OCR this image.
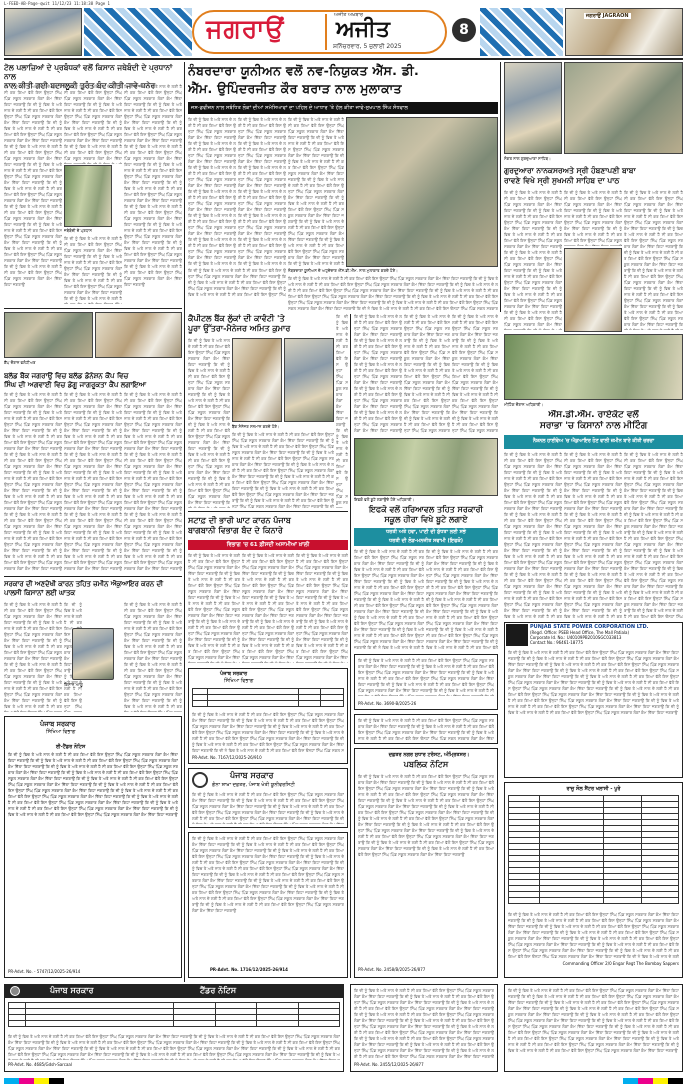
L-FEED-AB-Page-qwit 11/12/23 11:18:38 Page 1
ਜਗਰਾਉਂ	ਅਜੀਤ ਅਖ਼ਬਾਰ
ਅਜੀਤ
ਸ਼ਨਿੱਚਰਵਾਰ, 5 ਜੁਲਾਈ 2025
8
ਜਗਰਾਉਂ JAGRAON
ਟੋਲ ਪਲਾਜ਼ਿਆਂ ਦੇ ਪ੍ਰਬੰਧਕਾਂ ਵਲੋਂ ਕਿਸਾਨ ਜਥੇਬੰਦੀ ਦੇ ਪ੍ਰਧਾਨਾਂ ਨਾਲ
ਨਾਲ ਕੀਤੀ ਗਈ ਬਦਸਲੂਕੀ ਤੁਰੰਤ ਬੰਦ ਕੀਤੀ ਜਾਵੇ-ਧਨੇਰ
ਕਿ ਦੀ ਨੂੰ ਵਿਚ ਤੇ ਅਤੇ ਨਾਲ ਦੇ ਲਈ ਹੈ ਸੀ ਕਰ ਗਿਆ ਵੱਲੋਂ ਇਸ ਉਨ੍ਹਾਂ ਸਿੰਘ ਪਿੰਡ ਸਕੂਲ ਸਰਕਾਰ ਲੋਕਾਂ ਕੰਮ ਦਿੱਤਾ ਕਿਹਾ ਜਗਰਾਉਂ ਕਿ ਦੀ ਨੂੰ ਵਿਚ ਤੇ ਅਤੇ ਨਾਲ ਦੇ ਲਈ ਹੈ ਸੀ ਕਰ ਗਿਆ ਵੱਲੋਂ ਇਸ ਉਨ੍ਹਾਂ ਸਿੰਘ ਪਿੰਡ ਸਕੂਲ ਸਰਕਾਰ ਲੋਕਾਂ ਕੰਮ ਦਿੱਤਾ ਕਿਹਾ ਜਗਰਾਉਂ ਕਿ ਦੀ ਨੂੰ ਵਿਚ ਤੇ ਅਤੇ ਨਾਲ ਦੇ ਲਈ ਹੈ ਸੀ ਕਰ ਗਿਆ ਵੱਲੋਂ ਇਸ ਉਨ੍ਹਾਂ ਸਿੰਘ ਪਿੰਡ ਸਕੂਲ ਸਰਕਾਰ ਲੋਕਾਂ ਕੰਮ ਦਿੱਤਾ ਕਿਹਾ ਜਗਰਾਉਂ ਕਿ ਦੀ ਨੂੰ ਵਿਚ ਤੇ ਅਤੇ ਨਾਲ ਦੇ ਲਈ ਹੈ ਸੀ ਕਰ ਗਿਆ ਵੱਲੋਂ ਇਸ ਉਨ੍ਹਾਂ ਸਿੰਘ ਪਿੰਡ ਸਕੂਲ ਸਰਕਾਰ ਲੋਕਾਂ ਕੰਮ ਦਿੱਤਾ ਕਿਹਾ ਜਗਰਾਉਂ ਕਿ ਦੀ ਨੂੰ ਵਿਚ ਤੇ ਅਤੇ ਨਾਲ ਦੇ ਲਈ ਹੈ ਸੀ ਕਰ ਗਿਆ ਵੱਲੋਂ ਇਸ ਉਨ੍ਹਾਂ ਸਿੰਘ ਪਿੰਡ ਸਕੂਲ ਸਰਕਾਰ ਲੋਕਾਂ ਕੰਮ ਦਿੱਤਾ ਕਿਹਾ ਜਗਰਾਉਂ ਕਿ ਦੀ ਨੂੰ ਵਿਚ ਤੇ ਅਤੇ ਨਾਲ ਦੇ ਲਈ ਹੈ ਸੀ ਕਰ ਗਿਆ ਵੱਲੋਂ ਇਸ ਉਨ੍ਹਾਂ ਸਿੰਘ ਪਿੰਡ ਸਕੂਲ ਸਰਕਾਰ ਲੋਕਾਂ ਕੰਮ ਦਿੱਤਾ ਕਿਹਾ ਜਗਰਾਉਂ ਕਿ ਦੀ ਨੂੰ ਵਿਚ ਤੇ ਅਤੇ ਨਾਲ ਦੇ ਲਈ ਹੈ ਸੀ ਕਰ ਗਿਆ ਵੱਲੋਂ ਇਸ ਉਨ੍ਹਾਂ ਸਿੰਘ ਪਿੰਡ ਸਕੂਲ ਸਰਕਾਰ ਲੋਕਾਂ ਕੰਮ ਦਿੱਤਾ ਕਿਹਾ ਜਗਰਾਉਂ ਕਿ ਦੀ ਨੂੰ ਵਿਚ ਤੇ ਅਤੇ ਨਾਲ ਦੇ ਲਈ ਹੈ ਸੀ ਕਰ ਗਿਆ ਵੱਲੋਂ ਇਸ ਉਨ੍ਹਾਂ ਸਿੰਘ ਪਿੰਡ ਸਕੂਲ ਸਰਕਾਰ ਲੋਕਾਂ ਕੰਮ ਦਿੱਤਾ ਕਿਹਾ ਜਗਰਾਉਂ ਕਿ ਦੀ ਨੂੰ ਵਿਚ ਤੇ ਅਤੇ ਨਾਲ ਦੇ ਲਈ ਹੈ ਸੀ ਕਰ ਗਿਆ ਵੱਲੋਂ ਇਸ ਉਨ੍ਹਾਂ ਸਿੰਘ ਪਿੰਡ ਸਕੂਲ ਸਰਕਾਰ ਲੋਕਾਂ ਕੰਮ ਦਿੱਤਾ ਕਿਹਾ ਜਗਰਾਉਂ ਕਿ ਦੀ ਨੂੰ ਵਿਚ ਤੇ ਅਤੇ ਨਾਲ ਦੇ ਲਈ ਹੈ ਸੀ ਕਰ ਗਿਆ ਵੱਲੋਂ ਇਸ ਉਨ੍ਹਾਂ ਸਿੰਘ ਪਿੰਡ ਸਕੂਲ ਸਰਕਾਰ ਲੋਕਾਂ ਕੰਮ ਦਿੱਤਾ ਕਿਹਾ ਜਗਰਾਉਂ
ਕਿ ਦੀ ਨੂੰ ਵਿਚ ਤੇ ਅਤੇ ਨਾਲ ਦੇ ਲਈ ਹੈ ਸੀ ਕਰ ਗਿਆ ਵੱਲੋਂ ਇਸ ਉਨ੍ਹਾਂ ਸਿੰਘ ਪਿੰਡ ਸਕੂਲ ਸਰਕਾਰ ਲੋਕਾਂ ਕੰਮ ਦਿੱਤਾ ਕਿਹਾ ਜਗਰਾਉਂ ਕਿ ਦੀ ਨੂੰ ਵਿਚ ਤੇ ਅਤੇ ਨਾਲ ਦੇ ਲਈ ਹੈ ਸੀ ਕਰ ਗਿਆ ਵੱਲੋਂ ਇਸ ਉਨ੍ਹਾਂ ਸਿੰਘ ਪਿੰਡ ਸਕੂਲ ਸਰਕਾਰ ਲੋਕਾਂ ਕੰਮ ਦਿੱਤਾ ਕਿਹਾ ਜਗਰਾਉਂ ਕਿ ਦੀ ਨੂੰ ਵਿਚ ਤੇ ਅਤੇ ਨਾਲ ਦੇ ਲਈ ਹੈ ਸੀ ਕਰ ਗਿਆ ਵੱਲੋਂ ਇਸ ਉਨ੍ਹਾਂ ਸਿੰਘ ਪਿੰਡ ਸਕੂਲ ਸਰਕਾਰ ਲੋਕਾਂ ਕੰਮ ਦਿੱਤਾ ਕਿਹਾ ਜਗਰਾਉਂ ਕਿ ਦੀ ਨੂੰ ਵਿਚ ਤੇ ਅਤੇ ਨਾਲ ਦੇ ਲਈ ਹੈ ਸੀ ਕਰ ਗਿਆ ਵੱਲੋਂ ਇਸ ਉਨ੍ਹਾਂ ਸਿੰਘ ਪਿੰਡ ਸਕੂਲ ਸਰਕਾਰ ਲੋਕਾਂ ਕੰਮ ਦਿੱਤਾ ਕਿਹਾ ਜਗਰਾਉਂ ਕਿ ਦੀ ਨੂੰ ਵਿਚ ਤੇ ਅਤੇ ਨਾਲ ਦੇ ਲਈ ਹੈ ਸੀ ਕਰ ਗਿਆ ਵੱਲੋਂ ਇਸ ਉਨ੍ਹਾਂ ਸਿੰਘ ਪਿੰਡ ਸਕੂਲ ਸਰਕਾਰ ਲੋਕਾਂ ਕੰਮ ਦਿੱਤਾ ਕਿਹਾ ਜਗਰਾਉਂ ਕਿ ਦੀ ਨੂੰ ਵਿਚ ਤੇ ਅਤੇ ਨਾਲ ਦੇ ਲਈ ਹੈ ਸੀ ਕਰ ਗਿਆ ਵੱਲੋਂ ਇਸ ਉਨ੍ਹਾਂ ਸਿੰਘ ਪਿੰਡ ਸਕੂਲ ਸਰਕਾਰ ਲੋਕਾਂ ਕੰਮ ਦਿੱਤਾ ਕਿਹਾ ਜਗਰਾਉਂ ਕਿ ਦੀ ਨੂੰ ਵਿਚ ਤੇ ਅਤੇ ਨਾਲ ਦੇ ਲਈ ਹੈ ਸੀ ਕਰ ਗਿਆ ਵੱਲੋਂ ਇਸ ਉਨ੍ਹਾਂ ਸਿੰਘ ਪਿੰਡ ਸਕੂਲ ਸਰਕਾਰ ਲੋਕਾਂ ਕੰਮ ਦਿੱਤਾ ਕਿਹਾ ਜਗਰਾਉਂ ਕਿ ਦੀ ਨੂੰ ਵਿਚ ਤੇ ਅਤੇ ਨਾਲ ਦੇ ਲਈ ਹੈ ਸੀ ਕਰ ਗਿਆ ਵੱਲੋਂ ਇਸ ਉਨ੍ਹਾਂ ਸਿੰਘ ਪਿੰਡ ਸਕੂਲ ਸਰਕਾਰ ਲੋਕਾਂ ਕੰਮ ਦਿੱਤਾ ਕਿਹਾ ਜਗਰਾਉਂ ਕਿ ਦੀ ਨੂੰ ਵਿਚ ਤੇ ਅਤੇ ਨਾਲ ਦੇ ਲਈ ਹੈ ਸੀ ਕਰ ਗਿਆ ਵੱਲੋਂ ਇਸ ਉਨ੍ਹਾਂ ਸਿੰਘ ਪਿੰਡ ਸਕੂਲ ਸਰਕਾਰ ਲੋਕਾਂ ਕੰਮ ਦਿੱਤਾ ਕਿਹਾ ਜਗਰਾਉਂ ਕਿ ਦੀ ਨੂੰ ਵਿਚ ਤੇ ਅਤੇ ਨਾਲ ਦੇ ਲਈ ਹੈ ਸੀ ਕਰ ਗਿਆ ਵੱਲੋਂ ਇਸ ਉਨ੍ਹਾਂ ਸਿੰਘ ਪਿੰਡ ਸਕੂਲ ਸਰਕਾਰ ਲੋਕਾਂ ਕੰਮ ਦਿੱਤਾ ਕਿਹਾ ਜਗਰਾਉਂ
ਜਥੇਬੰਦੀ ਦੇ ਪ੍ਰਧਾਨ
ਕਿ ਦੀ ਨੂੰ ਵਿਚ ਤੇ ਅਤੇ ਨਾਲ ਦੇ ਲਈ ਹੈ ਸੀ ਕਰ ਗਿਆ ਵੱਲੋਂ ਇਸ ਉਨ੍ਹਾਂ ਸਿੰਘ ਪਿੰਡ ਸਕੂਲ ਸਰਕਾਰ ਲੋਕਾਂ ਕੰਮ ਦਿੱਤਾ ਕਿਹਾ ਜਗਰਾਉਂ ਕਿ ਦੀ ਨੂੰ ਵਿਚ ਤੇ ਅਤੇ ਨਾਲ ਦੇ ਲਈ ਹੈ ਸੀ ਕਰ ਗਿਆ ਵੱਲੋਂ ਇਸ ਉਨ੍ਹਾਂ ਸਿੰਘ ਪਿੰਡ ਸਕੂਲ ਸਰਕਾਰ ਲੋਕਾਂ ਕੰਮ ਦਿੱਤਾ ਕਿਹਾ ਜਗਰਾਉਂ ਕਿ ਦੀ ਨੂੰ ਵਿਚ ਤੇ ਅਤੇ ਨਾਲ ਦੇ ਲਈ ਹੈ ਸੀ ਕਰ ਗਿਆ ਵੱਲੋਂ ਇਸ ਉਨ੍ਹਾਂ ਸਿੰਘ ਪਿੰਡ ਸਕੂਲ ਸਰਕਾਰ ਲੋਕਾਂ ਕੰਮ ਦਿੱਤਾ ਕਿਹਾ ਜਗਰਾਉਂ ਕਿ ਦੀ ਨੂੰ ਵਿਚ ਤੇ ਅਤੇ ਨਾਲ ਦੇ ਲਈ ਹੈ ਸੀ ਕਰ ਗਿਆ ਵੱਲੋਂ ਇਸ ਉਨ੍ਹਾਂ ਸਿੰਘ ਪਿੰਡ ਸਕੂਲ ਸਰਕਾਰ ਲੋਕਾਂ ਕੰਮ ਦਿੱਤਾ ਕਿਹਾ ਜਗਰਾਉਂ ਕਿ ਦੀ ਨੂੰ ਵਿਚ ਤੇ ਅਤੇ ਨਾਲ ਦੇ ਲਈ ਹੈ ਸੀ ਕਰ ਗਿਆ ਵੱਲੋਂ ਇਸ ਉਨ੍ਹਾਂ ਸਿੰਘ ਪਿੰਡ ਸਕੂਲ ਸਰਕਾਰ ਲੋਕਾਂ ਕੰਮ ਦਿੱਤਾ ਕਿਹਾ ਜਗਰਾਉਂ ਕਿ ਦੀ ਨੂੰ ਵਿਚ ਤੇ ਅਤੇ ਨਾਲ ਦੇ ਲਈ ਹੈ ਸੀ ਕਰ ਗਿਆ ਵੱਲੋਂ ਇਸ ਉਨ੍ਹਾਂ ਸਿੰਘ ਪਿੰਡ ਸਕੂਲ ਸਰਕਾਰ ਲੋਕਾਂ ਕੰਮ ਦਿੱਤਾ ਕਿਹਾ ਜਗਰਾਉਂ ਕਿ ਦੀ ਨੂੰ ਵਿਚ ਤੇ ਅਤੇ ਨਾਲ ਦੇ ਲਈ ਹੈ ਸੀ ਕਰ ਗਿਆ ਵੱਲੋਂ ਇਸ ਉਨ੍ਹਾਂ ਸਿੰਘ ਪਿੰਡ ਸਕੂਲ ਸਰਕਾਰ ਲੋਕਾਂ ਕੰਮ ਦਿੱਤਾ ਕਿਹਾ ਜਗਰਾਉਂ ਕਿ ਦੀ ਨੂੰ ਵਿਚ ਤੇ ਅਤੇ ਨਾਲ ਦੇ ਲਈ ਹੈ ਸੀ ਕਰ ਗਿਆ ਵੱਲੋਂ ਇਸ ਉਨ੍ਹਾਂ ਸਿੰਘ ਪਿੰਡ ਸਕੂਲ ਸਰਕਾਰ ਲੋਕਾਂ ਕੰਮ ਦਿੱਤਾ ਕਿਹਾ ਜਗਰਾਉਂ ਕਿ ਦੀ ਨੂੰ ਵਿਚ ਤੇ ਅਤੇ ਨਾਲ ਦੇ ਲਈ ਹੈ ਸੀ ਕਰ ਗਿਆ ਵੱਲੋਂ ਇਸ ਉਨ੍ਹਾਂ ਸਿੰਘ ਪਿੰਡ ਸਕੂਲ ਸਰਕਾਰ ਲੋਕਾਂ ਕੰਮ ਦਿੱਤਾ ਕਿਹਾ ਜਗਰਾਉਂ ਕਿ ਦੀ ਨੂੰ ਵਿਚ ਤੇ ਅਤੇ ਨਾਲ ਦੇ ਲਈ ਹੈ ਸੀ ਕਰ ਗਿਆ ਵੱਲੋਂ ਇਸ ਉਨ੍ਹਾਂ ਸਿੰਘ ਪਿੰਡ ਸਕੂਲ ਸਰਕਾਰ ਲੋਕਾਂ ਕੰਮ ਦਿੱਤਾ ਕਿਹਾ ਜਗਰਾਉਂ
ਕਿ ਦੀ ਨੂੰ ਵਿਚ ਤੇ ਅਤੇ ਨਾਲ ਦੇ ਲਈ ਹੈ ਸੀ ਕਰ ਗਿਆ ਵੱਲੋਂ ਇਸ ਉਨ੍ਹਾਂ ਸਿੰਘ ਪਿੰਡ ਸਕੂਲ ਸਰਕਾਰ ਲੋਕਾਂ ਕੰਮ ਦਿੱਤਾ ਕਿਹਾ ਜਗਰਾਉਂ ਕਿ ਦੀ ਨੂੰ ਵਿਚ ਤੇ ਅਤੇ ਨਾਲ ਦੇ ਲਈ ਹੈ ਸੀ ਕਰ ਗਿਆ ਵੱਲੋਂ ਇਸ ਉਨ੍ਹਾਂ ਸਿੰਘ ਪਿੰਡ ਸਕੂਲ ਸਰਕਾਰ ਲੋਕਾਂ ਕੰਮ ਦਿੱਤਾ ਕਿਹਾ ਜਗਰਾਉਂ ਕਿ ਦੀ ਨੂੰ ਵਿਚ ਤੇ ਅਤੇ ਨਾਲ ਦੇ ਲਈ ਹੈ ਸੀ ਕਰ ਗਿਆ ਵੱਲੋਂ ਇਸ ਉਨ੍ਹਾਂ ਸਿੰਘ ਪਿੰਡ ਸਕੂਲ ਸਰਕਾਰ ਲੋਕਾਂ ਕੰਮ ਦਿੱਤਾ ਕਿਹਾ ਜਗਰਾਉਂ ਕਿ ਦੀ ਨੂੰ ਵਿਚ ਤੇ ਅਤੇ ਨਾਲ ਦੇ ਲਈ ਹੈ ਸੀ ਕਰ ਗਿਆ ਵੱਲੋਂ ਇਸ ਉਨ੍ਹਾਂ ਸਿੰਘ ਪਿੰਡ ਸਕੂਲ ਸਰਕਾਰ ਲੋਕਾਂ ਕੰਮ ਦਿੱਤਾ ਕਿਹਾ ਜਗਰਾਉਂ ਕਿ ਦੀ ਨੂੰ ਵਿਚ ਤੇ ਅਤੇ ਨਾਲ ਦੇ ਲਈ ਹੈ ਸੀ ਕਰ ਗਿਆ ਵੱਲੋਂ ਇਸ ਉਨ੍ਹਾਂ ਸਿੰਘ ਪਿੰਡ ਸਕੂਲ ਸਰਕਾਰ ਲੋਕਾਂ ਕੰਮ ਦਿੱਤਾ ਕਿਹਾ ਜਗਰਾਉਂ ਕਿ ਦੀ ਨੂੰ ਵਿਚ ਤੇ ਅਤੇ ਨਾਲ ਦੇ ਲਈ ਹੈ ਸੀ ਕਰ ਗਿਆ ਵੱਲੋਂ ਇਸ ਉਨ੍ਹਾਂ ਸਿੰਘ ਪਿੰਡ ਸਕੂਲ ਸਰਕਾਰ ਲੋਕਾਂ ਕੰਮ ਦਿੱਤਾ ਕਿਹਾ ਜਗਰਾਉਂ ਕਿ ਦੀ ਨੂੰ ਵਿਚ ਤੇ ਅਤੇ ਨਾਲ ਦੇ ਲਈ ਹੈ ਸੀ ਕਰ ਗਿਆ ਵੱਲੋਂ ਇਸ ਉਨ੍ਹਾਂ ਸਿੰਘ ਪਿੰਡ ਸਕੂਲ ਸਰਕਾਰ ਲੋਕਾਂ ਕੰਮ ਦਿੱਤਾ ਕਿਹਾ ਜਗਰਾਉਂ ਕਿ ਦੀ ਨੂੰ ਵਿਚ ਤੇ ਅਤੇ ਨਾਲ ਦੇ ਲਈ ਹੈ ਸੀ ਕਰ ਗਿਆ ਵੱਲੋਂ ਇਸ ਉਨ੍ਹਾਂ ਸਿੰਘ ਪਿੰਡ ਸਕੂਲ ਸਰਕਾਰ ਲੋਕਾਂ ਕੰਮ ਦਿੱਤਾ ਕਿਹਾ ਜਗਰਾਉਂ ਕਿ ਦੀ ਨੂੰ ਵਿਚ ਤੇ ਅਤੇ ਨਾਲ ਦੇ ਲਈ ਹੈ ਸੀ ਕਰ ਗਿਆ ਵੱਲੋਂ ਇਸ ਉਨ੍ਹਾਂ ਸਿੰਘ ਪਿੰਡ ਸਕੂਲ ਸਰਕਾਰ ਲੋਕਾਂ ਕੰਮ ਦਿੱਤਾ ਕਿਹਾ ਜਗਰਾਉਂ ਕਿ ਦੀ ਨੂੰ ਵਿਚ ਤੇ ਅਤੇ ਨਾਲ ਦੇ ਲਈ ਹੈ ਸੀ ਕਰ ਗਿਆ ਵੱਲੋਂ ਇਸ ਉਨ੍ਹਾਂ ਸਿੰਘ ਪਿੰਡ ਸਕੂਲ ਸਰਕਾਰ ਲੋਕਾਂ ਕੰਮ ਦਿੱਤਾ ਕਿਹਾ ਜਗਰਾਉਂ
ਕੈਂਪ ਦੌਰਾਨ ਵਲੰਟੀਅਰ
ਬਲੱਡ ਬੈਂਕ ਜਗਰਾਉਂ ਵਿਚ ਬਲੱਡ ਡੋਨੇਸ਼ਨ ਕੈਂਪ ਵਿਚ
ਸਿੰਘ ਦੀ ਅਗਵਾਈ ਵਿਚ ਡੇਂਗੂ ਜਾਗਰੂਕਤਾ ਕੈਂਪ ਲਗਾਇਆ
ਕਿ ਦੀ ਨੂੰ ਵਿਚ ਤੇ ਅਤੇ ਨਾਲ ਦੇ ਲਈ ਹੈ ਸੀ ਕਰ ਗਿਆ ਵੱਲੋਂ ਇਸ ਉਨ੍ਹਾਂ ਸਿੰਘ ਪਿੰਡ ਸਕੂਲ ਸਰਕਾਰ ਲੋਕਾਂ ਕੰਮ ਦਿੱਤਾ ਕਿਹਾ ਜਗਰਾਉਂ ਕਿ ਦੀ ਨੂੰ ਵਿਚ ਤੇ ਅਤੇ ਨਾਲ ਦੇ ਲਈ ਹੈ ਸੀ ਕਰ ਗਿਆ ਵੱਲੋਂ ਇਸ ਉਨ੍ਹਾਂ ਸਿੰਘ ਪਿੰਡ ਸਕੂਲ ਸਰਕਾਰ ਲੋਕਾਂ ਕੰਮ ਦਿੱਤਾ ਕਿਹਾ ਜਗਰਾਉਂ ਕਿ ਦੀ ਨੂੰ ਵਿਚ ਤੇ ਅਤੇ ਨਾਲ ਦੇ ਲਈ ਹੈ ਸੀ ਕਰ ਗਿਆ ਵੱਲੋਂ ਇਸ ਉਨ੍ਹਾਂ ਸਿੰਘ ਪਿੰਡ ਸਕੂਲ ਸਰਕਾਰ ਲੋਕਾਂ ਕੰਮ ਦਿੱਤਾ ਕਿਹਾ ਜਗਰਾਉਂ ਕਿ ਦੀ ਨੂੰ ਵਿਚ ਤੇ ਅਤੇ ਨਾਲ ਦੇ ਲਈ ਹੈ ਸੀ ਕਰ ਗਿਆ ਵੱਲੋਂ ਇਸ ਉਨ੍ਹਾਂ ਸਿੰਘ ਪਿੰਡ ਸਕੂਲ ਸਰਕਾਰ ਲੋਕਾਂ ਕੰਮ ਦਿੱਤਾ ਕਿਹਾ ਜਗਰਾਉਂ ਕਿ ਦੀ ਨੂੰ ਵਿਚ ਤੇ ਅਤੇ ਨਾਲ ਦੇ ਲਈ ਹੈ ਸੀ ਕਰ ਗਿਆ ਵੱਲੋਂ ਇਸ ਉਨ੍ਹਾਂ ਸਿੰਘ ਪਿੰਡ ਸਕੂਲ ਸਰਕਾਰ ਲੋਕਾਂ ਕੰਮ ਦਿੱਤਾ ਕਿਹਾ ਜਗਰਾਉਂ ਕਿ ਦੀ ਨੂੰ ਵਿਚ ਤੇ ਅਤੇ ਨਾਲ ਦੇ ਲਈ ਹੈ ਸੀ ਕਰ ਗਿਆ ਵੱਲੋਂ ਇਸ ਉਨ੍ਹਾਂ ਸਿੰਘ ਪਿੰਡ ਸਕੂਲ ਸਰਕਾਰ ਲੋਕਾਂ ਕੰਮ ਦਿੱਤਾ ਕਿਹਾ ਜਗਰਾਉਂ ਕਿ ਦੀ ਨੂੰ ਵਿਚ ਤੇ ਅਤੇ ਨਾਲ ਦੇ ਲਈ ਹੈ ਸੀ ਕਰ ਗਿਆ ਵੱਲੋਂ ਇਸ ਉਨ੍ਹਾਂ ਸਿੰਘ ਪਿੰਡ ਸਕੂਲ ਸਰਕਾਰ ਲੋਕਾਂ ਕੰਮ ਦਿੱਤਾ ਕਿਹਾ ਜਗਰਾਉਂ ਕਿ ਦੀ ਨੂੰ ਵਿਚ ਤੇ ਅਤੇ ਨਾਲ ਦੇ ਲਈ ਹੈ ਸੀ ਕਰ ਗਿਆ ਵੱਲੋਂ ਇਸ ਉਨ੍ਹਾਂ ਸਿੰਘ ਪਿੰਡ ਸਕੂਲ ਸਰਕਾਰ ਲੋਕਾਂ ਕੰਮ ਦਿੱਤਾ ਕਿਹਾ ਜਗਰਾਉਂ ਕਿ ਦੀ ਨੂੰ ਵਿਚ ਤੇ ਅਤੇ ਨਾਲ ਦੇ ਲਈ ਹੈ ਸੀ ਕਰ ਗਿਆ ਵੱਲੋਂ ਇਸ ਉਨ੍ਹਾਂ ਸਿੰਘ ਪਿੰਡ ਸਕੂਲ ਸਰਕਾਰ ਲੋਕਾਂ ਕੰਮ ਦਿੱਤਾ ਕਿਹਾ ਜਗਰਾਉਂ ਕਿ ਦੀ ਨੂੰ ਵਿਚ ਤੇ ਅਤੇ ਨਾਲ ਦੇ ਲਈ ਹੈ ਸੀ ਕਰ ਗਿਆ ਵੱਲੋਂ ਇਸ ਉਨ੍ਹਾਂ ਸਿੰਘ ਪਿੰਡ ਸਕੂਲ ਸਰਕਾਰ ਲੋਕਾਂ ਕੰਮ ਦਿੱਤਾ ਕਿਹਾ ਜਗਰਾਉਂ
ਕਿ ਦੀ ਨੂੰ ਵਿਚ ਤੇ ਅਤੇ ਨਾਲ ਦੇ ਲਈ ਹੈ ਸੀ ਕਰ ਗਿਆ ਵੱਲੋਂ ਇਸ ਉਨ੍ਹਾਂ ਸਿੰਘ ਪਿੰਡ ਸਕੂਲ ਸਰਕਾਰ ਲੋਕਾਂ ਕੰਮ ਦਿੱਤਾ ਕਿਹਾ ਜਗਰਾਉਂ ਕਿ ਦੀ ਨੂੰ ਵਿਚ ਤੇ ਅਤੇ ਨਾਲ ਦੇ ਲਈ ਹੈ ਸੀ ਕਰ ਗਿਆ ਵੱਲੋਂ ਇਸ ਉਨ੍ਹਾਂ ਸਿੰਘ ਪਿੰਡ ਸਕੂਲ ਸਰਕਾਰ ਲੋਕਾਂ ਕੰਮ ਦਿੱਤਾ ਕਿਹਾ ਜਗਰਾਉਂ ਕਿ ਦੀ ਨੂੰ ਵਿਚ ਤੇ ਅਤੇ ਨਾਲ ਦੇ ਲਈ ਹੈ ਸੀ ਕਰ ਗਿਆ ਵੱਲੋਂ ਇਸ ਉਨ੍ਹਾਂ ਸਿੰਘ ਪਿੰਡ ਸਕੂਲ ਸਰਕਾਰ ਲੋਕਾਂ ਕੰਮ ਦਿੱਤਾ ਕਿਹਾ ਜਗਰਾਉਂ ਕਿ ਦੀ ਨੂੰ ਵਿਚ ਤੇ ਅਤੇ ਨਾਲ ਦੇ ਲਈ ਹੈ ਸੀ ਕਰ ਗਿਆ ਵੱਲੋਂ ਇਸ ਉਨ੍ਹਾਂ ਸਿੰਘ ਪਿੰਡ ਸਕੂਲ ਸਰਕਾਰ ਲੋਕਾਂ ਕੰਮ ਦਿੱਤਾ ਕਿਹਾ ਜਗਰਾਉਂ ਕਿ ਦੀ ਨੂੰ ਵਿਚ ਤੇ ਅਤੇ ਨਾਲ ਦੇ ਲਈ ਹੈ ਸੀ ਕਰ ਗਿਆ ਵੱਲੋਂ ਇਸ ਉਨ੍ਹਾਂ ਸਿੰਘ ਪਿੰਡ ਸਕੂਲ ਸਰਕਾਰ ਲੋਕਾਂ ਕੰਮ ਦਿੱਤਾ ਕਿਹਾ ਜਗਰਾਉਂ ਕਿ ਦੀ ਨੂੰ ਵਿਚ ਤੇ ਅਤੇ ਨਾਲ ਦੇ ਲਈ ਹੈ ਸੀ ਕਰ ਗਿਆ ਵੱਲੋਂ ਇਸ ਉਨ੍ਹਾਂ ਸਿੰਘ ਪਿੰਡ ਸਕੂਲ ਸਰਕਾਰ ਲੋਕਾਂ ਕੰਮ ਦਿੱਤਾ ਕਿਹਾ ਜਗਰਾਉਂ ਕਿ ਦੀ ਨੂੰ ਵਿਚ ਤੇ ਅਤੇ ਨਾਲ ਦੇ ਲਈ ਹੈ ਸੀ ਕਰ ਗਿਆ ਵੱਲੋਂ ਇਸ ਉਨ੍ਹਾਂ ਸਿੰਘ ਪਿੰਡ ਸਕੂਲ ਸਰਕਾਰ ਲੋਕਾਂ ਕੰਮ ਦਿੱਤਾ ਕਿਹਾ ਜਗਰਾਉਂ ਕਿ ਦੀ ਨੂੰ ਵਿਚ ਤੇ ਅਤੇ ਨਾਲ ਦੇ ਲਈ ਹੈ ਸੀ ਕਰ ਗਿਆ ਵੱਲੋਂ ਇਸ ਉਨ੍ਹਾਂ ਸਿੰਘ ਪਿੰਡ ਸਕੂਲ ਸਰਕਾਰ ਲੋਕਾਂ ਕੰਮ ਦਿੱਤਾ ਕਿਹਾ ਜਗਰਾਉਂ ਕਿ ਦੀ ਨੂੰ ਵਿਚ ਤੇ ਅਤੇ ਨਾਲ ਦੇ ਲਈ ਹੈ ਸੀ ਕਰ ਗਿਆ ਵੱਲੋਂ ਇਸ ਉਨ੍ਹਾਂ ਸਿੰਘ ਪਿੰਡ ਸਕੂਲ ਸਰਕਾਰ ਲੋਕਾਂ ਕੰਮ ਦਿੱਤਾ ਕਿਹਾ ਜਗਰਾਉਂ ਕਿ ਦੀ ਨੂੰ ਵਿਚ ਤੇ ਅਤੇ ਨਾਲ ਦੇ ਲਈ ਹੈ ਸੀ ਕਰ ਗਿਆ ਵੱਲੋਂ ਇਸ ਉਨ੍ਹਾਂ ਸਿੰਘ ਪਿੰਡ ਸਕੂਲ ਸਰਕਾਰ ਲੋਕਾਂ ਕੰਮ ਦਿੱਤਾ ਕਿਹਾ ਜਗਰਾਉਂ
ਕਿ ਦੀ ਨੂੰ ਵਿਚ ਤੇ ਅਤੇ ਨਾਲ ਦੇ ਲਈ ਹੈ ਸੀ ਕਰ ਗਿਆ ਵੱਲੋਂ ਇਸ ਉਨ੍ਹਾਂ ਸਿੰਘ ਪਿੰਡ ਸਕੂਲ ਸਰਕਾਰ ਲੋਕਾਂ ਕੰਮ ਦਿੱਤਾ ਕਿਹਾ ਜਗਰਾਉਂ ਕਿ ਦੀ ਨੂੰ ਵਿਚ ਤੇ ਅਤੇ ਨਾਲ ਦੇ ਲਈ ਹੈ ਸੀ ਕਰ ਗਿਆ ਵੱਲੋਂ ਇਸ ਉਨ੍ਹਾਂ ਸਿੰਘ ਪਿੰਡ ਸਕੂਲ ਸਰਕਾਰ ਲੋਕਾਂ ਕੰਮ ਦਿੱਤਾ ਕਿਹਾ ਜਗਰਾਉਂ ਕਿ ਦੀ ਨੂੰ ਵਿਚ ਤੇ ਅਤੇ ਨਾਲ ਦੇ ਲਈ ਹੈ ਸੀ ਕਰ ਗਿਆ ਵੱਲੋਂ ਇਸ ਉਨ੍ਹਾਂ ਸਿੰਘ ਪਿੰਡ ਸਕੂਲ ਸਰਕਾਰ ਲੋਕਾਂ ਕੰਮ ਦਿੱਤਾ ਕਿਹਾ ਜਗਰਾਉਂ ਕਿ ਦੀ ਨੂੰ ਵਿਚ ਤੇ ਅਤੇ ਨਾਲ ਦੇ ਲਈ ਹੈ ਸੀ ਕਰ ਗਿਆ ਵੱਲੋਂ ਇਸ ਉਨ੍ਹਾਂ ਸਿੰਘ ਪਿੰਡ ਸਕੂਲ ਸਰਕਾਰ ਲੋਕਾਂ ਕੰਮ ਦਿੱਤਾ ਕਿਹਾ ਜਗਰਾਉਂ ਕਿ ਦੀ ਨੂੰ ਵਿਚ ਤੇ ਅਤੇ ਨਾਲ ਦੇ ਲਈ ਹੈ ਸੀ ਕਰ ਗਿਆ ਵੱਲੋਂ ਇਸ ਉਨ੍ਹਾਂ ਸਿੰਘ ਪਿੰਡ ਸਕੂਲ ਸਰਕਾਰ ਲੋਕਾਂ ਕੰਮ ਦਿੱਤਾ ਕਿਹਾ ਜਗਰਾਉਂ ਕਿ ਦੀ ਨੂੰ ਵਿਚ ਤੇ ਅਤੇ ਨਾਲ ਦੇ ਲਈ ਹੈ ਸੀ ਕਰ ਗਿਆ ਵੱਲੋਂ ਇਸ ਉਨ੍ਹਾਂ ਸਿੰਘ ਪਿੰਡ ਸਕੂਲ ਸਰਕਾਰ ਲੋਕਾਂ ਕੰਮ ਦਿੱਤਾ ਕਿਹਾ ਜਗਰਾਉਂ ਕਿ ਦੀ ਨੂੰ ਵਿਚ ਤੇ ਅਤੇ ਨਾਲ ਦੇ ਲਈ ਹੈ ਸੀ ਕਰ ਗਿਆ ਵੱਲੋਂ ਇਸ ਉਨ੍ਹਾਂ ਸਿੰਘ ਪਿੰਡ ਸਕੂਲ ਸਰਕਾਰ ਲੋਕਾਂ ਕੰਮ ਦਿੱਤਾ ਕਿਹਾ ਜਗਰਾਉਂ ਕਿ ਦੀ ਨੂੰ ਵਿਚ ਤੇ ਅਤੇ ਨਾਲ ਦੇ ਲਈ ਹੈ ਸੀ ਕਰ ਗਿਆ ਵੱਲੋਂ ਇਸ ਉਨ੍ਹਾਂ ਸਿੰਘ ਪਿੰਡ ਸਕੂਲ ਸਰਕਾਰ ਲੋਕਾਂ ਕੰਮ ਦਿੱਤਾ ਕਿਹਾ ਜਗਰਾਉਂ ਕਿ ਦੀ ਨੂੰ ਵਿਚ ਤੇ ਅਤੇ ਨਾਲ ਦੇ ਲਈ ਹੈ ਸੀ ਕਰ ਗਿਆ ਵੱਲੋਂ ਇਸ ਉਨ੍ਹਾਂ ਸਿੰਘ ਪਿੰਡ ਸਕੂਲ ਸਰਕਾਰ ਲੋਕਾਂ ਕੰਮ ਦਿੱਤਾ ਕਿਹਾ ਜਗਰਾਉਂ ਕਿ ਦੀ ਨੂੰ ਵਿਚ ਤੇ ਅਤੇ ਨਾਲ ਦੇ ਲਈ ਹੈ ਸੀ ਕਰ ਗਿਆ ਵੱਲੋਂ ਇਸ ਉਨ੍ਹਾਂ ਸਿੰਘ ਪਿੰਡ ਸਕੂਲ ਸਰਕਾਰ ਲੋਕਾਂ ਕੰਮ ਦਿੱਤਾ ਕਿਹਾ ਜਗਰਾਉਂ
ਸਰਕਾਰ ਦੀ ਅਣਦੇਖੀ ਕਾਰਨ ਤਹਿਤ ਜ਼ਮੀਨ ਐਕੁਆਇਰ ਕਰਨ ਦੀ ਪਾਲਸੀ ਕਿਸਾਨਾਂ ਲਈ ਘਾਤਕ
ਕਿ ਦੀ ਨੂੰ ਵਿਚ ਤੇ ਅਤੇ ਨਾਲ ਦੇ ਲਈ ਹੈ ਸੀ ਕਰ ਗਿਆ ਵੱਲੋਂ ਇਸ ਉਨ੍ਹਾਂ ਸਿੰਘ ਪਿੰਡ ਸਕੂਲ ਸਰਕਾਰ ਲੋਕਾਂ ਕੰਮ ਦਿੱਤਾ ਕਿਹਾ ਜਗਰਾਉਂ ਕਿ ਦੀ ਨੂੰ ਵਿਚ ਤੇ ਅਤੇ ਨਾਲ ਦੇ ਲਈ ਹੈ ਸੀ ਕਰ ਗਿਆ ਵੱਲੋਂ ਇਸ ਉਨ੍ਹਾਂ ਸਿੰਘ ਪਿੰਡ ਸਕੂਲ ਸਰਕਾਰ ਲੋਕਾਂ ਕੰਮ ਦਿੱਤਾ ਕਿਹਾ ਜਗਰਾਉਂ ਕਿ ਦੀ ਨੂੰ ਵਿਚ ਤੇ ਅਤੇ ਨਾਲ ਦੇ ਲਈ ਹੈ ਸੀ ਕਰ ਗਿਆ ਵੱਲੋਂ ਇਸ ਉਨ੍ਹਾਂ ਸਿੰਘ ਪਿੰਡ ਸਕੂਲ ਸਰਕਾਰ ਲੋਕਾਂ ਕੰਮ ਦਿੱਤਾ ਕਿਹਾ ਜਗਰਾਉਂ ਕਿ ਦੀ ਨੂੰ ਵਿਚ ਤੇ ਅਤੇ ਨਾਲ ਦੇ ਲਈ ਹੈ ਸੀ ਕਰ ਗਿਆ ਵੱਲੋਂ ਇਸ ਉਨ੍ਹਾਂ ਸਿੰਘ ਪਿੰਡ ਸਕੂਲ ਸਰਕਾਰ ਲੋਕਾਂ ਕੰਮ ਦਿੱਤਾ ਕਿਹਾ ਜਗਰਾਉਂ ਕਿ ਦੀ ਨੂੰ ਵਿਚ ਤੇ ਅਤੇ ਨਾਲ ਦੇ ਲਈ ਹੈ ਸੀ ਕਰ ਗਿਆ ਵੱਲੋਂ ਇਸ ਉਨ੍ਹਾਂ ਸਿੰਘ ਪਿੰਡ ਸਕੂਲ ਸਰਕਾਰ ਲੋਕਾਂ ਕੰਮ ਦਿੱਤਾ ਕਿਹਾ ਜਗਰਾਉਂ ਕਿ ਦੀ ਨੂੰ ਵਿਚ ਤੇ ਅਤੇ ਨਾਲ ਦੇ ਲਈ ਹੈ ਸੀ ਕਰ ਗਿਆ ਵੱਲੋਂ ਇਸ ਉਨ੍ਹਾਂ ਸਿੰਘ ਪਿੰਡ ਸਕੂਲ ਸਰਕਾਰ ਲੋਕਾਂ ਕੰਮ ਦਿੱਤਾ ਕਿਹਾ ਜਗਰਾਉਂ ਕਿ ਦੀ ਨੂੰ ਵਿਚ ਤੇ ਅਤੇ ਨਾਲ ਦੇ ਲਈ ਹੈ ਸੀ ਕਰ ਗਿਆ ਵੱਲੋਂ ਇਸ ਉਨ੍ਹਾਂ ਸਿੰਘ ਪਿੰਡ ਸਕੂਲ ਸਰਕਾਰ ਲੋਕਾਂ ਕੰਮ ਦਿੱਤਾ ਕਿਹਾ ਜਗਰਾਉਂ ਕਿ ਦੀ ਨੂੰ ਵਿਚ ਤੇ ਅਤੇ ਨਾਲ ਦੇ ਲਈ ਹੈ ਸੀ ਕਰ ਗਿਆ ਵੱਲੋਂ ਇਸ ਉਨ੍ਹਾਂ ਸਿੰਘ ਪਿੰਡ ਸਕੂਲ ਸਰਕਾਰ ਲੋਕਾਂ ਕੰਮ ਦਿੱਤਾ ਕਿਹਾ ਜਗਰਾਉਂ ਕਿ ਦੀ ਨੂੰ ਵਿਚ ਤੇ ਅਤੇ ਨਾਲ ਦੇ ਲਈ ਹੈ ਸੀ ਕਰ ਗਿਆ ਵੱਲੋਂ ਇਸ ਉਨ੍ਹਾਂ ਸਿੰਘ ਪਿੰਡ ਸਕੂਲ ਸਰਕਾਰ ਲੋਕਾਂ ਕੰਮ ਦਿੱਤਾ ਕਿਹਾ ਜਗਰਾਉਂ ਕਿ ਦੀ ਨੂੰ ਵਿਚ ਤੇ ਅਤੇ ਨਾਲ ਦੇ ਲਈ ਹੈ ਸੀ ਕਰ ਗਿਆ ਵੱਲੋਂ ਇਸ ਉਨ੍ਹਾਂ ਸਿੰਘ ਪਿੰਡ ਸਕੂਲ ਸਰਕਾਰ ਲੋਕਾਂ ਕੰਮ ਦਿੱਤਾ ਕਿਹਾ ਜਗਰਾਉਂ
ਕਿ ਦੀ ਨੂੰ ਵਿਚ ਤੇ ਅਤੇ ਨਾਲ ਦੇ ਲਈ ਹੈ ਸੀ ਕਰ ਗਿਆ ਵੱਲੋਂ ਇਸ ਉਨ੍ਹਾਂ ਸਿੰਘ ਪਿੰਡ ਸਕੂਲ ਸਰਕਾਰ ਲੋਕਾਂ ਕੰਮ ਦਿੱਤਾ ਕਿਹਾ ਜਗਰਾਉਂ ਕਿ ਦੀ ਨੂੰ ਵਿਚ ਤੇ ਅਤੇ ਨਾਲ ਦੇ ਲਈ ਹੈ ਸੀ ਕਰ ਗਿਆ ਵੱਲੋਂ ਇਸ ਉਨ੍ਹਾਂ ਸਿੰਘ ਪਿੰਡ ਸਕੂਲ ਸਰਕਾਰ ਲੋਕਾਂ ਕੰਮ ਦਿੱਤਾ ਕਿਹਾ ਜਗਰਾਉਂ ਕਿ ਦੀ ਨੂੰ ਵਿਚ ਤੇ ਅਤੇ ਨਾਲ ਦੇ ਲਈ ਹੈ ਸੀ ਕਰ ਗਿਆ ਵੱਲੋਂ ਇਸ ਉਨ੍ਹਾਂ ਸਿੰਘ ਪਿੰਡ ਸਕੂਲ ਸਰਕਾਰ ਲੋਕਾਂ ਕੰਮ ਦਿੱਤਾ ਕਿਹਾ ਜਗਰਾਉਂ ਕਿ ਦੀ ਨੂੰ ਵਿਚ ਤੇ ਅਤੇ ਨਾਲ ਦੇ ਲਈ ਹੈ ਸੀ ਕਰ ਗਿਆ ਵੱਲੋਂ ਇਸ ਉਨ੍ਹਾਂ ਸਿੰਘ ਪਿੰਡ ਸਕੂਲ ਸਰਕਾਰ ਲੋਕਾਂ ਕੰਮ ਦਿੱਤਾ ਕਿਹਾ ਜਗਰਾਉਂ ਕਿ ਦੀ ਨੂੰ ਵਿਚ ਤੇ ਅਤੇ ਨਾਲ ਦੇ ਲਈ ਹੈ ਸੀ ਕਰ ਗਿਆ ਵੱਲੋਂ ਇਸ ਉਨ੍ਹਾਂ ਸਿੰਘ ਪਿੰਡ ਸਕੂਲ ਸਰਕਾਰ ਲੋਕਾਂ ਕੰਮ ਦਿੱਤਾ ਕਿਹਾ ਜਗਰਾਉਂ ਕਿ ਦੀ ਨੂੰ ਵਿਚ ਤੇ ਅਤੇ ਨਾਲ ਦੇ ਲਈ ਹੈ ਸੀ ਕਰ ਗਿਆ ਵੱਲੋਂ ਇਸ ਉਨ੍ਹਾਂ ਸਿੰਘ ਪਿੰਡ ਸਕੂਲ ਸਰਕਾਰ ਲੋਕਾਂ ਕੰਮ ਦਿੱਤਾ ਕਿਹਾ ਜਗਰਾਉਂ ਕਿ ਦੀ ਨੂੰ ਵਿਚ ਤੇ ਅਤੇ ਨਾਲ ਦੇ ਲਈ ਹੈ ਸੀ ਕਰ ਗਿਆ ਵੱਲੋਂ ਇਸ ਉਨ੍ਹਾਂ ਸਿੰਘ ਪਿੰਡ ਸਕੂਲ ਸਰਕਾਰ ਲੋਕਾਂ ਕੰਮ ਦਿੱਤਾ ਕਿਹਾ ਜਗਰਾਉਂ ਕਿ ਦੀ ਨੂੰ ਵਿਚ ਤੇ ਅਤੇ ਨਾਲ ਦੇ ਲਈ ਹੈ ਸੀ ਕਰ ਗਿਆ ਵੱਲੋਂ ਇਸ ਉਨ੍ਹਾਂ ਸਿੰਘ ਪਿੰਡ ਸਕੂਲ ਸਰਕਾਰ ਲੋਕਾਂ ਕੰਮ ਦਿੱਤਾ ਕਿਹਾ ਜਗਰਾਉਂ ਕਿ ਦੀ ਨੂੰ ਵਿਚ ਤੇ ਅਤੇ ਨਾਲ ਦੇ ਲਈ ਹੈ ਸੀ ਕਰ ਗਿਆ ਵੱਲੋਂ ਇਸ ਉਨ੍ਹਾਂ ਸਿੰਘ ਪਿੰਡ ਸਕੂਲ ਸਰਕਾਰ ਲੋਕਾਂ ਕੰਮ ਦਿੱਤਾ ਕਿਹਾ ਜਗਰਾਉਂ ਕਿ ਦੀ ਨੂੰ ਵਿਚ ਤੇ ਅਤੇ ਨਾਲ ਦੇ ਲਈ ਹੈ ਸੀ ਕਰ ਗਿਆ ਵੱਲੋਂ ਇਸ ਉਨ੍ਹਾਂ ਸਿੰਘ ਪਿੰਡ ਸਕੂਲ ਸਰਕਾਰ ਲੋਕਾਂ ਕੰਮ ਦਿੱਤਾ ਕਿਹਾ ਜਗਰਾਉਂ
ਕਿਸਾਨ ਆਗੂ
ਕਿ ਦੀ ਨੂੰ ਵਿਚ ਤੇ ਅਤੇ ਨਾਲ ਦੇ ਲਈ ਹੈ ਸੀ ਕਰ ਗਿਆ ਵੱਲੋਂ ਇਸ ਉਨ੍ਹਾਂ ਸਿੰਘ ਪਿੰਡ ਸਕੂਲ ਸਰਕਾਰ ਲੋਕਾਂ ਕੰਮ ਦਿੱਤਾ ਕਿਹਾ ਜਗਰਾਉਂ ਕਿ ਦੀ ਨੂੰ ਵਿਚ ਤੇ ਅਤੇ ਨਾਲ ਦੇ ਲਈ ਹੈ ਸੀ ਕਰ ਗਿਆ ਵੱਲੋਂ ਇਸ ਉਨ੍ਹਾਂ ਸਿੰਘ ਪਿੰਡ ਸਕੂਲ ਸਰਕਾਰ ਲੋਕਾਂ ਕੰਮ ਦਿੱਤਾ ਕਿਹਾ ਜਗਰਾਉਂ ਕਿ ਦੀ ਨੂੰ ਵਿਚ ਤੇ ਅਤੇ ਨਾਲ ਦੇ ਲਈ ਹੈ ਸੀ ਕਰ ਗਿਆ ਵੱਲੋਂ ਇਸ ਉਨ੍ਹਾਂ ਸਿੰਘ ਪਿੰਡ ਸਕੂਲ ਸਰਕਾਰ ਲੋਕਾਂ ਕੰਮ ਦਿੱਤਾ ਕਿਹਾ ਜਗਰਾਉਂ ਕਿ ਦੀ ਨੂੰ ਵਿਚ ਤੇ ਅਤੇ ਨਾਲ ਦੇ ਲਈ ਹੈ ਸੀ ਕਰ ਗਿਆ ਵੱਲੋਂ ਇਸ ਉਨ੍ਹਾਂ ਸਿੰਘ ਪਿੰਡ ਸਕੂਲ ਸਰਕਾਰ ਲੋਕਾਂ ਕੰਮ ਦਿੱਤਾ ਕਿਹਾ ਜਗਰਾਉਂ ਕਿ ਦੀ ਨੂੰ ਵਿਚ ਤੇ ਅਤੇ ਨਾਲ ਦੇ ਲਈ ਹੈ ਸੀ ਕਰ ਗਿਆ ਵੱਲੋਂ ਇਸ ਉਨ੍ਹਾਂ ਸਿੰਘ ਪਿੰਡ ਸਕੂਲ ਸਰਕਾਰ ਲੋਕਾਂ ਕੰਮ ਦਿੱਤਾ ਕਿਹਾ ਜਗਰਾਉਂ ਕਿ ਦੀ ਨੂੰ ਵਿਚ ਤੇ ਅਤੇ ਨਾਲ ਦੇ ਲਈ ਹੈ ਸੀ ਕਰ ਗਿਆ ਵੱਲੋਂ ਇਸ ਉਨ੍ਹਾਂ ਸਿੰਘ ਪਿੰਡ ਸਕੂਲ ਸਰਕਾਰ ਲੋਕਾਂ ਕੰਮ ਦਿੱਤਾ ਕਿਹਾ ਜਗਰਾਉਂ ਕਿ ਦੀ ਨੂੰ ਵਿਚ ਤੇ ਅਤੇ ਨਾਲ ਦੇ ਲਈ ਹੈ ਸੀ ਕਰ ਗਿਆ ਵੱਲੋਂ ਇਸ ਉਨ੍ਹਾਂ ਸਿੰਘ ਪਿੰਡ ਸਕੂਲ ਸਰਕਾਰ ਲੋਕਾਂ ਕੰਮ ਦਿੱਤਾ ਕਿਹਾ ਜਗਰਾਉਂ ਕਿ ਦੀ ਨੂੰ ਵਿਚ ਤੇ ਅਤੇ ਨਾਲ ਦੇ ਲਈ ਹੈ ਸੀ ਕਰ ਗਿਆ ਵੱਲੋਂ ਇਸ ਉਨ੍ਹਾਂ ਸਿੰਘ ਪਿੰਡ ਸਕੂਲ ਸਰਕਾਰ ਲੋਕਾਂ ਕੰਮ ਦਿੱਤਾ ਕਿਹਾ ਜਗਰਾਉਂ ਕਿ ਦੀ ਨੂੰ ਵਿਚ ਤੇ ਅਤੇ ਨਾਲ ਦੇ ਲਈ ਹੈ ਸੀ ਕਰ ਗਿਆ ਵੱਲੋਂ ਇਸ ਉਨ੍ਹਾਂ ਸਿੰਘ ਪਿੰਡ ਸਕੂਲ ਸਰਕਾਰ ਲੋਕਾਂ ਕੰਮ ਦਿੱਤਾ ਕਿਹਾ ਜਗਰਾਉਂ ਕਿ ਦੀ ਨੂੰ ਵਿਚ ਤੇ ਅਤੇ ਨਾਲ ਦੇ ਲਈ ਹੈ ਸੀ ਕਰ ਗਿਆ ਵੱਲੋਂ ਇਸ ਉਨ੍ਹਾਂ ਸਿੰਘ ਪਿੰਡ ਸਕੂਲ ਸਰਕਾਰ ਲੋਕਾਂ ਕੰਮ ਦਿੱਤਾ ਕਿਹਾ ਜਗਰਾਉਂ
ਪੰਜਾਬ ਸਰਕਾਰ
ਸਿੱਖਿਆ ਵਿਭਾਗ
ਈ-ਟੈਂਡਰ ਨੋਟਿਸ
ਕਿ ਦੀ ਨੂੰ ਵਿਚ ਤੇ ਅਤੇ ਨਾਲ ਦੇ ਲਈ ਹੈ ਸੀ ਕਰ ਗਿਆ ਵੱਲੋਂ ਇਸ ਉਨ੍ਹਾਂ ਸਿੰਘ ਪਿੰਡ ਸਕੂਲ ਸਰਕਾਰ ਲੋਕਾਂ ਕੰਮ ਦਿੱਤਾ ਕਿਹਾ ਜਗਰਾਉਂ ਕਿ ਦੀ ਨੂੰ ਵਿਚ ਤੇ ਅਤੇ ਨਾਲ ਦੇ ਲਈ ਹੈ ਸੀ ਕਰ ਗਿਆ ਵੱਲੋਂ ਇਸ ਉਨ੍ਹਾਂ ਸਿੰਘ ਪਿੰਡ ਸਕੂਲ ਸਰਕਾਰ ਲੋਕਾਂ ਕੰਮ ਦਿੱਤਾ ਕਿਹਾ ਜਗਰਾਉਂ ਕਿ ਦੀ ਨੂੰ ਵਿਚ ਤੇ ਅਤੇ ਨਾਲ ਦੇ ਲਈ ਹੈ ਸੀ ਕਰ ਗਿਆ ਵੱਲੋਂ ਇਸ ਉਨ੍ਹਾਂ ਸਿੰਘ ਪਿੰਡ ਸਕੂਲ ਸਰਕਾਰ ਲੋਕਾਂ ਕੰਮ ਦਿੱਤਾ ਕਿਹਾ ਜਗਰਾਉਂ ਕਿ ਦੀ ਨੂੰ ਵਿਚ ਤੇ ਅਤੇ ਨਾਲ ਦੇ ਲਈ ਹੈ ਸੀ ਕਰ ਗਿਆ ਵੱਲੋਂ ਇਸ ਉਨ੍ਹਾਂ ਸਿੰਘ ਪਿੰਡ ਸਕੂਲ ਸਰਕਾਰ ਲੋਕਾਂ ਕੰਮ ਦਿੱਤਾ ਕਿਹਾ ਜਗਰਾਉਂ ਕਿ ਦੀ ਨੂੰ ਵਿਚ ਤੇ ਅਤੇ ਨਾਲ ਦੇ ਲਈ ਹੈ ਸੀ ਕਰ ਗਿਆ ਵੱਲੋਂ ਇਸ ਉਨ੍ਹਾਂ ਸਿੰਘ ਪਿੰਡ ਸਕੂਲ ਸਰਕਾਰ ਲੋਕਾਂ ਕੰਮ ਦਿੱਤਾ ਕਿਹਾ ਜਗਰਾਉਂ ਕਿ ਦੀ ਨੂੰ ਵਿਚ ਤੇ ਅਤੇ ਨਾਲ ਦੇ ਲਈ ਹੈ ਸੀ ਕਰ ਗਿਆ ਵੱਲੋਂ ਇਸ ਉਨ੍ਹਾਂ ਸਿੰਘ ਪਿੰਡ ਸਕੂਲ ਸਰਕਾਰ ਲੋਕਾਂ ਕੰਮ ਦਿੱਤਾ ਕਿਹਾ ਜਗਰਾਉਂ ਕਿ ਦੀ ਨੂੰ ਵਿਚ ਤੇ ਅਤੇ ਨਾਲ ਦੇ ਲਈ ਹੈ ਸੀ ਕਰ ਗਿਆ ਵੱਲੋਂ ਇਸ ਉਨ੍ਹਾਂ ਸਿੰਘ ਪਿੰਡ ਸਕੂਲ ਸਰਕਾਰ ਲੋਕਾਂ ਕੰਮ ਦਿੱਤਾ ਕਿਹਾ ਜਗਰਾਉਂ ਕਿ ਦੀ ਨੂੰ ਵਿਚ ਤੇ ਅਤੇ ਨਾਲ ਦੇ ਲਈ ਹੈ ਸੀ ਕਰ ਗਿਆ ਵੱਲੋਂ ਇਸ ਉਨ੍ਹਾਂ ਸਿੰਘ ਪਿੰਡ ਸਕੂਲ ਸਰਕਾਰ ਲੋਕਾਂ ਕੰਮ ਦਿੱਤਾ ਕਿਹਾ ਜਗਰਾਉਂ ਕਿ ਦੀ ਨੂੰ ਵਿਚ ਤੇ ਅਤੇ ਨਾਲ ਦੇ ਲਈ ਹੈ ਸੀ ਕਰ ਗਿਆ ਵੱਲੋਂ ਇਸ ਉਨ੍ਹਾਂ ਸਿੰਘ ਪਿੰਡ ਸਕੂਲ ਸਰਕਾਰ ਲੋਕਾਂ ਕੰਮ ਦਿੱਤਾ ਕਿਹਾ ਜਗਰਾਉਂ ਕਿ ਦੀ ਨੂੰ ਵਿਚ ਤੇ ਅਤੇ ਨਾਲ ਦੇ ਲਈ ਹੈ ਸੀ ਕਰ ਗਿਆ ਵੱਲੋਂ ਇਸ ਉਨ੍ਹਾਂ ਸਿੰਘ ਪਿੰਡ ਸਕੂਲ ਸਰਕਾਰ ਲੋਕਾਂ ਕੰਮ ਦਿੱਤਾ ਕਿਹਾ ਜਗਰਾਉਂ
PR-Advt. No. - 5747/12/2025-26/914
ਨੰਬਰਦਾਰਾ ਯੂਨੀਅਨ ਵਲੋਂ ਨਵ-ਨਿਯੁਕਤ ਐੱਸ. ਡੀ.
ਐੱਮ. ਉਪਿੰਦਰਜੀਤ ਕੌਰ ਬਰਾੜ ਨਾਲ ਮੁਲਾਕਾਤ
ਜਸ-ਡਵੀਜ਼ਨ ਨਾਲ ਸਬੰਧਿਤ ਲੋਕਾਂ ਦੀਆਂ ਸਮੱਸਿਆਵਾਂ ਦਾ ਪਹਿਲ ਦੇ ਆਧਾਰ 'ਤੇ ਹੱਲ ਕੀਤਾ ਜਾਵੇ-ਸੁਖਪਾਲ ਸਿੰਘ ਸੰਧਵਾਲ
ਕਿ ਦੀ ਨੂੰ ਵਿਚ ਤੇ ਅਤੇ ਨਾਲ ਦੇ ਲਈ ਹੈ ਸੀ ਕਰ ਗਿਆ ਵੱਲੋਂ ਇਸ ਉਨ੍ਹਾਂ ਸਿੰਘ ਪਿੰਡ ਸਕੂਲ ਸਰਕਾਰ ਲੋਕਾਂ ਕੰਮ ਦਿੱਤਾ ਕਿਹਾ ਜਗਰਾਉਂ ਕਿ ਦੀ ਨੂੰ ਵਿਚ ਤੇ ਅਤੇ ਨਾਲ ਦੇ ਲਈ ਹੈ ਸੀ ਕਰ ਗਿਆ ਵੱਲੋਂ ਇਸ ਉਨ੍ਹਾਂ ਸਿੰਘ ਪਿੰਡ ਸਕੂਲ ਸਰਕਾਰ ਲੋਕਾਂ ਕੰਮ ਦਿੱਤਾ ਕਿਹਾ ਜਗਰਾਉਂ ਕਿ ਦੀ ਨੂੰ ਵਿਚ ਤੇ ਅਤੇ ਨਾਲ ਦੇ ਲਈ ਹੈ ਸੀ ਕਰ ਗਿਆ ਵੱਲੋਂ ਇਸ ਉਨ੍ਹਾਂ ਸਿੰਘ ਪਿੰਡ ਸਕੂਲ ਸਰਕਾਰ ਲੋਕਾਂ ਕੰਮ ਦਿੱਤਾ ਕਿਹਾ ਜਗਰਾਉਂ ਕਿ ਦੀ ਨੂੰ ਵਿਚ ਤੇ ਅਤੇ ਨਾਲ ਦੇ ਲਈ ਹੈ ਸੀ ਕਰ ਗਿਆ ਵੱਲੋਂ ਇਸ ਉਨ੍ਹਾਂ ਸਿੰਘ ਪਿੰਡ ਸਕੂਲ ਸਰਕਾਰ ਲੋਕਾਂ ਕੰਮ ਦਿੱਤਾ ਕਿਹਾ ਜਗਰਾਉਂ ਕਿ ਦੀ ਨੂੰ ਵਿਚ ਤੇ ਅਤੇ ਨਾਲ ਦੇ ਲਈ ਹੈ ਸੀ ਕਰ ਗਿਆ ਵੱਲੋਂ ਇਸ ਉਨ੍ਹਾਂ ਸਿੰਘ ਪਿੰਡ ਸਕੂਲ ਸਰਕਾਰ ਲੋਕਾਂ ਕੰਮ ਦਿੱਤਾ ਕਿਹਾ ਜਗਰਾਉਂ ਕਿ ਦੀ ਨੂੰ ਵਿਚ ਤੇ ਅਤੇ ਨਾਲ ਦੇ ਲਈ ਹੈ ਸੀ ਕਰ ਗਿਆ ਵੱਲੋਂ ਇਸ ਉਨ੍ਹਾਂ ਸਿੰਘ ਪਿੰਡ ਸਕੂਲ ਸਰਕਾਰ ਲੋਕਾਂ ਕੰਮ ਦਿੱਤਾ ਕਿਹਾ ਜਗਰਾਉਂ ਕਿ ਦੀ ਨੂੰ ਵਿਚ ਤੇ ਅਤੇ ਨਾਲ ਦੇ ਲਈ ਹੈ ਸੀ ਕਰ ਗਿਆ ਵੱਲੋਂ ਇਸ ਉਨ੍ਹਾਂ ਸਿੰਘ ਪਿੰਡ ਸਕੂਲ ਸਰਕਾਰ ਲੋਕਾਂ ਕੰਮ ਦਿੱਤਾ ਕਿਹਾ ਜਗਰਾਉਂ ਕਿ ਦੀ ਨੂੰ ਵਿਚ ਤੇ ਅਤੇ ਨਾਲ ਦੇ ਲਈ ਹੈ ਸੀ ਕਰ ਗਿਆ ਵੱਲੋਂ ਇਸ ਉਨ੍ਹਾਂ ਸਿੰਘ ਪਿੰਡ ਸਕੂਲ ਸਰਕਾਰ ਲੋਕਾਂ ਕੰਮ ਦਿੱਤਾ ਕਿਹਾ ਜਗਰਾਉਂ ਕਿ ਦੀ ਨੂੰ ਵਿਚ ਤੇ ਅਤੇ ਨਾਲ ਦੇ ਲਈ ਹੈ ਸੀ ਕਰ ਗਿਆ ਵੱਲੋਂ ਇਸ ਉਨ੍ਹਾਂ ਸਿੰਘ ਪਿੰਡ ਸਕੂਲ ਸਰਕਾਰ ਲੋਕਾਂ ਕੰਮ ਦਿੱਤਾ ਕਿਹਾ ਜਗਰਾਉਂ ਕਿ ਦੀ ਨੂੰ ਵਿਚ ਤੇ ਅਤੇ ਨਾਲ ਦੇ ਲਈ ਹੈ ਸੀ ਕਰ ਗਿਆ ਵੱਲੋਂ ਇਸ ਉਨ੍ਹਾਂ ਸਿੰਘ ਪਿੰਡ ਸਕੂਲ ਸਰਕਾਰ ਲੋਕਾਂ ਕੰਮ ਦਿੱਤਾ ਕਿਹਾ ਜਗਰਾਉਂ
ਕਿ ਦੀ ਨੂੰ ਵਿਚ ਤੇ ਅਤੇ ਨਾਲ ਦੇ ਲਈ ਹੈ ਸੀ ਕਰ ਗਿਆ ਵੱਲੋਂ ਇਸ ਉਨ੍ਹਾਂ ਸਿੰਘ ਪਿੰਡ ਸਕੂਲ ਸਰਕਾਰ ਲੋਕਾਂ ਕੰਮ ਦਿੱਤਾ ਕਿਹਾ ਜਗਰਾਉਂ ਕਿ ਦੀ ਨੂੰ ਵਿਚ ਤੇ ਅਤੇ ਨਾਲ ਦੇ ਲਈ ਹੈ ਸੀ ਕਰ ਗਿਆ ਵੱਲੋਂ ਇਸ ਉਨ੍ਹਾਂ ਸਿੰਘ ਪਿੰਡ ਸਕੂਲ ਸਰਕਾਰ ਲੋਕਾਂ ਕੰਮ ਦਿੱਤਾ ਕਿਹਾ ਜਗਰਾਉਂ ਕਿ ਦੀ ਨੂੰ ਵਿਚ ਤੇ ਅਤੇ ਨਾਲ ਦੇ ਲਈ ਹੈ ਸੀ ਕਰ ਗਿਆ ਵੱਲੋਂ ਇਸ ਉਨ੍ਹਾਂ ਸਿੰਘ ਪਿੰਡ ਸਕੂਲ ਸਰਕਾਰ ਲੋਕਾਂ ਕੰਮ ਦਿੱਤਾ ਕਿਹਾ ਜਗਰਾਉਂ ਕਿ ਦੀ ਨੂੰ ਵਿਚ ਤੇ ਅਤੇ ਨਾਲ ਦੇ ਲਈ ਹੈ ਸੀ ਕਰ ਗਿਆ ਵੱਲੋਂ ਇਸ ਉਨ੍ਹਾਂ ਸਿੰਘ ਪਿੰਡ ਸਕੂਲ ਸਰਕਾਰ ਲੋਕਾਂ ਕੰਮ ਦਿੱਤਾ ਕਿਹਾ ਜਗਰਾਉਂ ਕਿ ਦੀ ਨੂੰ ਵਿਚ ਤੇ ਅਤੇ ਨਾਲ ਦੇ ਲਈ ਹੈ ਸੀ ਕਰ ਗਿਆ ਵੱਲੋਂ ਇਸ ਉਨ੍ਹਾਂ ਸਿੰਘ ਪਿੰਡ ਸਕੂਲ ਸਰਕਾਰ ਲੋਕਾਂ ਕੰਮ ਦਿੱਤਾ ਕਿਹਾ ਜਗਰਾਉਂ ਕਿ ਦੀ ਨੂੰ ਵਿਚ ਤੇ ਅਤੇ ਨਾਲ ਦੇ ਲਈ ਹੈ ਸੀ ਕਰ ਗਿਆ ਵੱਲੋਂ ਇਸ ਉਨ੍ਹਾਂ ਸਿੰਘ ਪਿੰਡ ਸਕੂਲ ਸਰਕਾਰ ਲੋਕਾਂ ਕੰਮ ਦਿੱਤਾ ਕਿਹਾ ਜਗਰਾਉਂ ਕਿ ਦੀ ਨੂੰ ਵਿਚ ਤੇ ਅਤੇ ਨਾਲ ਦੇ ਲਈ ਹੈ ਸੀ ਕਰ ਗਿਆ ਵੱਲੋਂ ਇਸ ਉਨ੍ਹਾਂ ਸਿੰਘ ਪਿੰਡ ਸਕੂਲ ਸਰਕਾਰ ਲੋਕਾਂ ਕੰਮ ਦਿੱਤਾ ਕਿਹਾ ਜਗਰਾਉਂ ਕਿ ਦੀ ਨੂੰ ਵਿਚ ਤੇ ਅਤੇ ਨਾਲ ਦੇ ਲਈ ਹੈ ਸੀ ਕਰ ਗਿਆ ਵੱਲੋਂ ਇਸ ਉਨ੍ਹਾਂ ਸਿੰਘ ਪਿੰਡ ਸਕੂਲ ਸਰਕਾਰ ਲੋਕਾਂ ਕੰਮ ਦਿੱਤਾ ਕਿਹਾ ਜਗਰਾਉਂ ਕਿ ਦੀ ਨੂੰ ਵਿਚ ਤੇ ਅਤੇ ਨਾਲ ਦੇ ਲਈ ਹੈ ਸੀ ਕਰ ਗਿਆ ਵੱਲੋਂ ਇਸ ਉਨ੍ਹਾਂ ਸਿੰਘ ਪਿੰਡ ਸਕੂਲ ਸਰਕਾਰ ਲੋਕਾਂ ਕੰਮ ਦਿੱਤਾ ਕਿਹਾ ਜਗਰਾਉਂ ਕਿ ਦੀ ਨੂੰ ਵਿਚ ਤੇ ਅਤੇ ਨਾਲ ਦੇ ਲਈ ਹੈ ਸੀ ਕਰ ਗਿਆ ਵੱਲੋਂ ਇਸ ਉਨ੍ਹਾਂ ਸਿੰਘ ਪਿੰਡ ਸਕੂਲ ਸਰਕਾਰ ਲੋਕਾਂ ਕੰਮ ਦਿੱਤਾ ਕਿਹਾ ਜਗਰਾਉਂ
ਕਿ ਦੀ ਨੂੰ ਵਿਚ ਤੇ ਅਤੇ ਨਾਲ ਦੇ ਲਈ ਹੈ ਸੀ ਕਰ ਗਿਆ ਵੱਲੋਂ ਇਸ ਉਨ੍ਹਾਂ ਸਿੰਘ ਪਿੰਡ ਸਕੂਲ ਸਰਕਾਰ ਲੋਕਾਂ ਕੰਮ ਦਿੱਤਾ ਕਿਹਾ ਜਗਰਾਉਂ ਕਿ ਦੀ ਨੂੰ ਵਿਚ ਤੇ ਅਤੇ ਨਾਲ ਦੇ ਲਈ ਹੈ ਸੀ ਕਰ ਗਿਆ ਵੱਲੋਂ ਇਸ ਉਨ੍ਹਾਂ ਸਿੰਘ ਪਿੰਡ ਸਕੂਲ ਸਰਕਾਰ ਲੋਕਾਂ ਕੰਮ ਦਿੱਤਾ ਕਿਹਾ ਜਗਰਾਉਂ ਕਿ ਦੀ ਨੂੰ ਵਿਚ ਤੇ ਅਤੇ ਨਾਲ ਦੇ ਲਈ ਹੈ ਸੀ ਕਰ ਗਿਆ ਵੱਲੋਂ ਇਸ ਉਨ੍ਹਾਂ ਸਿੰਘ ਪਿੰਡ ਸਕੂਲ ਸਰਕਾਰ ਲੋਕਾਂ ਕੰਮ ਦਿੱਤਾ ਕਿਹਾ ਜਗਰਾਉਂ ਕਿ ਦੀ ਨੂੰ ਵਿਚ ਤੇ ਅਤੇ ਨਾਲ ਦੇ ਲਈ ਹੈ ਸੀ ਕਰ ਗਿਆ ਵੱਲੋਂ ਇਸ ਉਨ੍ਹਾਂ ਸਿੰਘ ਪਿੰਡ ਸਕੂਲ ਸਰਕਾਰ ਲੋਕਾਂ ਕੰਮ ਦਿੱਤਾ ਕਿਹਾ ਜਗਰਾਉਂ ਕਿ ਦੀ ਨੂੰ ਵਿਚ ਤੇ ਅਤੇ ਨਾਲ ਦੇ ਲਈ ਹੈ ਸੀ ਕਰ ਗਿਆ ਵੱਲੋਂ ਇਸ ਉਨ੍ਹਾਂ ਸਿੰਘ ਪਿੰਡ ਸਕੂਲ ਸਰਕਾਰ ਲੋਕਾਂ ਕੰਮ ਦਿੱਤਾ ਕਿਹਾ ਜਗਰਾਉਂ ਕਿ ਦੀ ਨੂੰ ਵਿਚ ਤੇ ਅਤੇ ਨਾਲ ਦੇ ਲਈ ਹੈ ਸੀ ਕਰ ਗਿਆ ਵੱਲੋਂ ਇਸ ਉਨ੍ਹਾਂ ਸਿੰਘ ਪਿੰਡ ਸਕੂਲ ਸਰਕਾਰ ਲੋਕਾਂ ਕੰਮ ਦਿੱਤਾ ਕਿਹਾ ਜਗਰਾਉਂ ਕਿ ਦੀ ਨੂੰ ਵਿਚ ਤੇ ਅਤੇ ਨਾਲ ਦੇ ਲਈ ਹੈ ਸੀ ਕਰ ਗਿਆ ਵੱਲੋਂ ਇਸ ਉਨ੍ਹਾਂ ਸਿੰਘ ਪਿੰਡ ਸਕੂਲ ਸਰਕਾਰ ਲੋਕਾਂ ਕੰਮ ਦਿੱਤਾ ਕਿਹਾ ਜਗਰਾਉਂ ਕਿ ਦੀ ਨੂੰ ਵਿਚ ਤੇ ਅਤੇ ਨਾਲ ਦੇ ਲਈ ਹੈ ਸੀ ਕਰ ਗਿਆ ਵੱਲੋਂ ਇਸ ਉਨ੍ਹਾਂ ਸਿੰਘ ਪਿੰਡ ਸਕੂਲ ਸਰਕਾਰ ਲੋਕਾਂ ਕੰਮ ਦਿੱਤਾ ਕਿਹਾ ਜਗਰਾਉਂ ਕਿ ਦੀ ਨੂੰ ਵਿਚ ਤੇ ਅਤੇ ਨਾਲ ਦੇ ਲਈ ਹੈ ਸੀ ਕਰ ਗਿਆ ਵੱਲੋਂ ਇਸ ਉਨ੍ਹਾਂ ਸਿੰਘ ਪਿੰਡ ਸਕੂਲ ਸਰਕਾਰ ਲੋਕਾਂ ਕੰਮ ਦਿੱਤਾ ਕਿਹਾ ਜਗਰਾਉਂ ਕਿ ਦੀ ਨੂੰ ਵਿਚ ਤੇ ਅਤੇ ਨਾਲ ਦੇ ਲਈ ਹੈ ਸੀ ਕਰ ਗਿਆ ਵੱਲੋਂ ਇਸ ਉਨ੍ਹਾਂ ਸਿੰਘ ਪਿੰਡ ਸਕੂਲ ਸਰਕਾਰ ਲੋਕਾਂ ਕੰਮ ਦਿੱਤਾ ਕਿਹਾ ਜਗਰਾਉਂ
ਨੰਬਰਦਾਰਾ ਯੂਨੀਅਨ ਦੇ ਅਹੁਦੇਦਾਰ ਐੱਸ.ਡੀ.ਐੱਮ. ਨਾਲ ਮੁਲਾਕਾਤ ਕਰਦੇ ਹੋਏ।
ਕਿ ਦੀ ਨੂੰ ਵਿਚ ਤੇ ਅਤੇ ਨਾਲ ਦੇ ਲਈ ਹੈ ਸੀ ਕਰ ਗਿਆ ਵੱਲੋਂ ਇਸ ਉਨ੍ਹਾਂ ਸਿੰਘ ਪਿੰਡ ਸਕੂਲ ਸਰਕਾਰ ਲੋਕਾਂ ਕੰਮ ਦਿੱਤਾ ਕਿਹਾ ਜਗਰਾਉਂ ਕਿ ਦੀ ਨੂੰ ਵਿਚ ਤੇ ਅਤੇ ਨਾਲ ਦੇ ਲਈ ਹੈ ਸੀ ਕਰ ਗਿਆ ਵੱਲੋਂ ਇਸ ਉਨ੍ਹਾਂ ਸਿੰਘ ਪਿੰਡ ਸਕੂਲ ਸਰਕਾਰ ਲੋਕਾਂ ਕੰਮ ਦਿੱਤਾ ਕਿਹਾ ਜਗਰਾਉਂ ਕਿ ਦੀ ਨੂੰ ਵਿਚ ਤੇ ਅਤੇ ਨਾਲ ਦੇ ਲਈ ਹੈ ਸੀ ਕਰ ਗਿਆ ਵੱਲੋਂ ਇਸ ਉਨ੍ਹਾਂ ਸਿੰਘ ਪਿੰਡ ਸਕੂਲ ਸਰਕਾਰ ਲੋਕਾਂ ਕੰਮ ਦਿੱਤਾ ਕਿਹਾ ਜਗਰਾਉਂ ਕਿ ਦੀ ਨੂੰ ਵਿਚ ਤੇ ਅਤੇ ਨਾਲ ਦੇ ਲਈ ਹੈ ਸੀ ਕਰ ਗਿਆ ਵੱਲੋਂ ਇਸ ਉਨ੍ਹਾਂ ਸਿੰਘ ਪਿੰਡ ਸਕੂਲ ਸਰਕਾਰ ਲੋਕਾਂ ਕੰਮ ਦਿੱਤਾ ਕਿਹਾ ਜਗਰਾਉਂ ਕਿ ਦੀ ਨੂੰ ਵਿਚ ਤੇ ਅਤੇ ਨਾਲ ਦੇ ਲਈ ਹੈ ਸੀ ਕਰ ਗਿਆ ਵੱਲੋਂ ਇਸ ਉਨ੍ਹਾਂ ਸਿੰਘ ਪਿੰਡ ਸਕੂਲ ਸਰਕਾਰ ਲੋਕਾਂ ਕੰਮ ਦਿੱਤਾ ਕਿਹਾ ਜਗਰਾਉਂ ਕਿ ਦੀ ਨੂੰ ਵਿਚ ਤੇ ਅਤੇ ਨਾਲ ਦੇ ਲਈ ਹੈ ਸੀ ਕਰ ਗਿਆ ਵੱਲੋਂ ਇਸ ਉਨ੍ਹਾਂ ਸਿੰਘ ਪਿੰਡ ਸਕੂਲ ਸਰਕਾਰ ਲੋਕਾਂ ਕੰਮ ਦਿੱਤਾ ਕਿਹਾ ਜਗਰਾਉਂ ਕਿ ਦੀ ਨੂੰ ਵਿਚ ਤੇ ਅਤੇ ਨਾਲ ਦੇ ਲਈ ਹੈ ਸੀ ਕਰ ਗਿਆ ਵੱਲੋਂ ਇਸ ਉਨ੍ਹਾਂ ਸਿੰਘ ਪਿੰਡ ਸਕੂਲ ਸਰਕਾਰ ਲੋਕਾਂ ਕੰਮ ਦਿੱਤਾ ਕਿਹਾ ਜਗਰਾਉਂ ਕਿ ਦੀ ਨੂੰ ਵਿਚ ਤੇ ਅਤੇ ਨਾਲ ਦੇ ਲਈ ਹੈ ਸੀ ਕਰ ਗਿਆ ਵੱਲੋਂ ਇਸ ਉਨ੍ਹਾਂ ਸਿੰਘ ਪਿੰਡ ਸਕੂਲ ਸਰਕਾਰ ਲੋਕਾਂ ਕੰਮ ਦਿੱਤਾ ਕਿਹਾ ਜਗਰਾਉਂ ਕਿ ਦੀ ਨੂੰ ਵਿਚ ਤੇ ਅਤੇ ਨਾਲ ਦੇ ਲਈ ਹੈ ਸੀ ਕਰ ਗਿਆ ਵੱਲੋਂ ਇਸ ਉਨ੍ਹਾਂ ਸਿੰਘ ਪਿੰਡ ਸਕੂਲ ਸਰਕਾਰ ਲੋਕਾਂ ਕੰਮ ਦਿੱਤਾ ਕਿਹਾ ਜਗਰਾਉਂ ਕਿ ਦੀ ਨੂੰ ਵਿਚ ਤੇ ਅਤੇ ਨਾਲ ਦੇ ਲਈ ਹੈ ਸੀ ਕਰ ਗਿਆ ਵੱਲੋਂ ਇਸ ਉਨ੍ਹਾਂ ਸਿੰਘ ਪਿੰਡ ਸਕੂਲ ਸਰਕਾਰ ਲੋਕਾਂ ਕੰਮ ਦਿੱਤਾ ਕਿਹਾ ਜਗਰਾਉਂ
ਕਿ ਦੀ ਨੂੰ ਵਿਚ ਤੇ ਅਤੇ ਨਾਲ ਦੇ ਲਈ ਹੈ ਸੀ ਕਰ ਗਿਆ ਵੱਲੋਂ ਇਸ ਉਨ੍ਹਾਂ ਸਿੰਘ ਪਿੰਡ ਸਕੂਲ ਸਰਕਾਰ ਲੋਕਾਂ ਕੰਮ ਦਿੱਤਾ ਕਿਹਾ ਜਗਰਾਉਂ ਕਿ ਦੀ ਨੂੰ ਵਿਚ ਤੇ ਅਤੇ ਨਾਲ ਦੇ ਲਈ ਹੈ ਸੀ ਕਰ ਗਿਆ ਵੱਲੋਂ ਇਸ ਉਨ੍ਹਾਂ ਸਿੰਘ ਪਿੰਡ ਸਕੂਲ ਸਰਕਾਰ ਲੋਕਾਂ ਕੰਮ ਦਿੱਤਾ ਕਿਹਾ ਜਗਰਾਉਂ ਕਿ ਦੀ ਨੂੰ ਵਿਚ ਤੇ ਅਤੇ ਨਾਲ ਦੇ ਲਈ ਹੈ ਸੀ ਕਰ ਗਿਆ ਵੱਲੋਂ ਇਸ ਉਨ੍ਹਾਂ ਸਿੰਘ ਪਿੰਡ ਸਕੂਲ ਸਰਕਾਰ ਲੋਕਾਂ ਕੰਮ ਦਿੱਤਾ ਕਿਹਾ ਜਗਰਾਉਂ ਕਿ ਦੀ ਨੂੰ ਵਿਚ ਤੇ ਅਤੇ ਨਾਲ ਦੇ ਲਈ ਹੈ ਸੀ ਕਰ ਗਿਆ ਵੱਲੋਂ ਇਸ ਉਨ੍ਹਾਂ ਸਿੰਘ ਪਿੰਡ ਸਕੂਲ ਸਰਕਾਰ ਲੋਕਾਂ ਕੰਮ ਦਿੱਤਾ ਕਿਹਾ ਜਗਰਾਉਂ ਕਿ ਦੀ ਨੂੰ ਵਿਚ ਤੇ ਅਤੇ ਨਾਲ ਦੇ ਲਈ ਹੈ ਸੀ ਕਰ ਗਿਆ ਵੱਲੋਂ ਇਸ ਉਨ੍ਹਾਂ ਸਿੰਘ ਪਿੰਡ ਸਕੂਲ ਸਰਕਾਰ ਲੋਕਾਂ ਕੰਮ ਦਿੱਤਾ ਕਿਹਾ ਜਗਰਾਉਂ ਕਿ ਦੀ ਨੂੰ ਵਿਚ ਤੇ ਅਤੇ ਨਾਲ ਦੇ ਲਈ ਹੈ ਸੀ ਕਰ ਗਿਆ ਵੱਲੋਂ ਇਸ ਉਨ੍ਹਾਂ ਸਿੰਘ ਪਿੰਡ ਸਕੂਲ ਸਰਕਾਰ ਲੋਕਾਂ ਕੰਮ ਦਿੱਤਾ ਕਿਹਾ ਜਗਰਾਉਂ ਕਿ ਦੀ ਨੂੰ ਵਿਚ ਤੇ ਅਤੇ ਨਾਲ ਦੇ ਲਈ ਹੈ ਸੀ ਕਰ ਗਿਆ ਵੱਲੋਂ ਇਸ ਉਨ੍ਹਾਂ ਸਿੰਘ ਪਿੰਡ ਸਕੂਲ ਸਰਕਾਰ ਲੋਕਾਂ ਕੰਮ ਦਿੱਤਾ ਕਿਹਾ ਜਗਰਾਉਂ ਕਿ ਦੀ ਨੂੰ ਵਿਚ ਤੇ ਅਤੇ ਨਾਲ ਦੇ ਲਈ ਹੈ ਸੀ ਕਰ ਗਿਆ ਵੱਲੋਂ ਇਸ ਉਨ੍ਹਾਂ ਸਿੰਘ ਪਿੰਡ ਸਕੂਲ ਸਰਕਾਰ ਲੋਕਾਂ ਕੰਮ ਦਿੱਤਾ ਕਿਹਾ ਜਗਰਾਉਂ ਕਿ ਦੀ ਨੂੰ ਵਿਚ ਤੇ ਅਤੇ ਨਾਲ ਦੇ ਲਈ ਹੈ ਸੀ ਕਰ ਗਿਆ ਵੱਲੋਂ ਇਸ ਉਨ੍ਹਾਂ ਸਿੰਘ ਪਿੰਡ ਸਕੂਲ ਸਰਕਾਰ ਲੋਕਾਂ ਕੰਮ ਦਿੱਤਾ ਕਿਹਾ ਜਗਰਾਉਂ ਕਿ ਦੀ ਨੂੰ ਵਿਚ ਤੇ ਅਤੇ ਨਾਲ ਦੇ ਲਈ ਹੈ ਸੀ ਕਰ ਗਿਆ ਵੱਲੋਂ ਇਸ ਉਨ੍ਹਾਂ ਸਿੰਘ ਪਿੰਡ ਸਕੂਲ ਸਰਕਾਰ ਲੋਕਾਂ ਕੰਮ ਦਿੱਤਾ ਕਿਹਾ ਜਗਰਾਉਂ
ਕੈਪੀਟਲ ਬੈਂਕ ਲੁੱਕਾਂ ਦੀ ਕਾਵੰਟੀ 'ਤੇ
ਪੂਰਾ ਉੱਤਰਾ-ਮੈਨੇਜਰ ਅਮਿਤ ਕੁਮਾਰ
ਕਿ ਦੀ ਨੂੰ ਵਿਚ ਤੇ ਅਤੇ ਨਾਲ ਦੇ ਲਈ ਹੈ ਸੀ ਕਰ ਗਿਆ ਵੱਲੋਂ ਇਸ ਉਨ੍ਹਾਂ ਸਿੰਘ ਪਿੰਡ ਸਕੂਲ ਸਰਕਾਰ ਲੋਕਾਂ ਕੰਮ ਦਿੱਤਾ ਕਿਹਾ ਜਗਰਾਉਂ ਕਿ ਦੀ ਨੂੰ ਵਿਚ ਤੇ ਅਤੇ ਨਾਲ ਦੇ ਲਈ ਹੈ ਸੀ ਕਰ ਗਿਆ ਵੱਲੋਂ ਇਸ ਉਨ੍ਹਾਂ ਸਿੰਘ ਪਿੰਡ ਸਕੂਲ ਸਰਕਾਰ ਲੋਕਾਂ ਕੰਮ ਦਿੱਤਾ ਕਿਹਾ ਜਗਰਾਉਂ ਕਿ ਦੀ ਨੂੰ ਵਿਚ ਤੇ ਅਤੇ ਨਾਲ ਦੇ ਲਈ ਹੈ ਸੀ ਕਰ ਗਿਆ ਵੱਲੋਂ ਇਸ ਉਨ੍ਹਾਂ ਸਿੰਘ ਪਿੰਡ ਸਕੂਲ ਸਰਕਾਰ ਲੋਕਾਂ ਕੰਮ ਦਿੱਤਾ ਕਿਹਾ ਜਗਰਾਉਂ ਕਿ ਦੀ ਨੂੰ ਵਿਚ ਤੇ ਅਤੇ ਨਾਲ ਦੇ ਲਈ ਹੈ ਸੀ ਕਰ ਗਿਆ ਵੱਲੋਂ ਇਸ ਉਨ੍ਹਾਂ ਸਿੰਘ ਪਿੰਡ ਸਕੂਲ ਸਰਕਾਰ ਲੋਕਾਂ ਕੰਮ ਦਿੱਤਾ ਕਿਹਾ ਜਗਰਾਉਂ ਕਿ ਦੀ ਨੂੰ ਵਿਚ ਤੇ ਅਤੇ ਨਾਲ ਦੇ ਲਈ ਹੈ ਸੀ ਕਰ ਗਿਆ ਵੱਲੋਂ ਇਸ ਉਨ੍ਹਾਂ ਸਿੰਘ ਪਿੰਡ ਸਕੂਲ ਸਰਕਾਰ ਲੋਕਾਂ ਕੰਮ ਦਿੱਤਾ ਕਿਹਾ ਜਗਰਾਉਂ ਕਿ ਦੀ ਨੂੰ ਵਿਚ ਤੇ ਅਤੇ ਨਾਲ ਦੇ ਲਈ ਹੈ ਸੀ ਕਰ ਗਿਆ ਵੱਲੋਂ ਇਸ ਉਨ੍ਹਾਂ ਸਿੰਘ ਪਿੰਡ ਸਕੂਲ ਸਰਕਾਰ ਲੋਕਾਂ ਕੰਮ ਦਿੱਤਾ ਕਿਹਾ ਜਗਰਾਉਂ ਕਿ ਦੀ ਨੂੰ ਵਿਚ ਤੇ ਅਤੇ ਨਾਲ ਦੇ ਲਈ ਹੈ ਸੀ ਕਰ ਗਿਆ ਵੱਲੋਂ ਇਸ ਉਨ੍ਹਾਂ ਸਿੰਘ ਪਿੰਡ ਸਕੂਲ ਸਰਕਾਰ ਲੋਕਾਂ ਕੰਮ ਦਿੱਤਾ ਕਿਹਾ ਜਗਰਾਉਂ ਕਿ ਦੀ ਨੂੰ ਵਿਚ ਤੇ ਅਤੇ ਨਾਲ ਦੇ ਲਈ ਹੈ ਸੀ ਕਰ ਗਿਆ ਵੱਲੋਂ ਇਸ ਉਨ੍ਹਾਂ ਸਿੰਘ ਪਿੰਡ ਸਕੂਲ ਸਰਕਾਰ ਲੋਕਾਂ ਕੰਮ ਦਿੱਤਾ ਕਿਹਾ ਜਗਰਾਉਂ ਕਿ ਦੀ ਨੂੰ ਵਿਚ ਤੇ ਅਤੇ ਨਾਲ ਦੇ ਲਈ ਹੈ ਸੀ ਕਰ ਗਿਆ ਵੱਲੋਂ ਇਸ ਉਨ੍ਹਾਂ ਸਿੰਘ ਪਿੰਡ ਸਕੂਲ ਸਰਕਾਰ ਲੋਕਾਂ ਕੰਮ ਦਿੱਤਾ ਕਿਹਾ ਜਗਰਾਉਂ ਕਿ ਦੀ ਨੂੰ ਵਿਚ ਤੇ ਅਤੇ ਨਾਲ ਦੇ ਲਈ ਹੈ ਸੀ ਕਰ ਗਿਆ ਵੱਲੋਂ ਇਸ ਉਨ੍ਹਾਂ ਸਿੰਘ ਪਿੰਡ ਸਕੂਲ ਸਰਕਾਰ ਲੋਕਾਂ ਕੰਮ ਦਿੱਤਾ ਕਿਹਾ ਜਗਰਾਉਂ
ਬੈਂਕ ਮੈਨੇਜਰ ਸਨਮਾਨ ਕਰਦੇ ਹੋਏ।
ਕਿ ਦੀ ਨੂੰ ਵਿਚ ਤੇ ਅਤੇ ਨਾਲ ਦੇ ਲਈ ਹੈ ਸੀ ਕਰ ਗਿਆ ਵੱਲੋਂ ਇਸ ਉਨ੍ਹਾਂ ਸਿੰਘ ਪਿੰਡ ਸਕੂਲ ਸਰਕਾਰ ਲੋਕਾਂ ਕੰਮ ਦਿੱਤਾ ਕਿਹਾ ਜਗਰਾਉਂ ਕਿ ਦੀ ਨੂੰ ਵਿਚ ਤੇ ਅਤੇ ਨਾਲ ਦੇ ਲਈ ਹੈ ਸੀ ਕਰ ਗਿਆ ਵੱਲੋਂ ਇਸ ਉਨ੍ਹਾਂ ਸਿੰਘ ਪਿੰਡ ਸਕੂਲ ਸਰਕਾਰ ਲੋਕਾਂ ਕੰਮ ਦਿੱਤਾ ਕਿਹਾ ਜਗਰਾਉਂ ਕਿ ਦੀ ਨੂੰ ਵਿਚ ਤੇ ਅਤੇ ਨਾਲ ਦੇ ਲਈ ਹੈ ਸੀ ਕਰ ਗਿਆ ਵੱਲੋਂ ਇਸ ਉਨ੍ਹਾਂ ਸਿੰਘ ਪਿੰਡ ਸਕੂਲ ਸਰਕਾਰ ਲੋਕਾਂ ਕੰਮ ਦਿੱਤਾ ਕਿਹਾ ਜਗਰਾਉਂ ਕਿ ਦੀ ਨੂੰ ਵਿਚ ਤੇ ਅਤੇ ਨਾਲ ਦੇ ਲਈ ਹੈ ਸੀ ਕਰ ਗਿਆ ਵੱਲੋਂ ਇਸ ਉਨ੍ਹਾਂ ਸਿੰਘ ਪਿੰਡ ਸਕੂਲ ਸਰਕਾਰ ਲੋਕਾਂ ਕੰਮ ਦਿੱਤਾ ਕਿਹਾ ਜਗਰਾਉਂ ਕਿ ਦੀ ਨੂੰ ਵਿਚ ਤੇ ਅਤੇ ਨਾਲ ਦੇ ਲਈ ਹੈ ਸੀ ਕਰ ਗਿਆ ਵੱਲੋਂ ਇਸ ਉਨ੍ਹਾਂ ਸਿੰਘ ਪਿੰਡ ਸਕੂਲ ਸਰਕਾਰ ਲੋਕਾਂ ਕੰਮ ਦਿੱਤਾ ਕਿਹਾ ਜਗਰਾਉਂ ਕਿ ਦੀ ਨੂੰ ਵਿਚ ਤੇ ਅਤੇ ਨਾਲ ਦੇ ਲਈ ਹੈ ਸੀ ਕਰ ਗਿਆ ਵੱਲੋਂ ਇਸ ਉਨ੍ਹਾਂ ਸਿੰਘ ਪਿੰਡ ਸਕੂਲ ਸਰਕਾਰ ਲੋਕਾਂ ਕੰਮ ਦਿੱਤਾ ਕਿਹਾ ਜਗਰਾਉਂ ਕਿ ਦੀ ਨੂੰ ਵਿਚ ਤੇ ਅਤੇ ਨਾਲ ਦੇ ਲਈ ਹੈ ਸੀ ਕਰ ਗਿਆ ਵੱਲੋਂ ਇਸ ਉਨ੍ਹਾਂ ਸਿੰਘ ਪਿੰਡ ਸਕੂਲ ਸਰਕਾਰ ਲੋਕਾਂ ਕੰਮ ਦਿੱਤਾ ਕਿਹਾ ਜਗਰਾਉਂ ਕਿ ਦੀ ਨੂੰ ਵਿਚ ਤੇ ਅਤੇ ਨਾਲ ਦੇ ਲਈ ਹੈ ਸੀ ਕਰ ਗਿਆ ਵੱਲੋਂ ਇਸ ਉਨ੍ਹਾਂ ਸਿੰਘ ਪਿੰਡ ਸਕੂਲ ਸਰਕਾਰ ਲੋਕਾਂ ਕੰਮ ਦਿੱਤਾ ਕਿਹਾ ਜਗਰਾਉਂ ਕਿ ਦੀ ਨੂੰ ਵਿਚ ਤੇ ਅਤੇ ਨਾਲ ਦੇ ਲਈ ਹੈ ਸੀ ਕਰ ਗਿਆ ਵੱਲੋਂ ਇਸ ਉਨ੍ਹਾਂ ਸਿੰਘ ਪਿੰਡ ਸਕੂਲ ਸਰਕਾਰ ਲੋਕਾਂ ਕੰਮ ਦਿੱਤਾ ਕਿਹਾ ਜਗਰਾਉਂ ਕਿ ਦੀ ਨੂੰ ਵਿਚ ਤੇ ਅਤੇ ਨਾਲ ਦੇ ਲਈ ਹੈ ਸੀ ਕਰ ਗਿਆ ਵੱਲੋਂ ਇਸ ਉਨ੍ਹਾਂ ਸਿੰਘ ਪਿੰਡ ਸਕੂਲ ਸਰਕਾਰ ਲੋਕਾਂ ਕੰਮ ਦਿੱਤਾ ਕਿਹਾ ਜਗਰਾਉਂ
ਕਿ ਦੀ ਨੂੰ ਵਿਚ ਤੇ ਅਤੇ ਨਾਲ ਦੇ ਲਈ ਹੈ ਸੀ ਕਰ ਗਿਆ ਵੱਲੋਂ ਇਸ ਉਨ੍ਹਾਂ ਸਿੰਘ ਪਿੰਡ ਸਕੂਲ ਸਰਕਾਰ ਲੋਕਾਂ ਕੰਮ ਦਿੱਤਾ ਕਿਹਾ ਜਗਰਾਉਂ ਕਿ ਦੀ ਨੂੰ ਵਿਚ ਤੇ ਅਤੇ ਨਾਲ ਦੇ ਲਈ ਹੈ ਸੀ ਕਰ ਗਿਆ ਵੱਲੋਂ ਇਸ ਉਨ੍ਹਾਂ ਸਿੰਘ ਪਿੰਡ ਸਕੂਲ ਸਰਕਾਰ ਲੋਕਾਂ ਕੰਮ ਦਿੱਤਾ ਕਿਹਾ ਜਗਰਾਉਂ ਕਿ ਦੀ ਨੂੰ ਵਿਚ ਤੇ ਅਤੇ ਨਾਲ ਦੇ ਲਈ ਹੈ ਸੀ ਕਰ ਗਿਆ ਵੱਲੋਂ ਇਸ ਉਨ੍ਹਾਂ ਸਿੰਘ ਪਿੰਡ ਸਕੂਲ ਸਰਕਾਰ ਲੋਕਾਂ ਕੰਮ ਦਿੱਤਾ ਕਿਹਾ ਜਗਰਾਉਂ ਕਿ ਦੀ ਨੂੰ ਵਿਚ ਤੇ ਅਤੇ ਨਾਲ ਦੇ ਲਈ ਹੈ ਸੀ ਕਰ ਗਿਆ ਵੱਲੋਂ ਇਸ ਉਨ੍ਹਾਂ ਸਿੰਘ ਪਿੰਡ ਸਕੂਲ ਸਰਕਾਰ ਲੋਕਾਂ ਕੰਮ ਦਿੱਤਾ ਕਿਹਾ ਜਗਰਾਉਂ ਕਿ ਦੀ ਨੂੰ ਵਿਚ ਤੇ ਅਤੇ ਨਾਲ ਦੇ ਲਈ ਹੈ ਸੀ ਕਰ ਗਿਆ ਵੱਲੋਂ ਇਸ ਉਨ੍ਹਾਂ ਸਿੰਘ ਪਿੰਡ ਸਕੂਲ ਸਰਕਾਰ ਲੋਕਾਂ ਕੰਮ ਦਿੱਤਾ ਕਿਹਾ ਜਗਰਾਉਂ ਕਿ ਦੀ ਨੂੰ ਵਿਚ ਤੇ ਅਤੇ ਨਾਲ ਦੇ ਲਈ ਹੈ ਸੀ ਕਰ ਗਿਆ ਵੱਲੋਂ ਇਸ ਉਨ੍ਹਾਂ ਸਿੰਘ ਪਿੰਡ ਸਕੂਲ ਸਰਕਾਰ ਲੋਕਾਂ ਕੰਮ ਦਿੱਤਾ ਕਿਹਾ ਜਗਰਾਉਂ ਕਿ ਦੀ ਨੂੰ ਵਿਚ ਤੇ ਅਤੇ ਨਾਲ ਦੇ ਲਈ ਹੈ ਸੀ ਕਰ ਗਿਆ ਵੱਲੋਂ ਇਸ ਉਨ੍ਹਾਂ ਸਿੰਘ ਪਿੰਡ ਸਕੂਲ ਸਰਕਾਰ ਲੋਕਾਂ ਕੰਮ ਦਿੱਤਾ ਕਿਹਾ ਜਗਰਾਉਂ ਕਿ ਦੀ ਨੂੰ ਵਿਚ ਤੇ ਅਤੇ ਨਾਲ ਦੇ ਲਈ ਹੈ ਸੀ ਕਰ ਗਿਆ ਵੱਲੋਂ ਇਸ ਉਨ੍ਹਾਂ ਸਿੰਘ ਪਿੰਡ ਸਕੂਲ ਸਰਕਾਰ ਲੋਕਾਂ ਕੰਮ ਦਿੱਤਾ ਕਿਹਾ ਜਗਰਾਉਂ ਕਿ ਦੀ ਨੂੰ ਵਿਚ ਤੇ ਅਤੇ ਨਾਲ ਦੇ ਲਈ ਹੈ ਸੀ ਕਰ ਗਿਆ ਵੱਲੋਂ ਇਸ ਉਨ੍ਹਾਂ ਸਿੰਘ ਪਿੰਡ ਸਕੂਲ ਸਰਕਾਰ ਲੋਕਾਂ ਕੰਮ ਦਿੱਤਾ ਕਿਹਾ ਜਗਰਾਉਂ ਕਿ ਦੀ ਨੂੰ ਵਿਚ ਤੇ ਅਤੇ ਨਾਲ ਦੇ ਲਈ ਹੈ ਸੀ ਕਰ ਗਿਆ ਵੱਲੋਂ ਇਸ ਉਨ੍ਹਾਂ ਸਿੰਘ ਪਿੰਡ ਸਕੂਲ ਸਰਕਾਰ ਲੋਕਾਂ ਕੰਮ ਦਿੱਤਾ ਕਿਹਾ ਜਗਰਾਉਂ
ਸਟਾਫ਼ ਦੀ ਭਾਰੀ ਘਾਟ ਕਾਰਨ ਪੰਜਾਬ
ਬਾਗਬਾਨੀ ਵਿਭਾਗ ਬੰਦ ਦੇ ਕਿਨਾਰੇ
ਵਿਭਾਗ 'ਚ 61 ਫ਼ੀਸਦੀ ਅਸਾਮੀਆਂ ਖ਼ਾਲੀ
ਕਿ ਦੀ ਨੂੰ ਵਿਚ ਤੇ ਅਤੇ ਨਾਲ ਦੇ ਲਈ ਹੈ ਸੀ ਕਰ ਗਿਆ ਵੱਲੋਂ ਇਸ ਉਨ੍ਹਾਂ ਸਿੰਘ ਪਿੰਡ ਸਕੂਲ ਸਰਕਾਰ ਲੋਕਾਂ ਕੰਮ ਦਿੱਤਾ ਕਿਹਾ ਜਗਰਾਉਂ ਕਿ ਦੀ ਨੂੰ ਵਿਚ ਤੇ ਅਤੇ ਨਾਲ ਦੇ ਲਈ ਹੈ ਸੀ ਕਰ ਗਿਆ ਵੱਲੋਂ ਇਸ ਉਨ੍ਹਾਂ ਸਿੰਘ ਪਿੰਡ ਸਕੂਲ ਸਰਕਾਰ ਲੋਕਾਂ ਕੰਮ ਦਿੱਤਾ ਕਿਹਾ ਜਗਰਾਉਂ ਕਿ ਦੀ ਨੂੰ ਵਿਚ ਤੇ ਅਤੇ ਨਾਲ ਦੇ ਲਈ ਹੈ ਸੀ ਕਰ ਗਿਆ ਵੱਲੋਂ ਇਸ ਉਨ੍ਹਾਂ ਸਿੰਘ ਪਿੰਡ ਸਕੂਲ ਸਰਕਾਰ ਲੋਕਾਂ ਕੰਮ ਦਿੱਤਾ ਕਿਹਾ ਜਗਰਾਉਂ ਕਿ ਦੀ ਨੂੰ ਵਿਚ ਤੇ ਅਤੇ ਨਾਲ ਦੇ ਲਈ ਹੈ ਸੀ ਕਰ ਗਿਆ ਵੱਲੋਂ ਇਸ ਉਨ੍ਹਾਂ ਸਿੰਘ ਪਿੰਡ ਸਕੂਲ ਸਰਕਾਰ ਲੋਕਾਂ ਕੰਮ ਦਿੱਤਾ ਕਿਹਾ ਜਗਰਾਉਂ ਕਿ ਦੀ ਨੂੰ ਵਿਚ ਤੇ ਅਤੇ ਨਾਲ ਦੇ ਲਈ ਹੈ ਸੀ ਕਰ ਗਿਆ ਵੱਲੋਂ ਇਸ ਉਨ੍ਹਾਂ ਸਿੰਘ ਪਿੰਡ ਸਕੂਲ ਸਰਕਾਰ ਲੋਕਾਂ ਕੰਮ ਦਿੱਤਾ ਕਿਹਾ ਜਗਰਾਉਂ ਕਿ ਦੀ ਨੂੰ ਵਿਚ ਤੇ ਅਤੇ ਨਾਲ ਦੇ ਲਈ ਹੈ ਸੀ ਕਰ ਗਿਆ ਵੱਲੋਂ ਇਸ ਉਨ੍ਹਾਂ ਸਿੰਘ ਪਿੰਡ ਸਕੂਲ ਸਰਕਾਰ ਲੋਕਾਂ ਕੰਮ ਦਿੱਤਾ ਕਿਹਾ ਜਗਰਾਉਂ ਕਿ ਦੀ ਨੂੰ ਵਿਚ ਤੇ ਅਤੇ ਨਾਲ ਦੇ ਲਈ ਹੈ ਸੀ ਕਰ ਗਿਆ ਵੱਲੋਂ ਇਸ ਉਨ੍ਹਾਂ ਸਿੰਘ ਪਿੰਡ ਸਕੂਲ ਸਰਕਾਰ ਲੋਕਾਂ ਕੰਮ ਦਿੱਤਾ ਕਿਹਾ ਜਗਰਾਉਂ ਕਿ ਦੀ ਨੂੰ ਵਿਚ ਤੇ ਅਤੇ ਨਾਲ ਦੇ ਲਈ ਹੈ ਸੀ ਕਰ ਗਿਆ ਵੱਲੋਂ ਇਸ ਉਨ੍ਹਾਂ ਸਿੰਘ ਪਿੰਡ ਸਕੂਲ ਸਰਕਾਰ ਲੋਕਾਂ ਕੰਮ ਦਿੱਤਾ ਕਿਹਾ ਜਗਰਾਉਂ ਕਿ ਦੀ ਨੂੰ ਵਿਚ ਤੇ ਅਤੇ ਨਾਲ ਦੇ ਲਈ ਹੈ ਸੀ ਕਰ ਗਿਆ ਵੱਲੋਂ ਇਸ ਉਨ੍ਹਾਂ ਸਿੰਘ ਪਿੰਡ ਸਕੂਲ ਸਰਕਾਰ ਲੋਕਾਂ ਕੰਮ ਦਿੱਤਾ ਕਿਹਾ ਜਗਰਾਉਂ ਕਿ ਦੀ ਨੂੰ ਵਿਚ ਤੇ ਅਤੇ ਨਾਲ ਦੇ ਲਈ ਹੈ ਸੀ ਕਰ ਗਿਆ ਵੱਲੋਂ ਇਸ ਉਨ੍ਹਾਂ ਸਿੰਘ ਪਿੰਡ ਸਕੂਲ ਸਰਕਾਰ ਲੋਕਾਂ ਕੰਮ ਦਿੱਤਾ ਕਿਹਾ ਜਗਰਾਉਂ
ਕਿ ਦੀ ਨੂੰ ਵਿਚ ਤੇ ਅਤੇ ਨਾਲ ਦੇ ਲਈ ਹੈ ਸੀ ਕਰ ਗਿਆ ਵੱਲੋਂ ਇਸ ਉਨ੍ਹਾਂ ਸਿੰਘ ਪਿੰਡ ਸਕੂਲ ਸਰਕਾਰ ਲੋਕਾਂ ਕੰਮ ਦਿੱਤਾ ਕਿਹਾ ਜਗਰਾਉਂ ਕਿ ਦੀ ਨੂੰ ਵਿਚ ਤੇ ਅਤੇ ਨਾਲ ਦੇ ਲਈ ਹੈ ਸੀ ਕਰ ਗਿਆ ਵੱਲੋਂ ਇਸ ਉਨ੍ਹਾਂ ਸਿੰਘ ਪਿੰਡ ਸਕੂਲ ਸਰਕਾਰ ਲੋਕਾਂ ਕੰਮ ਦਿੱਤਾ ਕਿਹਾ ਜਗਰਾਉਂ ਕਿ ਦੀ ਨੂੰ ਵਿਚ ਤੇ ਅਤੇ ਨਾਲ ਦੇ ਲਈ ਹੈ ਸੀ ਕਰ ਗਿਆ ਵੱਲੋਂ ਇਸ ਉਨ੍ਹਾਂ ਸਿੰਘ ਪਿੰਡ ਸਕੂਲ ਸਰਕਾਰ ਲੋਕਾਂ ਕੰਮ ਦਿੱਤਾ ਕਿਹਾ ਜਗਰਾਉਂ ਕਿ ਦੀ ਨੂੰ ਵਿਚ ਤੇ ਅਤੇ ਨਾਲ ਦੇ ਲਈ ਹੈ ਸੀ ਕਰ ਗਿਆ ਵੱਲੋਂ ਇਸ ਉਨ੍ਹਾਂ ਸਿੰਘ ਪਿੰਡ ਸਕੂਲ ਸਰਕਾਰ ਲੋਕਾਂ ਕੰਮ ਦਿੱਤਾ ਕਿਹਾ ਜਗਰਾਉਂ ਕਿ ਦੀ ਨੂੰ ਵਿਚ ਤੇ ਅਤੇ ਨਾਲ ਦੇ ਲਈ ਹੈ ਸੀ ਕਰ ਗਿਆ ਵੱਲੋਂ ਇਸ ਉਨ੍ਹਾਂ ਸਿੰਘ ਪਿੰਡ ਸਕੂਲ ਸਰਕਾਰ ਲੋਕਾਂ ਕੰਮ ਦਿੱਤਾ ਕਿਹਾ ਜਗਰਾਉਂ ਕਿ ਦੀ ਨੂੰ ਵਿਚ ਤੇ ਅਤੇ ਨਾਲ ਦੇ ਲਈ ਹੈ ਸੀ ਕਰ ਗਿਆ ਵੱਲੋਂ ਇਸ ਉਨ੍ਹਾਂ ਸਿੰਘ ਪਿੰਡ ਸਕੂਲ ਸਰਕਾਰ ਲੋਕਾਂ ਕੰਮ ਦਿੱਤਾ ਕਿਹਾ ਜਗਰਾਉਂ ਕਿ ਦੀ ਨੂੰ ਵਿਚ ਤੇ ਅਤੇ ਨਾਲ ਦੇ ਲਈ ਹੈ ਸੀ ਕਰ ਗਿਆ ਵੱਲੋਂ ਇਸ ਉਨ੍ਹਾਂ ਸਿੰਘ ਪਿੰਡ ਸਕੂਲ ਸਰਕਾਰ ਲੋਕਾਂ ਕੰਮ ਦਿੱਤਾ ਕਿਹਾ ਜਗਰਾਉਂ ਕਿ ਦੀ ਨੂੰ ਵਿਚ ਤੇ ਅਤੇ ਨਾਲ ਦੇ ਲਈ ਹੈ ਸੀ ਕਰ ਗਿਆ ਵੱਲੋਂ ਇਸ ਉਨ੍ਹਾਂ ਸਿੰਘ ਪਿੰਡ ਸਕੂਲ ਸਰਕਾਰ ਲੋਕਾਂ ਕੰਮ ਦਿੱਤਾ ਕਿਹਾ ਜਗਰਾਉਂ ਕਿ ਦੀ ਨੂੰ ਵਿਚ ਤੇ ਅਤੇ ਨਾਲ ਦੇ ਲਈ ਹੈ ਸੀ ਕਰ ਗਿਆ ਵੱਲੋਂ ਇਸ ਉਨ੍ਹਾਂ ਸਿੰਘ ਪਿੰਡ ਸਕੂਲ ਸਰਕਾਰ ਲੋਕਾਂ ਕੰਮ ਦਿੱਤਾ ਕਿਹਾ ਜਗਰਾਉਂ ਕਿ ਦੀ ਨੂੰ ਵਿਚ ਤੇ ਅਤੇ ਨਾਲ ਦੇ ਲਈ ਹੈ ਸੀ ਕਰ ਗਿਆ ਵੱਲੋਂ ਇਸ ਉਨ੍ਹਾਂ ਸਿੰਘ ਪਿੰਡ ਸਕੂਲ ਸਰਕਾਰ ਲੋਕਾਂ ਕੰਮ ਦਿੱਤਾ ਕਿਹਾ ਜਗਰਾਉਂ
ਕਿ ਦੀ ਨੂੰ ਵਿਚ ਤੇ ਅਤੇ ਨਾਲ ਦੇ ਲਈ ਹੈ ਸੀ ਕਰ ਗਿਆ ਵੱਲੋਂ ਇਸ ਉਨ੍ਹਾਂ ਸਿੰਘ ਪਿੰਡ ਸਕੂਲ ਸਰਕਾਰ ਲੋਕਾਂ ਕੰਮ ਦਿੱਤਾ ਕਿਹਾ ਜਗਰਾਉਂ ਕਿ ਦੀ ਨੂੰ ਵਿਚ ਤੇ ਅਤੇ ਨਾਲ ਦੇ ਲਈ ਹੈ ਸੀ ਕਰ ਗਿਆ ਵੱਲੋਂ ਇਸ ਉਨ੍ਹਾਂ ਸਿੰਘ ਪਿੰਡ ਸਕੂਲ ਸਰਕਾਰ ਲੋਕਾਂ ਕੰਮ ਦਿੱਤਾ ਕਿਹਾ ਜਗਰਾਉਂ ਕਿ ਦੀ ਨੂੰ ਵਿਚ ਤੇ ਅਤੇ ਨਾਲ ਦੇ ਲਈ ਹੈ ਸੀ ਕਰ ਗਿਆ ਵੱਲੋਂ ਇਸ ਉਨ੍ਹਾਂ ਸਿੰਘ ਪਿੰਡ ਸਕੂਲ ਸਰਕਾਰ ਲੋਕਾਂ ਕੰਮ ਦਿੱਤਾ ਕਿਹਾ ਜਗਰਾਉਂ ਕਿ ਦੀ ਨੂੰ ਵਿਚ ਤੇ ਅਤੇ ਨਾਲ ਦੇ ਲਈ ਹੈ ਸੀ ਕਰ ਗਿਆ ਵੱਲੋਂ ਇਸ ਉਨ੍ਹਾਂ ਸਿੰਘ ਪਿੰਡ ਸਕੂਲ ਸਰਕਾਰ ਲੋਕਾਂ ਕੰਮ ਦਿੱਤਾ ਕਿਹਾ ਜਗਰਾਉਂ ਕਿ ਦੀ ਨੂੰ ਵਿਚ ਤੇ ਅਤੇ ਨਾਲ ਦੇ ਲਈ ਹੈ ਸੀ ਕਰ ਗਿਆ ਵੱਲੋਂ ਇਸ ਉਨ੍ਹਾਂ ਸਿੰਘ ਪਿੰਡ ਸਕੂਲ ਸਰਕਾਰ ਲੋਕਾਂ ਕੰਮ ਦਿੱਤਾ ਕਿਹਾ ਜਗਰਾਉਂ ਕਿ ਦੀ ਨੂੰ ਵਿਚ ਤੇ ਅਤੇ ਨਾਲ ਦੇ ਲਈ ਹੈ ਸੀ ਕਰ ਗਿਆ ਵੱਲੋਂ ਇਸ ਉਨ੍ਹਾਂ ਸਿੰਘ ਪਿੰਡ ਸਕੂਲ ਸਰਕਾਰ ਲੋਕਾਂ ਕੰਮ ਦਿੱਤਾ ਕਿਹਾ ਜਗਰਾਉਂ ਕਿ ਦੀ ਨੂੰ ਵਿਚ ਤੇ ਅਤੇ ਨਾਲ ਦੇ ਲਈ ਹੈ ਸੀ ਕਰ ਗਿਆ ਵੱਲੋਂ ਇਸ ਉਨ੍ਹਾਂ ਸਿੰਘ ਪਿੰਡ ਸਕੂਲ ਸਰਕਾਰ ਲੋਕਾਂ ਕੰਮ ਦਿੱਤਾ ਕਿਹਾ ਜਗਰਾਉਂ ਕਿ ਦੀ ਨੂੰ ਵਿਚ ਤੇ ਅਤੇ ਨਾਲ ਦੇ ਲਈ ਹੈ ਸੀ ਕਰ ਗਿਆ ਵੱਲੋਂ ਇਸ ਉਨ੍ਹਾਂ ਸਿੰਘ ਪਿੰਡ ਸਕੂਲ ਸਰਕਾਰ ਲੋਕਾਂ ਕੰਮ ਦਿੱਤਾ ਕਿਹਾ ਜਗਰਾਉਂ ਕਿ ਦੀ ਨੂੰ ਵਿਚ ਤੇ ਅਤੇ ਨਾਲ ਦੇ ਲਈ ਹੈ ਸੀ ਕਰ ਗਿਆ ਵੱਲੋਂ ਇਸ ਉਨ੍ਹਾਂ ਸਿੰਘ ਪਿੰਡ ਸਕੂਲ ਸਰਕਾਰ ਲੋਕਾਂ ਕੰਮ ਦਿੱਤਾ ਕਿਹਾ ਜਗਰਾਉਂ ਕਿ ਦੀ ਨੂੰ ਵਿਚ ਤੇ ਅਤੇ ਨਾਲ ਦੇ ਲਈ ਹੈ ਸੀ ਕਰ ਗਿਆ ਵੱਲੋਂ ਇਸ ਉਨ੍ਹਾਂ ਸਿੰਘ ਪਿੰਡ ਸਕੂਲ ਸਰਕਾਰ ਲੋਕਾਂ ਕੰਮ ਦਿੱਤਾ ਕਿਹਾ ਜਗਰਾਉਂ
ਪੰਜਾਬ ਸਰਕਾਰ
ਸਿੱਖਿਆ ਵਿਭਾਗ

ਕਿ ਦੀ ਨੂੰ ਵਿਚ ਤੇ ਅਤੇ ਨਾਲ ਦੇ ਲਈ ਹੈ ਸੀ ਕਰ ਗਿਆ ਵੱਲੋਂ ਇਸ ਉਨ੍ਹਾਂ ਸਿੰਘ ਪਿੰਡ ਸਕੂਲ ਸਰਕਾਰ ਲੋਕਾਂ ਕੰਮ ਦਿੱਤਾ ਕਿਹਾ ਜਗਰਾਉਂ ਕਿ ਦੀ ਨੂੰ ਵਿਚ ਤੇ ਅਤੇ ਨਾਲ ਦੇ ਲਈ ਹੈ ਸੀ ਕਰ ਗਿਆ ਵੱਲੋਂ ਇਸ ਉਨ੍ਹਾਂ ਸਿੰਘ ਪਿੰਡ ਸਕੂਲ ਸਰਕਾਰ ਲੋਕਾਂ ਕੰਮ ਦਿੱਤਾ ਕਿਹਾ ਜਗਰਾਉਂ ਕਿ ਦੀ ਨੂੰ ਵਿਚ ਤੇ ਅਤੇ ਨਾਲ ਦੇ ਲਈ ਹੈ ਸੀ ਕਰ ਗਿਆ ਵੱਲੋਂ ਇਸ ਉਨ੍ਹਾਂ ਸਿੰਘ ਪਿੰਡ ਸਕੂਲ ਸਰਕਾਰ ਲੋਕਾਂ ਕੰਮ ਦਿੱਤਾ ਕਿਹਾ ਜਗਰਾਉਂ ਕਿ ਦੀ ਨੂੰ ਵਿਚ ਤੇ ਅਤੇ ਨਾਲ ਦੇ ਲਈ ਹੈ ਸੀ ਕਰ ਗਿਆ ਵੱਲੋਂ ਇਸ ਉਨ੍ਹਾਂ ਸਿੰਘ ਪਿੰਡ ਸਕੂਲ ਸਰਕਾਰ ਲੋਕਾਂ ਕੰਮ ਦਿੱਤਾ ਕਿਹਾ ਜਗਰਾਉਂ ਕਿ ਦੀ ਨੂੰ ਵਿਚ ਤੇ ਅਤੇ ਨਾਲ ਦੇ ਲਈ ਹੈ ਸੀ ਕਰ ਗਿਆ ਵੱਲੋਂ ਇਸ ਉਨ੍ਹਾਂ ਸਿੰਘ ਪਿੰਡ ਸਕੂਲ ਸਰਕਾਰ ਲੋਕਾਂ ਕੰਮ ਦਿੱਤਾ ਕਿਹਾ ਜਗਰਾਉਂ ਕਿ ਦੀ ਨੂੰ ਵਿਚ ਤੇ ਅਤੇ ਨਾਲ ਦੇ ਲਈ ਹੈ ਸੀ ਕਰ ਗਿਆ ਵੱਲੋਂ ਇਸ ਉਨ੍ਹਾਂ ਸਿੰਘ ਪਿੰਡ ਸਕੂਲ ਸਰਕਾਰ ਲੋਕਾਂ ਕੰਮ ਦਿੱਤਾ ਕਿਹਾ ਜਗਰਾਉਂ ਕਿ ਦੀ ਨੂੰ ਵਿਚ ਤੇ ਅਤੇ ਨਾਲ ਦੇ ਲਈ ਹੈ ਸੀ ਕਰ ਗਿਆ ਵੱਲੋਂ ਇਸ ਉਨ੍ਹਾਂ ਸਿੰਘ ਪਿੰਡ ਸਕੂਲ ਸਰਕਾਰ ਲੋਕਾਂ ਕੰਮ ਦਿੱਤਾ ਕਿਹਾ ਜਗਰਾਉਂ ਕਿ ਦੀ ਨੂੰ ਵਿਚ ਤੇ ਅਤੇ ਨਾਲ ਦੇ ਲਈ ਹੈ ਸੀ ਕਰ ਗਿਆ ਵੱਲੋਂ ਇਸ ਉਨ੍ਹਾਂ ਸਿੰਘ ਪਿੰਡ ਸਕੂਲ ਸਰਕਾਰ ਲੋਕਾਂ ਕੰਮ ਦਿੱਤਾ ਕਿਹਾ ਜਗਰਾਉਂ ਕਿ ਦੀ ਨੂੰ ਵਿਚ ਤੇ ਅਤੇ ਨਾਲ ਦੇ ਲਈ ਹੈ ਸੀ ਕਰ ਗਿਆ ਵੱਲੋਂ ਇਸ ਉਨ੍ਹਾਂ ਸਿੰਘ ਪਿੰਡ ਸਕੂਲ ਸਰਕਾਰ ਲੋਕਾਂ ਕੰਮ ਦਿੱਤਾ ਕਿਹਾ ਜਗਰਾਉਂ ਕਿ ਦੀ ਨੂੰ ਵਿਚ ਤੇ ਅਤੇ ਨਾਲ ਦੇ ਲਈ ਹੈ ਸੀ ਕਰ ਗਿਆ ਵੱਲੋਂ ਇਸ ਉਨ੍ਹਾਂ ਸਿੰਘ ਪਿੰਡ ਸਕੂਲ ਸਰਕਾਰ ਲੋਕਾਂ ਕੰਮ ਦਿੱਤਾ ਕਿਹਾ ਜਗਰਾਉਂ
PR-Advt. No. 7167/12/2025-26/910
ਪੰਜਾਬ ਸਰਕਾਰ
ਗੰਨਾ ਸ਼ਾਖ਼ਾ ਦਫ਼ਤਰ, ਪੰਜਾਬ ਖੇਤੀ ਯੂਨੀਵਰਸਿਟੀ
ਕਿ ਦੀ ਨੂੰ ਵਿਚ ਤੇ ਅਤੇ ਨਾਲ ਦੇ ਲਈ ਹੈ ਸੀ ਕਰ ਗਿਆ ਵੱਲੋਂ ਇਸ ਉਨ੍ਹਾਂ ਸਿੰਘ ਪਿੰਡ ਸਕੂਲ ਸਰਕਾਰ ਲੋਕਾਂ ਕੰਮ ਦਿੱਤਾ ਕਿਹਾ ਜਗਰਾਉਂ ਕਿ ਦੀ ਨੂੰ ਵਿਚ ਤੇ ਅਤੇ ਨਾਲ ਦੇ ਲਈ ਹੈ ਸੀ ਕਰ ਗਿਆ ਵੱਲੋਂ ਇਸ ਉਨ੍ਹਾਂ ਸਿੰਘ ਪਿੰਡ ਸਕੂਲ ਸਰਕਾਰ ਲੋਕਾਂ ਕੰਮ ਦਿੱਤਾ ਕਿਹਾ ਜਗਰਾਉਂ ਕਿ ਦੀ ਨੂੰ ਵਿਚ ਤੇ ਅਤੇ ਨਾਲ ਦੇ ਲਈ ਹੈ ਸੀ ਕਰ ਗਿਆ ਵੱਲੋਂ ਇਸ ਉਨ੍ਹਾਂ ਸਿੰਘ ਪਿੰਡ ਸਕੂਲ ਸਰਕਾਰ ਲੋਕਾਂ ਕੰਮ ਦਿੱਤਾ ਕਿਹਾ ਜਗਰਾਉਂ ਕਿ ਦੀ ਨੂੰ ਵਿਚ ਤੇ ਅਤੇ ਨਾਲ ਦੇ ਲਈ ਹੈ ਸੀ ਕਰ ਗਿਆ ਵੱਲੋਂ ਇਸ ਉਨ੍ਹਾਂ ਸਿੰਘ ਪਿੰਡ ਸਕੂਲ ਸਰਕਾਰ ਲੋਕਾਂ ਕੰਮ ਦਿੱਤਾ ਕਿਹਾ ਜਗਰਾਉਂ ਕਿ ਦੀ ਨੂੰ ਵਿਚ ਤੇ ਅਤੇ ਨਾਲ ਦੇ ਲਈ ਹੈ ਸੀ ਕਰ ਗਿਆ ਵੱਲੋਂ ਇਸ ਉਨ੍ਹਾਂ ਸਿੰਘ ਪਿੰਡ ਸਕੂਲ ਸਰਕਾਰ ਲੋਕਾਂ ਕੰਮ ਦਿੱਤਾ ਕਿਹਾ ਜਗਰਾਉਂ ਕਿ ਦੀ ਨੂੰ ਵਿਚ ਤੇ ਅਤੇ ਨਾਲ ਦੇ ਲਈ ਹੈ ਸੀ ਕਰ ਗਿਆ ਵੱਲੋਂ ਇਸ ਉਨ੍ਹਾਂ ਸਿੰਘ ਪਿੰਡ ਸਕੂਲ ਸਰਕਾਰ ਲੋਕਾਂ ਕੰਮ ਦਿੱਤਾ ਕਿਹਾ ਜਗਰਾਉਂ ਕਿ ਦੀ ਨੂੰ ਵਿਚ ਤੇ ਅਤੇ ਨਾਲ ਦੇ ਲਈ ਹੈ ਸੀ ਕਰ ਗਿਆ ਵੱਲੋਂ ਇਸ ਉਨ੍ਹਾਂ ਸਿੰਘ ਪਿੰਡ ਸਕੂਲ ਸਰਕਾਰ ਲੋਕਾਂ ਕੰਮ ਦਿੱਤਾ ਕਿਹਾ ਜਗਰਾਉਂ ਕਿ ਦੀ ਨੂੰ ਵਿਚ ਤੇ ਅਤੇ ਨਾਲ ਦੇ ਲਈ ਹੈ ਸੀ ਕਰ ਗਿਆ ਵੱਲੋਂ ਇਸ ਉਨ੍ਹਾਂ ਸਿੰਘ ਪਿੰਡ ਸਕੂਲ ਸਰਕਾਰ ਲੋਕਾਂ ਕੰਮ ਦਿੱਤਾ ਕਿਹਾ ਜਗਰਾਉਂ ਕਿ ਦੀ ਨੂੰ ਵਿਚ ਤੇ ਅਤੇ ਨਾਲ ਦੇ ਲਈ ਹੈ ਸੀ ਕਰ ਗਿਆ ਵੱਲੋਂ ਇਸ ਉਨ੍ਹਾਂ ਸਿੰਘ ਪਿੰਡ ਸਕੂਲ ਸਰਕਾਰ ਲੋਕਾਂ ਕੰਮ ਦਿੱਤਾ ਕਿਹਾ ਜਗਰਾਉਂ ਕਿ ਦੀ ਨੂੰ ਵਿਚ ਤੇ ਅਤੇ ਨਾਲ ਦੇ ਲਈ ਹੈ ਸੀ ਕਰ ਗਿਆ ਵੱਲੋਂ ਇਸ ਉਨ੍ਹਾਂ ਸਿੰਘ ਪਿੰਡ ਸਕੂਲ ਸਰਕਾਰ ਲੋਕਾਂ ਕੰਮ ਦਿੱਤਾ ਕਿਹਾ ਜਗਰਾਉਂ
ਕਿ ਦੀ ਨੂੰ ਵਿਚ ਤੇ ਅਤੇ ਨਾਲ ਦੇ ਲਈ ਹੈ ਸੀ ਕਰ ਗਿਆ ਵੱਲੋਂ ਇਸ ਉਨ੍ਹਾਂ ਸਿੰਘ ਪਿੰਡ ਸਕੂਲ ਸਰਕਾਰ ਲੋਕਾਂ ਕੰਮ ਦਿੱਤਾ ਕਿਹਾ ਜਗਰਾਉਂ ਕਿ ਦੀ ਨੂੰ ਵਿਚ ਤੇ ਅਤੇ ਨਾਲ ਦੇ ਲਈ ਹੈ ਸੀ ਕਰ ਗਿਆ ਵੱਲੋਂ ਇਸ ਉਨ੍ਹਾਂ ਸਿੰਘ ਪਿੰਡ ਸਕੂਲ ਸਰਕਾਰ ਲੋਕਾਂ ਕੰਮ ਦਿੱਤਾ ਕਿਹਾ ਜਗਰਾਉਂ ਕਿ ਦੀ ਨੂੰ ਵਿਚ ਤੇ ਅਤੇ ਨਾਲ ਦੇ ਲਈ ਹੈ ਸੀ ਕਰ ਗਿਆ ਵੱਲੋਂ ਇਸ ਉਨ੍ਹਾਂ ਸਿੰਘ ਪਿੰਡ ਸਕੂਲ ਸਰਕਾਰ ਲੋਕਾਂ ਕੰਮ ਦਿੱਤਾ ਕਿਹਾ ਜਗਰਾਉਂ ਕਿ ਦੀ ਨੂੰ ਵਿਚ ਤੇ ਅਤੇ ਨਾਲ ਦੇ ਲਈ ਹੈ ਸੀ ਕਰ ਗਿਆ ਵੱਲੋਂ ਇਸ ਉਨ੍ਹਾਂ ਸਿੰਘ ਪਿੰਡ ਸਕੂਲ ਸਰਕਾਰ ਲੋਕਾਂ ਕੰਮ ਦਿੱਤਾ ਕਿਹਾ ਜਗਰਾਉਂ ਕਿ ਦੀ ਨੂੰ ਵਿਚ ਤੇ ਅਤੇ ਨਾਲ ਦੇ ਲਈ ਹੈ ਸੀ ਕਰ ਗਿਆ ਵੱਲੋਂ ਇਸ ਉਨ੍ਹਾਂ ਸਿੰਘ ਪਿੰਡ ਸਕੂਲ ਸਰਕਾਰ ਲੋਕਾਂ ਕੰਮ ਦਿੱਤਾ ਕਿਹਾ ਜਗਰਾਉਂ ਕਿ ਦੀ ਨੂੰ ਵਿਚ ਤੇ ਅਤੇ ਨਾਲ ਦੇ ਲਈ ਹੈ ਸੀ ਕਰ ਗਿਆ ਵੱਲੋਂ ਇਸ ਉਨ੍ਹਾਂ ਸਿੰਘ ਪਿੰਡ ਸਕੂਲ ਸਰਕਾਰ ਲੋਕਾਂ ਕੰਮ ਦਿੱਤਾ ਕਿਹਾ ਜਗਰਾਉਂ ਕਿ ਦੀ ਨੂੰ ਵਿਚ ਤੇ ਅਤੇ ਨਾਲ ਦੇ ਲਈ ਹੈ ਸੀ ਕਰ ਗਿਆ ਵੱਲੋਂ ਇਸ ਉਨ੍ਹਾਂ ਸਿੰਘ ਪਿੰਡ ਸਕੂਲ ਸਰਕਾਰ ਲੋਕਾਂ ਕੰਮ ਦਿੱਤਾ ਕਿਹਾ ਜਗਰਾਉਂ ਕਿ ਦੀ ਨੂੰ ਵਿਚ ਤੇ ਅਤੇ ਨਾਲ ਦੇ ਲਈ ਹੈ ਸੀ ਕਰ ਗਿਆ ਵੱਲੋਂ ਇਸ ਉਨ੍ਹਾਂ ਸਿੰਘ ਪਿੰਡ ਸਕੂਲ ਸਰਕਾਰ ਲੋਕਾਂ ਕੰਮ ਦਿੱਤਾ ਕਿਹਾ ਜਗਰਾਉਂ ਕਿ ਦੀ ਨੂੰ ਵਿਚ ਤੇ ਅਤੇ ਨਾਲ ਦੇ ਲਈ ਹੈ ਸੀ ਕਰ ਗਿਆ ਵੱਲੋਂ ਇਸ ਉਨ੍ਹਾਂ ਸਿੰਘ ਪਿੰਡ ਸਕੂਲ ਸਰਕਾਰ ਲੋਕਾਂ ਕੰਮ ਦਿੱਤਾ ਕਿਹਾ ਜਗਰਾਉਂ ਕਿ ਦੀ ਨੂੰ ਵਿਚ ਤੇ ਅਤੇ ਨਾਲ ਦੇ ਲਈ ਹੈ ਸੀ ਕਰ ਗਿਆ ਵੱਲੋਂ ਇਸ ਉਨ੍ਹਾਂ ਸਿੰਘ ਪਿੰਡ ਸਕੂਲ ਸਰਕਾਰ ਲੋਕਾਂ ਕੰਮ ਦਿੱਤਾ ਕਿਹਾ ਜਗਰਾਉਂ
PR-Advt. No. 1716/12/2025-26/914
ਕਿ ਦੀ ਨੂੰ ਵਿਚ ਤੇ ਅਤੇ ਨਾਲ ਦੇ ਲਈ ਹੈ ਸੀ ਕਰ ਗਿਆ ਵੱਲੋਂ ਇਸ ਉਨ੍ਹਾਂ ਸਿੰਘ ਪਿੰਡ ਸਕੂਲ ਸਰਕਾਰ ਲੋਕਾਂ ਕੰਮ ਦਿੱਤਾ ਕਿਹਾ ਜਗਰਾਉਂ ਕਿ ਦੀ ਨੂੰ ਵਿਚ ਤੇ ਅਤੇ ਨਾਲ ਦੇ ਲਈ ਹੈ ਸੀ ਕਰ ਗਿਆ ਵੱਲੋਂ ਇਸ ਉਨ੍ਹਾਂ ਸਿੰਘ ਪਿੰਡ ਸਕੂਲ ਸਰਕਾਰ ਲੋਕਾਂ ਕੰਮ ਦਿੱਤਾ ਕਿਹਾ ਜਗਰਾਉਂ ਕਿ ਦੀ ਨੂੰ ਵਿਚ ਤੇ ਅਤੇ ਨਾਲ ਦੇ ਲਈ ਹੈ ਸੀ ਕਰ ਗਿਆ ਵੱਲੋਂ ਇਸ ਉਨ੍ਹਾਂ ਸਿੰਘ ਪਿੰਡ ਸਕੂਲ ਸਰਕਾਰ ਲੋਕਾਂ ਕੰਮ ਦਿੱਤਾ ਕਿਹਾ ਜਗਰਾਉਂ ਕਿ ਦੀ ਨੂੰ ਵਿਚ ਤੇ ਅਤੇ ਨਾਲ ਦੇ ਲਈ ਹੈ ਸੀ ਕਰ ਗਿਆ ਵੱਲੋਂ ਇਸ ਉਨ੍ਹਾਂ ਸਿੰਘ ਪਿੰਡ ਸਕੂਲ ਸਰਕਾਰ ਲੋਕਾਂ ਕੰਮ ਦਿੱਤਾ ਕਿਹਾ ਜਗਰਾਉਂ ਕਿ ਦੀ ਨੂੰ ਵਿਚ ਤੇ ਅਤੇ ਨਾਲ ਦੇ ਲਈ ਹੈ ਸੀ ਕਰ ਗਿਆ ਵੱਲੋਂ ਇਸ ਉਨ੍ਹਾਂ ਸਿੰਘ ਪਿੰਡ ਸਕੂਲ ਸਰਕਾਰ ਲੋਕਾਂ ਕੰਮ ਦਿੱਤਾ ਕਿਹਾ ਜਗਰਾਉਂ ਕਿ ਦੀ ਨੂੰ ਵਿਚ ਤੇ ਅਤੇ ਨਾਲ ਦੇ ਲਈ ਹੈ ਸੀ ਕਰ ਗਿਆ ਵੱਲੋਂ ਇਸ ਉਨ੍ਹਾਂ ਸਿੰਘ ਪਿੰਡ ਸਕੂਲ ਸਰਕਾਰ ਲੋਕਾਂ ਕੰਮ ਦਿੱਤਾ ਕਿਹਾ ਜਗਰਾਉਂ ਕਿ ਦੀ ਨੂੰ ਵਿਚ ਤੇ ਅਤੇ ਨਾਲ ਦੇ ਲਈ ਹੈ ਸੀ ਕਰ ਗਿਆ ਵੱਲੋਂ ਇਸ ਉਨ੍ਹਾਂ ਸਿੰਘ ਪਿੰਡ ਸਕੂਲ ਸਰਕਾਰ ਲੋਕਾਂ ਕੰਮ ਦਿੱਤਾ ਕਿਹਾ ਜਗਰਾਉਂ ਕਿ ਦੀ ਨੂੰ ਵਿਚ ਤੇ ਅਤੇ ਨਾਲ ਦੇ ਲਈ ਹੈ ਸੀ ਕਰ ਗਿਆ ਵੱਲੋਂ ਇਸ ਉਨ੍ਹਾਂ ਸਿੰਘ ਪਿੰਡ ਸਕੂਲ ਸਰਕਾਰ ਲੋਕਾਂ ਕੰਮ ਦਿੱਤਾ ਕਿਹਾ ਜਗਰਾਉਂ ਕਿ ਦੀ ਨੂੰ ਵਿਚ ਤੇ ਅਤੇ ਨਾਲ ਦੇ ਲਈ ਹੈ ਸੀ ਕਰ ਗਿਆ ਵੱਲੋਂ ਇਸ ਉਨ੍ਹਾਂ ਸਿੰਘ ਪਿੰਡ ਸਕੂਲ ਸਰਕਾਰ ਲੋਕਾਂ ਕੰਮ ਦਿੱਤਾ ਕਿਹਾ ਜਗਰਾਉਂ ਕਿ ਦੀ ਨੂੰ ਵਿਚ ਤੇ ਅਤੇ ਨਾਲ ਦੇ ਲਈ ਹੈ ਸੀ ਕਰ ਗਿਆ ਵੱਲੋਂ ਇਸ ਉਨ੍ਹਾਂ ਸਿੰਘ ਪਿੰਡ ਸਕੂਲ ਸਰਕਾਰ ਲੋਕਾਂ ਕੰਮ ਦਿੱਤਾ ਕਿਹਾ ਜਗਰਾਉਂ
ਕਿ ਦੀ ਨੂੰ ਵਿਚ ਤੇ ਅਤੇ ਨਾਲ ਦੇ ਲਈ ਹੈ ਸੀ ਕਰ ਗਿਆ ਵੱਲੋਂ ਇਸ ਉਨ੍ਹਾਂ ਸਿੰਘ ਪਿੰਡ ਸਕੂਲ ਸਰਕਾਰ ਲੋਕਾਂ ਕੰਮ ਦਿੱਤਾ ਕਿਹਾ ਜਗਰਾਉਂ ਕਿ ਦੀ ਨੂੰ ਵਿਚ ਤੇ ਅਤੇ ਨਾਲ ਦੇ ਲਈ ਹੈ ਸੀ ਕਰ ਗਿਆ ਵੱਲੋਂ ਇਸ ਉਨ੍ਹਾਂ ਸਿੰਘ ਪਿੰਡ ਸਕੂਲ ਸਰਕਾਰ ਲੋਕਾਂ ਕੰਮ ਦਿੱਤਾ ਕਿਹਾ ਜਗਰਾਉਂ ਕਿ ਦੀ ਨੂੰ ਵਿਚ ਤੇ ਅਤੇ ਨਾਲ ਦੇ ਲਈ ਹੈ ਸੀ ਕਰ ਗਿਆ ਵੱਲੋਂ ਇਸ ਉਨ੍ਹਾਂ ਸਿੰਘ ਪਿੰਡ ਸਕੂਲ ਸਰਕਾਰ ਲੋਕਾਂ ਕੰਮ ਦਿੱਤਾ ਕਿਹਾ ਜਗਰਾਉਂ ਕਿ ਦੀ ਨੂੰ ਵਿਚ ਤੇ ਅਤੇ ਨਾਲ ਦੇ ਲਈ ਹੈ ਸੀ ਕਰ ਗਿਆ ਵੱਲੋਂ ਇਸ ਉਨ੍ਹਾਂ ਸਿੰਘ ਪਿੰਡ ਸਕੂਲ ਸਰਕਾਰ ਲੋਕਾਂ ਕੰਮ ਦਿੱਤਾ ਕਿਹਾ ਜਗਰਾਉਂ ਕਿ ਦੀ ਨੂੰ ਵਿਚ ਤੇ ਅਤੇ ਨਾਲ ਦੇ ਲਈ ਹੈ ਸੀ ਕਰ ਗਿਆ ਵੱਲੋਂ ਇਸ ਉਨ੍ਹਾਂ ਸਿੰਘ ਪਿੰਡ ਸਕੂਲ ਸਰਕਾਰ ਲੋਕਾਂ ਕੰਮ ਦਿੱਤਾ ਕਿਹਾ ਜਗਰਾਉਂ ਕਿ ਦੀ ਨੂੰ ਵਿਚ ਤੇ ਅਤੇ ਨਾਲ ਦੇ ਲਈ ਹੈ ਸੀ ਕਰ ਗਿਆ ਵੱਲੋਂ ਇਸ ਉਨ੍ਹਾਂ ਸਿੰਘ ਪਿੰਡ ਸਕੂਲ ਸਰਕਾਰ ਲੋਕਾਂ ਕੰਮ ਦਿੱਤਾ ਕਿਹਾ ਜਗਰਾਉਂ ਕਿ ਦੀ ਨੂੰ ਵਿਚ ਤੇ ਅਤੇ ਨਾਲ ਦੇ ਲਈ ਹੈ ਸੀ ਕਰ ਗਿਆ ਵੱਲੋਂ ਇਸ ਉਨ੍ਹਾਂ ਸਿੰਘ ਪਿੰਡ ਸਕੂਲ ਸਰਕਾਰ ਲੋਕਾਂ ਕੰਮ ਦਿੱਤਾ ਕਿਹਾ ਜਗਰਾਉਂ ਕਿ ਦੀ ਨੂੰ ਵਿਚ ਤੇ ਅਤੇ ਨਾਲ ਦੇ ਲਈ ਹੈ ਸੀ ਕਰ ਗਿਆ ਵੱਲੋਂ ਇਸ ਉਨ੍ਹਾਂ ਸਿੰਘ ਪਿੰਡ ਸਕੂਲ ਸਰਕਾਰ ਲੋਕਾਂ ਕੰਮ ਦਿੱਤਾ ਕਿਹਾ ਜਗਰਾਉਂ ਕਿ ਦੀ ਨੂੰ ਵਿਚ ਤੇ ਅਤੇ ਨਾਲ ਦੇ ਲਈ ਹੈ ਸੀ ਕਰ ਗਿਆ ਵੱਲੋਂ ਇਸ ਉਨ੍ਹਾਂ ਸਿੰਘ ਪਿੰਡ ਸਕੂਲ ਸਰਕਾਰ ਲੋਕਾਂ ਕੰਮ ਦਿੱਤਾ ਕਿਹਾ ਜਗਰਾਉਂ ਕਿ ਦੀ ਨੂੰ ਵਿਚ ਤੇ ਅਤੇ ਨਾਲ ਦੇ ਲਈ ਹੈ ਸੀ ਕਰ ਗਿਆ ਵੱਲੋਂ ਇਸ ਉਨ੍ਹਾਂ ਸਿੰਘ ਪਿੰਡ ਸਕੂਲ ਸਰਕਾਰ ਲੋਕਾਂ ਕੰਮ ਦਿੱਤਾ ਕਿਹਾ ਜਗਰਾਉਂ
ਕਿ ਦੀ ਨੂੰ ਵਿਚ ਤੇ ਅਤੇ ਨਾਲ ਦੇ ਲਈ ਹੈ ਸੀ ਕਰ ਗਿਆ ਵੱਲੋਂ ਇਸ ਉਨ੍ਹਾਂ ਸਿੰਘ ਪਿੰਡ ਸਕੂਲ ਸਰਕਾਰ ਲੋਕਾਂ ਕੰਮ ਦਿੱਤਾ ਕਿਹਾ ਜਗਰਾਉਂ ਕਿ ਦੀ ਨੂੰ ਵਿਚ ਤੇ ਅਤੇ ਨਾਲ ਦੇ ਲਈ ਹੈ ਸੀ ਕਰ ਗਿਆ ਵੱਲੋਂ ਇਸ ਉਨ੍ਹਾਂ ਸਿੰਘ ਪਿੰਡ ਸਕੂਲ ਸਰਕਾਰ ਲੋਕਾਂ ਕੰਮ ਦਿੱਤਾ ਕਿਹਾ ਜਗਰਾਉਂ ਕਿ ਦੀ ਨੂੰ ਵਿਚ ਤੇ ਅਤੇ ਨਾਲ ਦੇ ਲਈ ਹੈ ਸੀ ਕਰ ਗਿਆ ਵੱਲੋਂ ਇਸ ਉਨ੍ਹਾਂ ਸਿੰਘ ਪਿੰਡ ਸਕੂਲ ਸਰਕਾਰ ਲੋਕਾਂ ਕੰਮ ਦਿੱਤਾ ਕਿਹਾ ਜਗਰਾਉਂ ਕਿ ਦੀ ਨੂੰ ਵਿਚ ਤੇ ਅਤੇ ਨਾਲ ਦੇ ਲਈ ਹੈ ਸੀ ਕਰ ਗਿਆ ਵੱਲੋਂ ਇਸ ਉਨ੍ਹਾਂ ਸਿੰਘ ਪਿੰਡ ਸਕੂਲ ਸਰਕਾਰ ਲੋਕਾਂ ਕੰਮ ਦਿੱਤਾ ਕਿਹਾ ਜਗਰਾਉਂ ਕਿ ਦੀ ਨੂੰ ਵਿਚ ਤੇ ਅਤੇ ਨਾਲ ਦੇ ਲਈ ਹੈ ਸੀ ਕਰ ਗਿਆ ਵੱਲੋਂ ਇਸ ਉਨ੍ਹਾਂ ਸਿੰਘ ਪਿੰਡ ਸਕੂਲ ਸਰਕਾਰ ਲੋਕਾਂ ਕੰਮ ਦਿੱਤਾ ਕਿਹਾ ਜਗਰਾਉਂ ਕਿ ਦੀ ਨੂੰ ਵਿਚ ਤੇ ਅਤੇ ਨਾਲ ਦੇ ਲਈ ਹੈ ਸੀ ਕਰ ਗਿਆ ਵੱਲੋਂ ਇਸ ਉਨ੍ਹਾਂ ਸਿੰਘ ਪਿੰਡ ਸਕੂਲ ਸਰਕਾਰ ਲੋਕਾਂ ਕੰਮ ਦਿੱਤਾ ਕਿਹਾ ਜਗਰਾਉਂ ਕਿ ਦੀ ਨੂੰ ਵਿਚ ਤੇ ਅਤੇ ਨਾਲ ਦੇ ਲਈ ਹੈ ਸੀ ਕਰ ਗਿਆ ਵੱਲੋਂ ਇਸ ਉਨ੍ਹਾਂ ਸਿੰਘ ਪਿੰਡ ਸਕੂਲ ਸਰਕਾਰ ਲੋਕਾਂ ਕੰਮ ਦਿੱਤਾ ਕਿਹਾ ਜਗਰਾਉਂ ਕਿ ਦੀ ਨੂੰ ਵਿਚ ਤੇ ਅਤੇ ਨਾਲ ਦੇ ਲਈ ਹੈ ਸੀ ਕਰ ਗਿਆ ਵੱਲੋਂ ਇਸ ਉਨ੍ਹਾਂ ਸਿੰਘ ਪਿੰਡ ਸਕੂਲ ਸਰਕਾਰ ਲੋਕਾਂ ਕੰਮ ਦਿੱਤਾ ਕਿਹਾ ਜਗਰਾਉਂ ਕਿ ਦੀ ਨੂੰ ਵਿਚ ਤੇ ਅਤੇ ਨਾਲ ਦੇ ਲਈ ਹੈ ਸੀ ਕਰ ਗਿਆ ਵੱਲੋਂ ਇਸ ਉਨ੍ਹਾਂ ਸਿੰਘ ਪਿੰਡ ਸਕੂਲ ਸਰਕਾਰ ਲੋਕਾਂ ਕੰਮ ਦਿੱਤਾ ਕਿਹਾ ਜਗਰਾਉਂ ਕਿ ਦੀ ਨੂੰ ਵਿਚ ਤੇ ਅਤੇ ਨਾਲ ਦੇ ਲਈ ਹੈ ਸੀ ਕਰ ਗਿਆ ਵੱਲੋਂ ਇਸ ਉਨ੍ਹਾਂ ਸਿੰਘ ਪਿੰਡ ਸਕੂਲ ਸਰਕਾਰ ਲੋਕਾਂ ਕੰਮ ਦਿੱਤਾ ਕਿਹਾ ਜਗਰਾਉਂ
ਇਫਕੋ ਵਲੋਂ ਬੂਟੇ ਲਗਾਉਂਦੇ ਹੋਏ ਅਧਿਕਾਰੀ।
ਇਫਕੋ ਵਲੋਂ ਹਰਿਆਵਲ ਤਹਿਤ ਸਰਕਾਰੀ
ਸਕੂਲ ਹੀਰਾ ਵਿਖੇ ਬੂਟੇ ਲਗਾਏ
ਧਰਤੀ ਅਤੇ ਹਵਾ, ਪਾਣੀ ਦੀ ਸ਼ੁੱਧਤਾ ਲਈ ਸਭੇ
ਧਰਤੀ ਦੀ ਲੋੜ-ਮਨਜੀਤ ਸਵਾਮੀ (ਇਫਕੋ)
ਕਿ ਦੀ ਨੂੰ ਵਿਚ ਤੇ ਅਤੇ ਨਾਲ ਦੇ ਲਈ ਹੈ ਸੀ ਕਰ ਗਿਆ ਵੱਲੋਂ ਇਸ ਉਨ੍ਹਾਂ ਸਿੰਘ ਪਿੰਡ ਸਕੂਲ ਸਰਕਾਰ ਲੋਕਾਂ ਕੰਮ ਦਿੱਤਾ ਕਿਹਾ ਜਗਰਾਉਂ ਕਿ ਦੀ ਨੂੰ ਵਿਚ ਤੇ ਅਤੇ ਨਾਲ ਦੇ ਲਈ ਹੈ ਸੀ ਕਰ ਗਿਆ ਵੱਲੋਂ ਇਸ ਉਨ੍ਹਾਂ ਸਿੰਘ ਪਿੰਡ ਸਕੂਲ ਸਰਕਾਰ ਲੋਕਾਂ ਕੰਮ ਦਿੱਤਾ ਕਿਹਾ ਜਗਰਾਉਂ ਕਿ ਦੀ ਨੂੰ ਵਿਚ ਤੇ ਅਤੇ ਨਾਲ ਦੇ ਲਈ ਹੈ ਸੀ ਕਰ ਗਿਆ ਵੱਲੋਂ ਇਸ ਉਨ੍ਹਾਂ ਸਿੰਘ ਪਿੰਡ ਸਕੂਲ ਸਰਕਾਰ ਲੋਕਾਂ ਕੰਮ ਦਿੱਤਾ ਕਿਹਾ ਜਗਰਾਉਂ ਕਿ ਦੀ ਨੂੰ ਵਿਚ ਤੇ ਅਤੇ ਨਾਲ ਦੇ ਲਈ ਹੈ ਸੀ ਕਰ ਗਿਆ ਵੱਲੋਂ ਇਸ ਉਨ੍ਹਾਂ ਸਿੰਘ ਪਿੰਡ ਸਕੂਲ ਸਰਕਾਰ ਲੋਕਾਂ ਕੰਮ ਦਿੱਤਾ ਕਿਹਾ ਜਗਰਾਉਂ ਕਿ ਦੀ ਨੂੰ ਵਿਚ ਤੇ ਅਤੇ ਨਾਲ ਦੇ ਲਈ ਹੈ ਸੀ ਕਰ ਗਿਆ ਵੱਲੋਂ ਇਸ ਉਨ੍ਹਾਂ ਸਿੰਘ ਪਿੰਡ ਸਕੂਲ ਸਰਕਾਰ ਲੋਕਾਂ ਕੰਮ ਦਿੱਤਾ ਕਿਹਾ ਜਗਰਾਉਂ ਕਿ ਦੀ ਨੂੰ ਵਿਚ ਤੇ ਅਤੇ ਨਾਲ ਦੇ ਲਈ ਹੈ ਸੀ ਕਰ ਗਿਆ ਵੱਲੋਂ ਇਸ ਉਨ੍ਹਾਂ ਸਿੰਘ ਪਿੰਡ ਸਕੂਲ ਸਰਕਾਰ ਲੋਕਾਂ ਕੰਮ ਦਿੱਤਾ ਕਿਹਾ ਜਗਰਾਉਂ ਕਿ ਦੀ ਨੂੰ ਵਿਚ ਤੇ ਅਤੇ ਨਾਲ ਦੇ ਲਈ ਹੈ ਸੀ ਕਰ ਗਿਆ ਵੱਲੋਂ ਇਸ ਉਨ੍ਹਾਂ ਸਿੰਘ ਪਿੰਡ ਸਕੂਲ ਸਰਕਾਰ ਲੋਕਾਂ ਕੰਮ ਦਿੱਤਾ ਕਿਹਾ ਜਗਰਾਉਂ ਕਿ ਦੀ ਨੂੰ ਵਿਚ ਤੇ ਅਤੇ ਨਾਲ ਦੇ ਲਈ ਹੈ ਸੀ ਕਰ ਗਿਆ ਵੱਲੋਂ ਇਸ ਉਨ੍ਹਾਂ ਸਿੰਘ ਪਿੰਡ ਸਕੂਲ ਸਰਕਾਰ ਲੋਕਾਂ ਕੰਮ ਦਿੱਤਾ ਕਿਹਾ ਜਗਰਾਉਂ ਕਿ ਦੀ ਨੂੰ ਵਿਚ ਤੇ ਅਤੇ ਨਾਲ ਦੇ ਲਈ ਹੈ ਸੀ ਕਰ ਗਿਆ ਵੱਲੋਂ ਇਸ ਉਨ੍ਹਾਂ ਸਿੰਘ ਪਿੰਡ ਸਕੂਲ ਸਰਕਾਰ ਲੋਕਾਂ ਕੰਮ ਦਿੱਤਾ ਕਿਹਾ ਜਗਰਾਉਂ ਕਿ ਦੀ ਨੂੰ ਵਿਚ ਤੇ ਅਤੇ ਨਾਲ ਦੇ ਲਈ ਹੈ ਸੀ ਕਰ ਗਿਆ ਵੱਲੋਂ ਇਸ ਉਨ੍ਹਾਂ ਸਿੰਘ ਪਿੰਡ ਸਕੂਲ ਸਰਕਾਰ ਲੋਕਾਂ ਕੰਮ ਦਿੱਤਾ ਕਿਹਾ ਜਗਰਾਉਂ
ਕਿ ਦੀ ਨੂੰ ਵਿਚ ਤੇ ਅਤੇ ਨਾਲ ਦੇ ਲਈ ਹੈ ਸੀ ਕਰ ਗਿਆ ਵੱਲੋਂ ਇਸ ਉਨ੍ਹਾਂ ਸਿੰਘ ਪਿੰਡ ਸਕੂਲ ਸਰਕਾਰ ਲੋਕਾਂ ਕੰਮ ਦਿੱਤਾ ਕਿਹਾ ਜਗਰਾਉਂ ਕਿ ਦੀ ਨੂੰ ਵਿਚ ਤੇ ਅਤੇ ਨਾਲ ਦੇ ਲਈ ਹੈ ਸੀ ਕਰ ਗਿਆ ਵੱਲੋਂ ਇਸ ਉਨ੍ਹਾਂ ਸਿੰਘ ਪਿੰਡ ਸਕੂਲ ਸਰਕਾਰ ਲੋਕਾਂ ਕੰਮ ਦਿੱਤਾ ਕਿਹਾ ਜਗਰਾਉਂ ਕਿ ਦੀ ਨੂੰ ਵਿਚ ਤੇ ਅਤੇ ਨਾਲ ਦੇ ਲਈ ਹੈ ਸੀ ਕਰ ਗਿਆ ਵੱਲੋਂ ਇਸ ਉਨ੍ਹਾਂ ਸਿੰਘ ਪਿੰਡ ਸਕੂਲ ਸਰਕਾਰ ਲੋਕਾਂ ਕੰਮ ਦਿੱਤਾ ਕਿਹਾ ਜਗਰਾਉਂ ਕਿ ਦੀ ਨੂੰ ਵਿਚ ਤੇ ਅਤੇ ਨਾਲ ਦੇ ਲਈ ਹੈ ਸੀ ਕਰ ਗਿਆ ਵੱਲੋਂ ਇਸ ਉਨ੍ਹਾਂ ਸਿੰਘ ਪਿੰਡ ਸਕੂਲ ਸਰਕਾਰ ਲੋਕਾਂ ਕੰਮ ਦਿੱਤਾ ਕਿਹਾ ਜਗਰਾਉਂ ਕਿ ਦੀ ਨੂੰ ਵਿਚ ਤੇ ਅਤੇ ਨਾਲ ਦੇ ਲਈ ਹੈ ਸੀ ਕਰ ਗਿਆ ਵੱਲੋਂ ਇਸ ਉਨ੍ਹਾਂ ਸਿੰਘ ਪਿੰਡ ਸਕੂਲ ਸਰਕਾਰ ਲੋਕਾਂ ਕੰਮ ਦਿੱਤਾ ਕਿਹਾ ਜਗਰਾਉਂ ਕਿ ਦੀ ਨੂੰ ਵਿਚ ਤੇ ਅਤੇ ਨਾਲ ਦੇ ਲਈ ਹੈ ਸੀ ਕਰ ਗਿਆ ਵੱਲੋਂ ਇਸ ਉਨ੍ਹਾਂ ਸਿੰਘ ਪਿੰਡ ਸਕੂਲ ਸਰਕਾਰ ਲੋਕਾਂ ਕੰਮ ਦਿੱਤਾ ਕਿਹਾ ਜਗਰਾਉਂ ਕਿ ਦੀ ਨੂੰ ਵਿਚ ਤੇ ਅਤੇ ਨਾਲ ਦੇ ਲਈ ਹੈ ਸੀ ਕਰ ਗਿਆ ਵੱਲੋਂ ਇਸ ਉਨ੍ਹਾਂ ਸਿੰਘ ਪਿੰਡ ਸਕੂਲ ਸਰਕਾਰ ਲੋਕਾਂ ਕੰਮ ਦਿੱਤਾ ਕਿਹਾ ਜਗਰਾਉਂ ਕਿ ਦੀ ਨੂੰ ਵਿਚ ਤੇ ਅਤੇ ਨਾਲ ਦੇ ਲਈ ਹੈ ਸੀ ਕਰ ਗਿਆ ਵੱਲੋਂ ਇਸ ਉਨ੍ਹਾਂ ਸਿੰਘ ਪਿੰਡ ਸਕੂਲ ਸਰਕਾਰ ਲੋਕਾਂ ਕੰਮ ਦਿੱਤਾ ਕਿਹਾ ਜਗਰਾਉਂ ਕਿ ਦੀ ਨੂੰ ਵਿਚ ਤੇ ਅਤੇ ਨਾਲ ਦੇ ਲਈ ਹੈ ਸੀ ਕਰ ਗਿਆ ਵੱਲੋਂ ਇਸ ਉਨ੍ਹਾਂ ਸਿੰਘ ਪਿੰਡ ਸਕੂਲ ਸਰਕਾਰ ਲੋਕਾਂ ਕੰਮ ਦਿੱਤਾ ਕਿਹਾ ਜਗਰਾਉਂ ਕਿ ਦੀ ਨੂੰ ਵਿਚ ਤੇ ਅਤੇ ਨਾਲ ਦੇ ਲਈ ਹੈ ਸੀ ਕਰ ਗਿਆ ਵੱਲੋਂ ਇਸ ਉਨ੍ਹਾਂ ਸਿੰਘ ਪਿੰਡ ਸਕੂਲ ਸਰਕਾਰ ਲੋਕਾਂ ਕੰਮ ਦਿੱਤਾ ਕਿਹਾ ਜਗਰਾਉਂ
ਕਿ ਦੀ ਨੂੰ ਵਿਚ ਤੇ ਅਤੇ ਨਾਲ ਦੇ ਲਈ ਹੈ ਸੀ ਕਰ ਗਿਆ ਵੱਲੋਂ ਇਸ ਉਨ੍ਹਾਂ ਸਿੰਘ ਪਿੰਡ ਸਕੂਲ ਸਰਕਾਰ ਲੋਕਾਂ ਕੰਮ ਦਿੱਤਾ ਕਿਹਾ ਜਗਰਾਉਂ ਕਿ ਦੀ ਨੂੰ ਵਿਚ ਤੇ ਅਤੇ ਨਾਲ ਦੇ ਲਈ ਹੈ ਸੀ ਕਰ ਗਿਆ ਵੱਲੋਂ ਇਸ ਉਨ੍ਹਾਂ ਸਿੰਘ ਪਿੰਡ ਸਕੂਲ ਸਰਕਾਰ ਲੋਕਾਂ ਕੰਮ ਦਿੱਤਾ ਕਿਹਾ ਜਗਰਾਉਂ ਕਿ ਦੀ ਨੂੰ ਵਿਚ ਤੇ ਅਤੇ ਨਾਲ ਦੇ ਲਈ ਹੈ ਸੀ ਕਰ ਗਿਆ ਵੱਲੋਂ ਇਸ ਉਨ੍ਹਾਂ ਸਿੰਘ ਪਿੰਡ ਸਕੂਲ ਸਰਕਾਰ ਲੋਕਾਂ ਕੰਮ ਦਿੱਤਾ ਕਿਹਾ ਜਗਰਾਉਂ ਕਿ ਦੀ ਨੂੰ ਵਿਚ ਤੇ ਅਤੇ ਨਾਲ ਦੇ ਲਈ ਹੈ ਸੀ ਕਰ ਗਿਆ ਵੱਲੋਂ ਇਸ ਉਨ੍ਹਾਂ ਸਿੰਘ ਪਿੰਡ ਸਕੂਲ ਸਰਕਾਰ ਲੋਕਾਂ ਕੰਮ ਦਿੱਤਾ ਕਿਹਾ ਜਗਰਾਉਂ ਕਿ ਦੀ ਨੂੰ ਵਿਚ ਤੇ ਅਤੇ ਨਾਲ ਦੇ ਲਈ ਹੈ ਸੀ ਕਰ ਗਿਆ ਵੱਲੋਂ ਇਸ ਉਨ੍ਹਾਂ ਸਿੰਘ ਪਿੰਡ ਸਕੂਲ ਸਰਕਾਰ ਲੋਕਾਂ ਕੰਮ ਦਿੱਤਾ ਕਿਹਾ ਜਗਰਾਉਂ ਕਿ ਦੀ ਨੂੰ ਵਿਚ ਤੇ ਅਤੇ ਨਾਲ ਦੇ ਲਈ ਹੈ ਸੀ ਕਰ ਗਿਆ ਵੱਲੋਂ ਇਸ ਉਨ੍ਹਾਂ ਸਿੰਘ ਪਿੰਡ ਸਕੂਲ ਸਰਕਾਰ ਲੋਕਾਂ ਕੰਮ ਦਿੱਤਾ ਕਿਹਾ ਜਗਰਾਉਂ ਕਿ ਦੀ ਨੂੰ ਵਿਚ ਤੇ ਅਤੇ ਨਾਲ ਦੇ ਲਈ ਹੈ ਸੀ ਕਰ ਗਿਆ ਵੱਲੋਂ ਇਸ ਉਨ੍ਹਾਂ ਸਿੰਘ ਪਿੰਡ ਸਕੂਲ ਸਰਕਾਰ ਲੋਕਾਂ ਕੰਮ ਦਿੱਤਾ ਕਿਹਾ ਜਗਰਾਉਂ ਕਿ ਦੀ ਨੂੰ ਵਿਚ ਤੇ ਅਤੇ ਨਾਲ ਦੇ ਲਈ ਹੈ ਸੀ ਕਰ ਗਿਆ ਵੱਲੋਂ ਇਸ ਉਨ੍ਹਾਂ ਸਿੰਘ ਪਿੰਡ ਸਕੂਲ ਸਰਕਾਰ ਲੋਕਾਂ ਕੰਮ ਦਿੱਤਾ ਕਿਹਾ ਜਗਰਾਉਂ ਕਿ ਦੀ ਨੂੰ ਵਿਚ ਤੇ ਅਤੇ ਨਾਲ ਦੇ ਲਈ ਹੈ ਸੀ ਕਰ ਗਿਆ ਵੱਲੋਂ ਇਸ ਉਨ੍ਹਾਂ ਸਿੰਘ ਪਿੰਡ ਸਕੂਲ ਸਰਕਾਰ ਲੋਕਾਂ ਕੰਮ ਦਿੱਤਾ ਕਿਹਾ ਜਗਰਾਉਂ ਕਿ ਦੀ ਨੂੰ ਵਿਚ ਤੇ ਅਤੇ ਨਾਲ ਦੇ ਲਈ ਹੈ ਸੀ ਕਰ ਗਿਆ ਵੱਲੋਂ ਇਸ ਉਨ੍ਹਾਂ ਸਿੰਘ ਪਿੰਡ ਸਕੂਲ ਸਰਕਾਰ ਲੋਕਾਂ ਕੰਮ ਦਿੱਤਾ ਕਿਹਾ ਜਗਰਾਉਂ
PR-Advt. No. 3690-B/2025-26
ਕਿ ਦੀ ਨੂੰ ਵਿਚ ਤੇ ਅਤੇ ਨਾਲ ਦੇ ਲਈ ਹੈ ਸੀ ਕਰ ਗਿਆ ਵੱਲੋਂ ਇਸ ਉਨ੍ਹਾਂ ਸਿੰਘ ਪਿੰਡ ਸਕੂਲ ਸਰਕਾਰ ਲੋਕਾਂ ਕੰਮ ਦਿੱਤਾ ਕਿਹਾ ਜਗਰਾਉਂ ਕਿ ਦੀ ਨੂੰ ਵਿਚ ਤੇ ਅਤੇ ਨਾਲ ਦੇ ਲਈ ਹੈ ਸੀ ਕਰ ਗਿਆ ਵੱਲੋਂ ਇਸ ਉਨ੍ਹਾਂ ਸਿੰਘ ਪਿੰਡ ਸਕੂਲ ਸਰਕਾਰ ਲੋਕਾਂ ਕੰਮ ਦਿੱਤਾ ਕਿਹਾ ਜਗਰਾਉਂ ਕਿ ਦੀ ਨੂੰ ਵਿਚ ਤੇ ਅਤੇ ਨਾਲ ਦੇ ਲਈ ਹੈ ਸੀ ਕਰ ਗਿਆ ਵੱਲੋਂ ਇਸ ਉਨ੍ਹਾਂ ਸਿੰਘ ਪਿੰਡ ਸਕੂਲ ਸਰਕਾਰ ਲੋਕਾਂ ਕੰਮ ਦਿੱਤਾ ਕਿਹਾ ਜਗਰਾਉਂ ਕਿ ਦੀ ਨੂੰ ਵਿਚ ਤੇ ਅਤੇ ਨਾਲ ਦੇ ਲਈ ਹੈ ਸੀ ਕਰ ਗਿਆ ਵੱਲੋਂ ਇਸ ਉਨ੍ਹਾਂ ਸਿੰਘ ਪਿੰਡ ਸਕੂਲ ਸਰਕਾਰ ਲੋਕਾਂ ਕੰਮ ਦਿੱਤਾ ਕਿਹਾ ਜਗਰਾਉਂ ਕਿ ਦੀ ਨੂੰ ਵਿਚ ਤੇ ਅਤੇ ਨਾਲ ਦੇ ਲਈ ਹੈ ਸੀ ਕਰ ਗਿਆ ਵੱਲੋਂ ਇਸ ਉਨ੍ਹਾਂ ਸਿੰਘ ਪਿੰਡ ਸਕੂਲ ਸਰਕਾਰ ਲੋਕਾਂ ਕੰਮ ਦਿੱਤਾ ਕਿਹਾ ਜਗਰਾਉਂ ਕਿ ਦੀ ਨੂੰ ਵਿਚ ਤੇ ਅਤੇ ਨਾਲ ਦੇ ਲਈ ਹੈ ਸੀ ਕਰ ਗਿਆ ਵੱਲੋਂ ਇਸ ਉਨ੍ਹਾਂ ਸਿੰਘ ਪਿੰਡ ਸਕੂਲ ਸਰਕਾਰ ਲੋਕਾਂ ਕੰਮ ਦਿੱਤਾ ਕਿਹਾ ਜਗਰਾਉਂ ਕਿ ਦੀ ਨੂੰ ਵਿਚ ਤੇ ਅਤੇ ਨਾਲ ਦੇ ਲਈ ਹੈ ਸੀ ਕਰ ਗਿਆ ਵੱਲੋਂ ਇਸ ਉਨ੍ਹਾਂ ਸਿੰਘ ਪਿੰਡ ਸਕੂਲ ਸਰਕਾਰ ਲੋਕਾਂ ਕੰਮ ਦਿੱਤਾ ਕਿਹਾ ਜਗਰਾਉਂ ਕਿ ਦੀ ਨੂੰ ਵਿਚ ਤੇ ਅਤੇ ਨਾਲ ਦੇ ਲਈ ਹੈ ਸੀ ਕਰ ਗਿਆ ਵੱਲੋਂ ਇਸ ਉਨ੍ਹਾਂ ਸਿੰਘ ਪਿੰਡ ਸਕੂਲ ਸਰਕਾਰ ਲੋਕਾਂ ਕੰਮ ਦਿੱਤਾ ਕਿਹਾ ਜਗਰਾਉਂ ਕਿ ਦੀ ਨੂੰ ਵਿਚ ਤੇ ਅਤੇ ਨਾਲ ਦੇ ਲਈ ਹੈ ਸੀ ਕਰ ਗਿਆ ਵੱਲੋਂ ਇਸ ਉਨ੍ਹਾਂ ਸਿੰਘ ਪਿੰਡ ਸਕੂਲ ਸਰਕਾਰ ਲੋਕਾਂ ਕੰਮ ਦਿੱਤਾ ਕਿਹਾ ਜਗਰਾਉਂ ਕਿ ਦੀ ਨੂੰ ਵਿਚ ਤੇ ਅਤੇ ਨਾਲ ਦੇ ਲਈ ਹੈ ਸੀ ਕਰ ਗਿਆ ਵੱਲੋਂ ਇਸ ਉਨ੍ਹਾਂ ਸਿੰਘ ਪਿੰਡ ਸਕੂਲ ਸਰਕਾਰ ਲੋਕਾਂ ਕੰਮ ਦਿੱਤਾ ਕਿਹਾ ਜਗਰਾਉਂ
ਦਫ਼ਤਰ ਨਗਰ ਸੁਧਾਰ ਟਰੱਸਟ, ਅੰਮ੍ਰਿਤਸਰ।
ਪਬਲਿਕ ਨੋਟਿਸ
ਕਿ ਦੀ ਨੂੰ ਵਿਚ ਤੇ ਅਤੇ ਨਾਲ ਦੇ ਲਈ ਹੈ ਸੀ ਕਰ ਗਿਆ ਵੱਲੋਂ ਇਸ ਉਨ੍ਹਾਂ ਸਿੰਘ ਪਿੰਡ ਸਕੂਲ ਸਰਕਾਰ ਲੋਕਾਂ ਕੰਮ ਦਿੱਤਾ ਕਿਹਾ ਜਗਰਾਉਂ ਕਿ ਦੀ ਨੂੰ ਵਿਚ ਤੇ ਅਤੇ ਨਾਲ ਦੇ ਲਈ ਹੈ ਸੀ ਕਰ ਗਿਆ ਵੱਲੋਂ ਇਸ ਉਨ੍ਹਾਂ ਸਿੰਘ ਪਿੰਡ ਸਕੂਲ ਸਰਕਾਰ ਲੋਕਾਂ ਕੰਮ ਦਿੱਤਾ ਕਿਹਾ ਜਗਰਾਉਂ ਕਿ ਦੀ ਨੂੰ ਵਿਚ ਤੇ ਅਤੇ ਨਾਲ ਦੇ ਲਈ ਹੈ ਸੀ ਕਰ ਗਿਆ ਵੱਲੋਂ ਇਸ ਉਨ੍ਹਾਂ ਸਿੰਘ ਪਿੰਡ ਸਕੂਲ ਸਰਕਾਰ ਲੋਕਾਂ ਕੰਮ ਦਿੱਤਾ ਕਿਹਾ ਜਗਰਾਉਂ ਕਿ ਦੀ ਨੂੰ ਵਿਚ ਤੇ ਅਤੇ ਨਾਲ ਦੇ ਲਈ ਹੈ ਸੀ ਕਰ ਗਿਆ ਵੱਲੋਂ ਇਸ ਉਨ੍ਹਾਂ ਸਿੰਘ ਪਿੰਡ ਸਕੂਲ ਸਰਕਾਰ ਲੋਕਾਂ ਕੰਮ ਦਿੱਤਾ ਕਿਹਾ ਜਗਰਾਉਂ ਕਿ ਦੀ ਨੂੰ ਵਿਚ ਤੇ ਅਤੇ ਨਾਲ ਦੇ ਲਈ ਹੈ ਸੀ ਕਰ ਗਿਆ ਵੱਲੋਂ ਇਸ ਉਨ੍ਹਾਂ ਸਿੰਘ ਪਿੰਡ ਸਕੂਲ ਸਰਕਾਰ ਲੋਕਾਂ ਕੰਮ ਦਿੱਤਾ ਕਿਹਾ ਜਗਰਾਉਂ ਕਿ ਦੀ ਨੂੰ ਵਿਚ ਤੇ ਅਤੇ ਨਾਲ ਦੇ ਲਈ ਹੈ ਸੀ ਕਰ ਗਿਆ ਵੱਲੋਂ ਇਸ ਉਨ੍ਹਾਂ ਸਿੰਘ ਪਿੰਡ ਸਕੂਲ ਸਰਕਾਰ ਲੋਕਾਂ ਕੰਮ ਦਿੱਤਾ ਕਿਹਾ ਜਗਰਾਉਂ ਕਿ ਦੀ ਨੂੰ ਵਿਚ ਤੇ ਅਤੇ ਨਾਲ ਦੇ ਲਈ ਹੈ ਸੀ ਕਰ ਗਿਆ ਵੱਲੋਂ ਇਸ ਉਨ੍ਹਾਂ ਸਿੰਘ ਪਿੰਡ ਸਕੂਲ ਸਰਕਾਰ ਲੋਕਾਂ ਕੰਮ ਦਿੱਤਾ ਕਿਹਾ ਜਗਰਾਉਂ ਕਿ ਦੀ ਨੂੰ ਵਿਚ ਤੇ ਅਤੇ ਨਾਲ ਦੇ ਲਈ ਹੈ ਸੀ ਕਰ ਗਿਆ ਵੱਲੋਂ ਇਸ ਉਨ੍ਹਾਂ ਸਿੰਘ ਪਿੰਡ ਸਕੂਲ ਸਰਕਾਰ ਲੋਕਾਂ ਕੰਮ ਦਿੱਤਾ ਕਿਹਾ ਜਗਰਾਉਂ ਕਿ ਦੀ ਨੂੰ ਵਿਚ ਤੇ ਅਤੇ ਨਾਲ ਦੇ ਲਈ ਹੈ ਸੀ ਕਰ ਗਿਆ ਵੱਲੋਂ ਇਸ ਉਨ੍ਹਾਂ ਸਿੰਘ ਪਿੰਡ ਸਕੂਲ ਸਰਕਾਰ ਲੋਕਾਂ ਕੰਮ ਦਿੱਤਾ ਕਿਹਾ ਜਗਰਾਉਂ ਕਿ ਦੀ ਨੂੰ ਵਿਚ ਤੇ ਅਤੇ ਨਾਲ ਦੇ ਲਈ ਹੈ ਸੀ ਕਰ ਗਿਆ ਵੱਲੋਂ ਇਸ ਉਨ੍ਹਾਂ ਸਿੰਘ ਪਿੰਡ ਸਕੂਲ ਸਰਕਾਰ ਲੋਕਾਂ ਕੰਮ ਦਿੱਤਾ ਕਿਹਾ ਜਗਰਾਉਂ
PR-Advt. No. 2458/B/2025-26/877
ਸੰਗਤ ਨਾਲ ਗੁਰਦੁਆਰਾ ਸਾਹਿਬ।
ਗੁਰਦੁਆਰਾ ਨਾਨਕਸਰਅਤੇ ਸ੍ਰੀ ਹੰਬਣਾਪਣੀ ਬਾਬਾ
ਰਾਵਣੇ ਵਿਖੇ ਸ੍ਰੀ ਸੁਖਮਨੀ ਸਾਹਿਬ ਦਾ ਪਾਠ
ਕਿ ਦੀ ਨੂੰ ਵਿਚ ਤੇ ਅਤੇ ਨਾਲ ਦੇ ਲਈ ਹੈ ਸੀ ਕਰ ਗਿਆ ਵੱਲੋਂ ਇਸ ਉਨ੍ਹਾਂ ਸਿੰਘ ਪਿੰਡ ਸਕੂਲ ਸਰਕਾਰ ਲੋਕਾਂ ਕੰਮ ਦਿੱਤਾ ਕਿਹਾ ਜਗਰਾਉਂ ਕਿ ਦੀ ਨੂੰ ਵਿਚ ਤੇ ਅਤੇ ਨਾਲ ਦੇ ਲਈ ਹੈ ਸੀ ਕਰ ਗਿਆ ਵੱਲੋਂ ਇਸ ਉਨ੍ਹਾਂ ਸਿੰਘ ਪਿੰਡ ਸਕੂਲ ਸਰਕਾਰ ਲੋਕਾਂ ਕੰਮ ਦਿੱਤਾ ਕਿਹਾ ਜਗਰਾਉਂ ਕਿ ਦੀ ਨੂੰ ਵਿਚ ਤੇ ਅਤੇ ਨਾਲ ਦੇ ਲਈ ਹੈ ਸੀ ਕਰ ਗਿਆ ਵੱਲੋਂ ਇਸ ਉਨ੍ਹਾਂ ਸਿੰਘ ਪਿੰਡ ਸਕੂਲ ਸਰਕਾਰ ਲੋਕਾਂ ਕੰਮ ਦਿੱਤਾ ਕਿਹਾ ਜਗਰਾਉਂ ਕਿ ਦੀ ਨੂੰ ਵਿਚ ਤੇ ਅਤੇ ਨਾਲ ਦੇ ਲਈ ਹੈ ਸੀ ਕਰ ਗਿਆ ਵੱਲੋਂ ਇਸ ਉਨ੍ਹਾਂ ਸਿੰਘ ਪਿੰਡ ਸਕੂਲ ਸਰਕਾਰ ਲੋਕਾਂ ਕੰਮ ਦਿੱਤਾ ਕਿਹਾ ਜਗਰਾਉਂ ਕਿ ਦੀ ਨੂੰ ਵਿਚ ਤੇ ਅਤੇ ਨਾਲ ਦੇ ਲਈ ਹੈ ਸੀ ਕਰ ਗਿਆ ਵੱਲੋਂ ਇਸ ਉਨ੍ਹਾਂ ਸਿੰਘ ਪਿੰਡ ਸਕੂਲ ਸਰਕਾਰ ਲੋਕਾਂ ਕੰਮ ਦਿੱਤਾ ਕਿਹਾ ਜਗਰਾਉਂ ਕਿ ਦੀ ਨੂੰ ਵਿਚ ਤੇ ਅਤੇ ਨਾਲ ਦੇ ਲਈ ਹੈ ਸੀ ਕਰ ਗਿਆ ਵੱਲੋਂ ਇਸ ਉਨ੍ਹਾਂ ਸਿੰਘ ਪਿੰਡ ਸਕੂਲ ਸਰਕਾਰ ਲੋਕਾਂ ਕੰਮ ਦਿੱਤਾ ਕਿਹਾ ਜਗਰਾਉਂ ਕਿ ਦੀ ਨੂੰ ਵਿਚ ਤੇ ਅਤੇ ਨਾਲ ਦੇ ਲਈ ਹੈ ਸੀ ਕਰ ਗਿਆ ਵੱਲੋਂ ਇਸ ਉਨ੍ਹਾਂ ਸਿੰਘ ਪਿੰਡ ਸਕੂਲ ਸਰਕਾਰ ਲੋਕਾਂ ਕੰਮ ਦਿੱਤਾ ਕਿਹਾ ਜਗਰਾਉਂ ਕਿ ਦੀ ਨੂੰ ਵਿਚ ਤੇ ਅਤੇ ਨਾਲ ਦੇ ਲਈ ਹੈ ਸੀ ਕਰ ਗਿਆ ਵੱਲੋਂ ਇਸ ਉਨ੍ਹਾਂ ਸਿੰਘ ਪਿੰਡ ਸਕੂਲ ਸਰਕਾਰ ਲੋਕਾਂ ਕੰਮ ਦਿੱਤਾ ਕਿਹਾ ਜਗਰਾਉਂ ਕਿ ਦੀ ਨੂੰ ਵਿਚ ਤੇ ਅਤੇ ਨਾਲ ਦੇ ਲਈ ਹੈ ਸੀ ਕਰ ਗਿਆ ਵੱਲੋਂ ਇਸ ਉਨ੍ਹਾਂ ਸਿੰਘ ਪਿੰਡ ਸਕੂਲ ਸਰਕਾਰ ਲੋਕਾਂ ਕੰਮ ਦਿੱਤਾ ਕਿਹਾ ਜਗਰਾਉਂ ਕਿ ਦੀ ਨੂੰ ਵਿਚ ਤੇ ਅਤੇ ਨਾਲ ਦੇ ਲਈ ਹੈ ਸੀ ਕਰ ਗਿਆ ਵੱਲੋਂ ਇਸ ਉਨ੍ਹਾਂ ਸਿੰਘ ਪਿੰਡ ਸਕੂਲ ਸਰਕਾਰ ਲੋਕਾਂ ਕੰਮ ਦਿੱਤਾ ਕਿਹਾ ਜਗਰਾਉਂ
ਕਿ ਦੀ ਨੂੰ ਵਿਚ ਤੇ ਅਤੇ ਨਾਲ ਦੇ ਲਈ ਹੈ ਸੀ ਕਰ ਗਿਆ ਵੱਲੋਂ ਇਸ ਉਨ੍ਹਾਂ ਸਿੰਘ ਪਿੰਡ ਸਕੂਲ ਸਰਕਾਰ ਲੋਕਾਂ ਕੰਮ ਦਿੱਤਾ ਕਿਹਾ ਜਗਰਾਉਂ ਕਿ ਦੀ ਨੂੰ ਵਿਚ ਤੇ ਅਤੇ ਨਾਲ ਦੇ ਲਈ ਹੈ ਸੀ ਕਰ ਗਿਆ ਵੱਲੋਂ ਇਸ ਉਨ੍ਹਾਂ ਸਿੰਘ ਪਿੰਡ ਸਕੂਲ ਸਰਕਾਰ ਲੋਕਾਂ ਕੰਮ ਦਿੱਤਾ ਕਿਹਾ ਜਗਰਾਉਂ ਕਿ ਦੀ ਨੂੰ ਵਿਚ ਤੇ ਅਤੇ ਨਾਲ ਦੇ ਲਈ ਹੈ ਸੀ ਕਰ ਗਿਆ ਵੱਲੋਂ ਇਸ ਉਨ੍ਹਾਂ ਸਿੰਘ ਪਿੰਡ ਸਕੂਲ ਸਰਕਾਰ ਲੋਕਾਂ ਕੰਮ ਦਿੱਤਾ ਕਿਹਾ ਜਗਰਾਉਂ ਕਿ ਦੀ ਨੂੰ ਵਿਚ ਤੇ ਅਤੇ ਨਾਲ ਦੇ ਲਈ ਹੈ ਸੀ ਕਰ ਗਿਆ ਵੱਲੋਂ ਇਸ ਉਨ੍ਹਾਂ ਸਿੰਘ ਪਿੰਡ ਸਕੂਲ ਸਰਕਾਰ ਲੋਕਾਂ ਕੰਮ ਦਿੱਤਾ ਕਿਹਾ ਜਗਰਾਉਂ ਕਿ ਦੀ ਨੂੰ ਵਿਚ ਤੇ ਅਤੇ ਨਾਲ ਦੇ ਲਈ ਹੈ ਸੀ ਕਰ ਗਿਆ ਵੱਲੋਂ ਇਸ ਉਨ੍ਹਾਂ ਸਿੰਘ ਪਿੰਡ ਸਕੂਲ ਸਰਕਾਰ ਲੋਕਾਂ ਕੰਮ ਦਿੱਤਾ ਕਿਹਾ ਜਗਰਾਉਂ ਕਿ ਦੀ ਨੂੰ ਵਿਚ ਤੇ ਅਤੇ ਨਾਲ ਦੇ ਲਈ ਹੈ ਸੀ ਕਰ ਗਿਆ ਵੱਲੋਂ ਇਸ ਉਨ੍ਹਾਂ ਸਿੰਘ ਪਿੰਡ ਸਕੂਲ ਸਰਕਾਰ ਲੋਕਾਂ ਕੰਮ ਦਿੱਤਾ ਕਿਹਾ ਜਗਰਾਉਂ ਕਿ ਦੀ ਨੂੰ ਵਿਚ ਤੇ ਅਤੇ ਨਾਲ ਦੇ ਲਈ ਹੈ ਸੀ ਕਰ ਗਿਆ ਵੱਲੋਂ ਇਸ ਉਨ੍ਹਾਂ ਸਿੰਘ ਪਿੰਡ ਸਕੂਲ ਸਰਕਾਰ ਲੋਕਾਂ ਕੰਮ ਦਿੱਤਾ ਕਿਹਾ ਜਗਰਾਉਂ ਕਿ ਦੀ ਨੂੰ ਵਿਚ ਤੇ ਅਤੇ ਨਾਲ ਦੇ ਲਈ ਹੈ ਸੀ ਕਰ ਗਿਆ ਵੱਲੋਂ ਇਸ ਉਨ੍ਹਾਂ ਸਿੰਘ ਪਿੰਡ ਸਕੂਲ ਸਰਕਾਰ ਲੋਕਾਂ ਕੰਮ ਦਿੱਤਾ ਕਿਹਾ ਜਗਰਾਉਂ ਕਿ ਦੀ ਨੂੰ ਵਿਚ ਤੇ ਅਤੇ ਨਾਲ ਦੇ ਲਈ ਹੈ ਸੀ ਕਰ ਗਿਆ ਵੱਲੋਂ ਇਸ ਉਨ੍ਹਾਂ ਸਿੰਘ ਪਿੰਡ ਸਕੂਲ ਸਰਕਾਰ ਲੋਕਾਂ ਕੰਮ ਦਿੱਤਾ ਕਿਹਾ ਜਗਰਾਉਂ ਕਿ ਦੀ ਨੂੰ ਵਿਚ ਤੇ ਅਤੇ ਨਾਲ ਦੇ ਲਈ ਹੈ ਸੀ ਕਰ ਗਿਆ ਵੱਲੋਂ ਇਸ ਉਨ੍ਹਾਂ ਸਿੰਘ ਪਿੰਡ ਸਕੂਲ ਸਰਕਾਰ ਲੋਕਾਂ ਕੰਮ ਦਿੱਤਾ ਕਿਹਾ ਜਗਰਾਉਂ
ਕਿ ਦੀ ਨੂੰ ਵਿਚ ਤੇ ਅਤੇ ਨਾਲ ਦੇ ਲਈ ਹੈ ਸੀ ਕਰ ਗਿਆ ਵੱਲੋਂ ਇਸ ਉਨ੍ਹਾਂ ਸਿੰਘ ਪਿੰਡ ਸਕੂਲ ਸਰਕਾਰ ਲੋਕਾਂ ਕੰਮ ਦਿੱਤਾ ਕਿਹਾ ਜਗਰਾਉਂ ਕਿ ਦੀ ਨੂੰ ਵਿਚ ਤੇ ਅਤੇ ਨਾਲ ਦੇ ਲਈ ਹੈ ਸੀ ਕਰ ਗਿਆ ਵੱਲੋਂ ਇਸ ਉਨ੍ਹਾਂ ਸਿੰਘ ਪਿੰਡ ਸਕੂਲ ਸਰਕਾਰ ਲੋਕਾਂ ਕੰਮ ਦਿੱਤਾ ਕਿਹਾ ਜਗਰਾਉਂ ਕਿ ਦੀ ਨੂੰ ਵਿਚ ਤੇ ਅਤੇ ਨਾਲ ਦੇ ਲਈ ਹੈ ਸੀ ਕਰ ਗਿਆ ਵੱਲੋਂ ਇਸ ਉਨ੍ਹਾਂ ਸਿੰਘ ਪਿੰਡ ਸਕੂਲ ਸਰਕਾਰ ਲੋਕਾਂ ਕੰਮ ਦਿੱਤਾ ਕਿਹਾ ਜਗਰਾਉਂ ਕਿ ਦੀ ਨੂੰ ਵਿਚ ਤੇ ਅਤੇ ਨਾਲ ਦੇ ਲਈ ਹੈ ਸੀ ਕਰ ਗਿਆ ਵੱਲੋਂ ਇਸ ਉਨ੍ਹਾਂ ਸਿੰਘ ਪਿੰਡ ਸਕੂਲ ਸਰਕਾਰ ਲੋਕਾਂ ਕੰਮ ਦਿੱਤਾ ਕਿਹਾ ਜਗਰਾਉਂ ਕਿ ਦੀ ਨੂੰ ਵਿਚ ਤੇ ਅਤੇ ਨਾਲ ਦੇ ਲਈ ਹੈ ਸੀ ਕਰ ਗਿਆ ਵੱਲੋਂ ਇਸ ਉਨ੍ਹਾਂ ਸਿੰਘ ਪਿੰਡ ਸਕੂਲ ਸਰਕਾਰ ਲੋਕਾਂ ਕੰਮ ਦਿੱਤਾ ਕਿਹਾ ਜਗਰਾਉਂ ਕਿ ਦੀ ਨੂੰ ਵਿਚ ਤੇ ਅਤੇ ਨਾਲ ਦੇ ਲਈ ਹੈ ਸੀ ਕਰ ਗਿਆ ਵੱਲੋਂ ਇਸ ਉਨ੍ਹਾਂ ਸਿੰਘ ਪਿੰਡ ਸਕੂਲ ਸਰਕਾਰ ਲੋਕਾਂ ਕੰਮ ਦਿੱਤਾ ਕਿਹਾ ਜਗਰਾਉਂ ਕਿ ਦੀ ਨੂੰ ਵਿਚ ਤੇ ਅਤੇ ਨਾਲ ਦੇ ਲਈ ਹੈ ਸੀ ਕਰ ਗਿਆ ਵੱਲੋਂ ਇਸ ਉਨ੍ਹਾਂ ਸਿੰਘ ਪਿੰਡ ਸਕੂਲ ਸਰਕਾਰ ਲੋਕਾਂ ਕੰਮ ਦਿੱਤਾ ਕਿਹਾ ਜਗਰਾਉਂ ਕਿ ਦੀ ਨੂੰ ਵਿਚ ਤੇ ਅਤੇ ਨਾਲ ਦੇ ਲਈ ਹੈ ਸੀ ਕਰ ਗਿਆ ਵੱਲੋਂ ਇਸ ਉਨ੍ਹਾਂ ਸਿੰਘ ਪਿੰਡ ਸਕੂਲ ਸਰਕਾਰ ਲੋਕਾਂ ਕੰਮ ਦਿੱਤਾ ਕਿਹਾ ਜਗਰਾਉਂ ਕਿ ਦੀ ਨੂੰ ਵਿਚ ਤੇ ਅਤੇ ਨਾਲ ਦੇ ਲਈ ਹੈ ਸੀ ਕਰ ਗਿਆ ਵੱਲੋਂ ਇਸ ਉਨ੍ਹਾਂ ਸਿੰਘ ਪਿੰਡ ਸਕੂਲ ਸਰਕਾਰ ਲੋਕਾਂ ਕੰਮ ਦਿੱਤਾ ਕਿਹਾ ਜਗਰਾਉਂ ਕਿ ਦੀ ਨੂੰ ਵਿਚ ਤੇ ਅਤੇ ਨਾਲ ਦੇ ਲਈ ਹੈ ਸੀ ਕਰ ਗਿਆ ਵੱਲੋਂ ਇਸ ਉਨ੍ਹਾਂ ਸਿੰਘ ਪਿੰਡ ਸਕੂਲ ਸਰਕਾਰ ਲੋਕਾਂ ਕੰਮ ਦਿੱਤਾ ਕਿਹਾ ਜਗਰਾਉਂ
ਮੀਟਿੰਗ ਦੌਰਾਨ ਅਧਿਕਾਰੀ।
ਐੱਸ.ਡੀ.ਐੱਮ. ਰਾਏਕੋਟ ਵਲੋਂ
ਸਰਾਭਾ 'ਚ ਕਿਸਾਨਾਂ ਨਾਲ ਮੀਟਿੰਗ
ਨੈਸ਼ਨਲ ਹਾਈਵੇਅ 'ਚ ਐਕੁਆਇਰ ਹੋਣ ਵਾਲੀ ਜ਼ਮੀਨ ਬਾਰੇ ਕੀਤੀ ਚਰਚਾ
ਕਿ ਦੀ ਨੂੰ ਵਿਚ ਤੇ ਅਤੇ ਨਾਲ ਦੇ ਲਈ ਹੈ ਸੀ ਕਰ ਗਿਆ ਵੱਲੋਂ ਇਸ ਉਨ੍ਹਾਂ ਸਿੰਘ ਪਿੰਡ ਸਕੂਲ ਸਰਕਾਰ ਲੋਕਾਂ ਕੰਮ ਦਿੱਤਾ ਕਿਹਾ ਜਗਰਾਉਂ ਕਿ ਦੀ ਨੂੰ ਵਿਚ ਤੇ ਅਤੇ ਨਾਲ ਦੇ ਲਈ ਹੈ ਸੀ ਕਰ ਗਿਆ ਵੱਲੋਂ ਇਸ ਉਨ੍ਹਾਂ ਸਿੰਘ ਪਿੰਡ ਸਕੂਲ ਸਰਕਾਰ ਲੋਕਾਂ ਕੰਮ ਦਿੱਤਾ ਕਿਹਾ ਜਗਰਾਉਂ ਕਿ ਦੀ ਨੂੰ ਵਿਚ ਤੇ ਅਤੇ ਨਾਲ ਦੇ ਲਈ ਹੈ ਸੀ ਕਰ ਗਿਆ ਵੱਲੋਂ ਇਸ ਉਨ੍ਹਾਂ ਸਿੰਘ ਪਿੰਡ ਸਕੂਲ ਸਰਕਾਰ ਲੋਕਾਂ ਕੰਮ ਦਿੱਤਾ ਕਿਹਾ ਜਗਰਾਉਂ ਕਿ ਦੀ ਨੂੰ ਵਿਚ ਤੇ ਅਤੇ ਨਾਲ ਦੇ ਲਈ ਹੈ ਸੀ ਕਰ ਗਿਆ ਵੱਲੋਂ ਇਸ ਉਨ੍ਹਾਂ ਸਿੰਘ ਪਿੰਡ ਸਕੂਲ ਸਰਕਾਰ ਲੋਕਾਂ ਕੰਮ ਦਿੱਤਾ ਕਿਹਾ ਜਗਰਾਉਂ ਕਿ ਦੀ ਨੂੰ ਵਿਚ ਤੇ ਅਤੇ ਨਾਲ ਦੇ ਲਈ ਹੈ ਸੀ ਕਰ ਗਿਆ ਵੱਲੋਂ ਇਸ ਉਨ੍ਹਾਂ ਸਿੰਘ ਪਿੰਡ ਸਕੂਲ ਸਰਕਾਰ ਲੋਕਾਂ ਕੰਮ ਦਿੱਤਾ ਕਿਹਾ ਜਗਰਾਉਂ ਕਿ ਦੀ ਨੂੰ ਵਿਚ ਤੇ ਅਤੇ ਨਾਲ ਦੇ ਲਈ ਹੈ ਸੀ ਕਰ ਗਿਆ ਵੱਲੋਂ ਇਸ ਉਨ੍ਹਾਂ ਸਿੰਘ ਪਿੰਡ ਸਕੂਲ ਸਰਕਾਰ ਲੋਕਾਂ ਕੰਮ ਦਿੱਤਾ ਕਿਹਾ ਜਗਰਾਉਂ ਕਿ ਦੀ ਨੂੰ ਵਿਚ ਤੇ ਅਤੇ ਨਾਲ ਦੇ ਲਈ ਹੈ ਸੀ ਕਰ ਗਿਆ ਵੱਲੋਂ ਇਸ ਉਨ੍ਹਾਂ ਸਿੰਘ ਪਿੰਡ ਸਕੂਲ ਸਰਕਾਰ ਲੋਕਾਂ ਕੰਮ ਦਿੱਤਾ ਕਿਹਾ ਜਗਰਾਉਂ ਕਿ ਦੀ ਨੂੰ ਵਿਚ ਤੇ ਅਤੇ ਨਾਲ ਦੇ ਲਈ ਹੈ ਸੀ ਕਰ ਗਿਆ ਵੱਲੋਂ ਇਸ ਉਨ੍ਹਾਂ ਸਿੰਘ ਪਿੰਡ ਸਕੂਲ ਸਰਕਾਰ ਲੋਕਾਂ ਕੰਮ ਦਿੱਤਾ ਕਿਹਾ ਜਗਰਾਉਂ ਕਿ ਦੀ ਨੂੰ ਵਿਚ ਤੇ ਅਤੇ ਨਾਲ ਦੇ ਲਈ ਹੈ ਸੀ ਕਰ ਗਿਆ ਵੱਲੋਂ ਇਸ ਉਨ੍ਹਾਂ ਸਿੰਘ ਪਿੰਡ ਸਕੂਲ ਸਰਕਾਰ ਲੋਕਾਂ ਕੰਮ ਦਿੱਤਾ ਕਿਹਾ ਜਗਰਾਉਂ ਕਿ ਦੀ ਨੂੰ ਵਿਚ ਤੇ ਅਤੇ ਨਾਲ ਦੇ ਲਈ ਹੈ ਸੀ ਕਰ ਗਿਆ ਵੱਲੋਂ ਇਸ ਉਨ੍ਹਾਂ ਸਿੰਘ ਪਿੰਡ ਸਕੂਲ ਸਰਕਾਰ ਲੋਕਾਂ ਕੰਮ ਦਿੱਤਾ ਕਿਹਾ ਜਗਰਾਉਂ
ਕਿ ਦੀ ਨੂੰ ਵਿਚ ਤੇ ਅਤੇ ਨਾਲ ਦੇ ਲਈ ਹੈ ਸੀ ਕਰ ਗਿਆ ਵੱਲੋਂ ਇਸ ਉਨ੍ਹਾਂ ਸਿੰਘ ਪਿੰਡ ਸਕੂਲ ਸਰਕਾਰ ਲੋਕਾਂ ਕੰਮ ਦਿੱਤਾ ਕਿਹਾ ਜਗਰਾਉਂ ਕਿ ਦੀ ਨੂੰ ਵਿਚ ਤੇ ਅਤੇ ਨਾਲ ਦੇ ਲਈ ਹੈ ਸੀ ਕਰ ਗਿਆ ਵੱਲੋਂ ਇਸ ਉਨ੍ਹਾਂ ਸਿੰਘ ਪਿੰਡ ਸਕੂਲ ਸਰਕਾਰ ਲੋਕਾਂ ਕੰਮ ਦਿੱਤਾ ਕਿਹਾ ਜਗਰਾਉਂ ਕਿ ਦੀ ਨੂੰ ਵਿਚ ਤੇ ਅਤੇ ਨਾਲ ਦੇ ਲਈ ਹੈ ਸੀ ਕਰ ਗਿਆ ਵੱਲੋਂ ਇਸ ਉਨ੍ਹਾਂ ਸਿੰਘ ਪਿੰਡ ਸਕੂਲ ਸਰਕਾਰ ਲੋਕਾਂ ਕੰਮ ਦਿੱਤਾ ਕਿਹਾ ਜਗਰਾਉਂ ਕਿ ਦੀ ਨੂੰ ਵਿਚ ਤੇ ਅਤੇ ਨਾਲ ਦੇ ਲਈ ਹੈ ਸੀ ਕਰ ਗਿਆ ਵੱਲੋਂ ਇਸ ਉਨ੍ਹਾਂ ਸਿੰਘ ਪਿੰਡ ਸਕੂਲ ਸਰਕਾਰ ਲੋਕਾਂ ਕੰਮ ਦਿੱਤਾ ਕਿਹਾ ਜਗਰਾਉਂ ਕਿ ਦੀ ਨੂੰ ਵਿਚ ਤੇ ਅਤੇ ਨਾਲ ਦੇ ਲਈ ਹੈ ਸੀ ਕਰ ਗਿਆ ਵੱਲੋਂ ਇਸ ਉਨ੍ਹਾਂ ਸਿੰਘ ਪਿੰਡ ਸਕੂਲ ਸਰਕਾਰ ਲੋਕਾਂ ਕੰਮ ਦਿੱਤਾ ਕਿਹਾ ਜਗਰਾਉਂ ਕਿ ਦੀ ਨੂੰ ਵਿਚ ਤੇ ਅਤੇ ਨਾਲ ਦੇ ਲਈ ਹੈ ਸੀ ਕਰ ਗਿਆ ਵੱਲੋਂ ਇਸ ਉਨ੍ਹਾਂ ਸਿੰਘ ਪਿੰਡ ਸਕੂਲ ਸਰਕਾਰ ਲੋਕਾਂ ਕੰਮ ਦਿੱਤਾ ਕਿਹਾ ਜਗਰਾਉਂ ਕਿ ਦੀ ਨੂੰ ਵਿਚ ਤੇ ਅਤੇ ਨਾਲ ਦੇ ਲਈ ਹੈ ਸੀ ਕਰ ਗਿਆ ਵੱਲੋਂ ਇਸ ਉਨ੍ਹਾਂ ਸਿੰਘ ਪਿੰਡ ਸਕੂਲ ਸਰਕਾਰ ਲੋਕਾਂ ਕੰਮ ਦਿੱਤਾ ਕਿਹਾ ਜਗਰਾਉਂ ਕਿ ਦੀ ਨੂੰ ਵਿਚ ਤੇ ਅਤੇ ਨਾਲ ਦੇ ਲਈ ਹੈ ਸੀ ਕਰ ਗਿਆ ਵੱਲੋਂ ਇਸ ਉਨ੍ਹਾਂ ਸਿੰਘ ਪਿੰਡ ਸਕੂਲ ਸਰਕਾਰ ਲੋਕਾਂ ਕੰਮ ਦਿੱਤਾ ਕਿਹਾ ਜਗਰਾਉਂ ਕਿ ਦੀ ਨੂੰ ਵਿਚ ਤੇ ਅਤੇ ਨਾਲ ਦੇ ਲਈ ਹੈ ਸੀ ਕਰ ਗਿਆ ਵੱਲੋਂ ਇਸ ਉਨ੍ਹਾਂ ਸਿੰਘ ਪਿੰਡ ਸਕੂਲ ਸਰਕਾਰ ਲੋਕਾਂ ਕੰਮ ਦਿੱਤਾ ਕਿਹਾ ਜਗਰਾਉਂ ਕਿ ਦੀ ਨੂੰ ਵਿਚ ਤੇ ਅਤੇ ਨਾਲ ਦੇ ਲਈ ਹੈ ਸੀ ਕਰ ਗਿਆ ਵੱਲੋਂ ਇਸ ਉਨ੍ਹਾਂ ਸਿੰਘ ਪਿੰਡ ਸਕੂਲ ਸਰਕਾਰ ਲੋਕਾਂ ਕੰਮ ਦਿੱਤਾ ਕਿਹਾ ਜਗਰਾਉਂ
ਕਿ ਦੀ ਨੂੰ ਵਿਚ ਤੇ ਅਤੇ ਨਾਲ ਦੇ ਲਈ ਹੈ ਸੀ ਕਰ ਗਿਆ ਵੱਲੋਂ ਇਸ ਉਨ੍ਹਾਂ ਸਿੰਘ ਪਿੰਡ ਸਕੂਲ ਸਰਕਾਰ ਲੋਕਾਂ ਕੰਮ ਦਿੱਤਾ ਕਿਹਾ ਜਗਰਾਉਂ ਕਿ ਦੀ ਨੂੰ ਵਿਚ ਤੇ ਅਤੇ ਨਾਲ ਦੇ ਲਈ ਹੈ ਸੀ ਕਰ ਗਿਆ ਵੱਲੋਂ ਇਸ ਉਨ੍ਹਾਂ ਸਿੰਘ ਪਿੰਡ ਸਕੂਲ ਸਰਕਾਰ ਲੋਕਾਂ ਕੰਮ ਦਿੱਤਾ ਕਿਹਾ ਜਗਰਾਉਂ ਕਿ ਦੀ ਨੂੰ ਵਿਚ ਤੇ ਅਤੇ ਨਾਲ ਦੇ ਲਈ ਹੈ ਸੀ ਕਰ ਗਿਆ ਵੱਲੋਂ ਇਸ ਉਨ੍ਹਾਂ ਸਿੰਘ ਪਿੰਡ ਸਕੂਲ ਸਰਕਾਰ ਲੋਕਾਂ ਕੰਮ ਦਿੱਤਾ ਕਿਹਾ ਜਗਰਾਉਂ ਕਿ ਦੀ ਨੂੰ ਵਿਚ ਤੇ ਅਤੇ ਨਾਲ ਦੇ ਲਈ ਹੈ ਸੀ ਕਰ ਗਿਆ ਵੱਲੋਂ ਇਸ ਉਨ੍ਹਾਂ ਸਿੰਘ ਪਿੰਡ ਸਕੂਲ ਸਰਕਾਰ ਲੋਕਾਂ ਕੰਮ ਦਿੱਤਾ ਕਿਹਾ ਜਗਰਾਉਂ ਕਿ ਦੀ ਨੂੰ ਵਿਚ ਤੇ ਅਤੇ ਨਾਲ ਦੇ ਲਈ ਹੈ ਸੀ ਕਰ ਗਿਆ ਵੱਲੋਂ ਇਸ ਉਨ੍ਹਾਂ ਸਿੰਘ ਪਿੰਡ ਸਕੂਲ ਸਰਕਾਰ ਲੋਕਾਂ ਕੰਮ ਦਿੱਤਾ ਕਿਹਾ ਜਗਰਾਉਂ ਕਿ ਦੀ ਨੂੰ ਵਿਚ ਤੇ ਅਤੇ ਨਾਲ ਦੇ ਲਈ ਹੈ ਸੀ ਕਰ ਗਿਆ ਵੱਲੋਂ ਇਸ ਉਨ੍ਹਾਂ ਸਿੰਘ ਪਿੰਡ ਸਕੂਲ ਸਰਕਾਰ ਲੋਕਾਂ ਕੰਮ ਦਿੱਤਾ ਕਿਹਾ ਜਗਰਾਉਂ ਕਿ ਦੀ ਨੂੰ ਵਿਚ ਤੇ ਅਤੇ ਨਾਲ ਦੇ ਲਈ ਹੈ ਸੀ ਕਰ ਗਿਆ ਵੱਲੋਂ ਇਸ ਉਨ੍ਹਾਂ ਸਿੰਘ ਪਿੰਡ ਸਕੂਲ ਸਰਕਾਰ ਲੋਕਾਂ ਕੰਮ ਦਿੱਤਾ ਕਿਹਾ ਜਗਰਾਉਂ ਕਿ ਦੀ ਨੂੰ ਵਿਚ ਤੇ ਅਤੇ ਨਾਲ ਦੇ ਲਈ ਹੈ ਸੀ ਕਰ ਗਿਆ ਵੱਲੋਂ ਇਸ ਉਨ੍ਹਾਂ ਸਿੰਘ ਪਿੰਡ ਸਕੂਲ ਸਰਕਾਰ ਲੋਕਾਂ ਕੰਮ ਦਿੱਤਾ ਕਿਹਾ ਜਗਰਾਉਂ ਕਿ ਦੀ ਨੂੰ ਵਿਚ ਤੇ ਅਤੇ ਨਾਲ ਦੇ ਲਈ ਹੈ ਸੀ ਕਰ ਗਿਆ ਵੱਲੋਂ ਇਸ ਉਨ੍ਹਾਂ ਸਿੰਘ ਪਿੰਡ ਸਕੂਲ ਸਰਕਾਰ ਲੋਕਾਂ ਕੰਮ ਦਿੱਤਾ ਕਿਹਾ ਜਗਰਾਉਂ ਕਿ ਦੀ ਨੂੰ ਵਿਚ ਤੇ ਅਤੇ ਨਾਲ ਦੇ ਲਈ ਹੈ ਸੀ ਕਰ ਗਿਆ ਵੱਲੋਂ ਇਸ ਉਨ੍ਹਾਂ ਸਿੰਘ ਪਿੰਡ ਸਕੂਲ ਸਰਕਾਰ ਲੋਕਾਂ ਕੰਮ ਦਿੱਤਾ ਕਿਹਾ ਜਗਰਾਉਂ
PUNJAB STATE POWER CORPORATION LTD.
(Regd. Office: PSEB Head Office, The Mall Patiala)
Corporate Id. No.: U40109PB2010SGC033813
Contact No.: 96461-18775
ਕਿ ਦੀ ਨੂੰ ਵਿਚ ਤੇ ਅਤੇ ਨਾਲ ਦੇ ਲਈ ਹੈ ਸੀ ਕਰ ਗਿਆ ਵੱਲੋਂ ਇਸ ਉਨ੍ਹਾਂ ਸਿੰਘ ਪਿੰਡ ਸਕੂਲ ਸਰਕਾਰ ਲੋਕਾਂ ਕੰਮ ਦਿੱਤਾ ਕਿਹਾ ਜਗਰਾਉਂ ਕਿ ਦੀ ਨੂੰ ਵਿਚ ਤੇ ਅਤੇ ਨਾਲ ਦੇ ਲਈ ਹੈ ਸੀ ਕਰ ਗਿਆ ਵੱਲੋਂ ਇਸ ਉਨ੍ਹਾਂ ਸਿੰਘ ਪਿੰਡ ਸਕੂਲ ਸਰਕਾਰ ਲੋਕਾਂ ਕੰਮ ਦਿੱਤਾ ਕਿਹਾ ਜਗਰਾਉਂ ਕਿ ਦੀ ਨੂੰ ਵਿਚ ਤੇ ਅਤੇ ਨਾਲ ਦੇ ਲਈ ਹੈ ਸੀ ਕਰ ਗਿਆ ਵੱਲੋਂ ਇਸ ਉਨ੍ਹਾਂ ਸਿੰਘ ਪਿੰਡ ਸਕੂਲ ਸਰਕਾਰ ਲੋਕਾਂ ਕੰਮ ਦਿੱਤਾ ਕਿਹਾ ਜਗਰਾਉਂ ਕਿ ਦੀ ਨੂੰ ਵਿਚ ਤੇ ਅਤੇ ਨਾਲ ਦੇ ਲਈ ਹੈ ਸੀ ਕਰ ਗਿਆ ਵੱਲੋਂ ਇਸ ਉਨ੍ਹਾਂ ਸਿੰਘ ਪਿੰਡ ਸਕੂਲ ਸਰਕਾਰ ਲੋਕਾਂ ਕੰਮ ਦਿੱਤਾ ਕਿਹਾ ਜਗਰਾਉਂ ਕਿ ਦੀ ਨੂੰ ਵਿਚ ਤੇ ਅਤੇ ਨਾਲ ਦੇ ਲਈ ਹੈ ਸੀ ਕਰ ਗਿਆ ਵੱਲੋਂ ਇਸ ਉਨ੍ਹਾਂ ਸਿੰਘ ਪਿੰਡ ਸਕੂਲ ਸਰਕਾਰ ਲੋਕਾਂ ਕੰਮ ਦਿੱਤਾ ਕਿਹਾ ਜਗਰਾਉਂ ਕਿ ਦੀ ਨੂੰ ਵਿਚ ਤੇ ਅਤੇ ਨਾਲ ਦੇ ਲਈ ਹੈ ਸੀ ਕਰ ਗਿਆ ਵੱਲੋਂ ਇਸ ਉਨ੍ਹਾਂ ਸਿੰਘ ਪਿੰਡ ਸਕੂਲ ਸਰਕਾਰ ਲੋਕਾਂ ਕੰਮ ਦਿੱਤਾ ਕਿਹਾ ਜਗਰਾਉਂ ਕਿ ਦੀ ਨੂੰ ਵਿਚ ਤੇ ਅਤੇ ਨਾਲ ਦੇ ਲਈ ਹੈ ਸੀ ਕਰ ਗਿਆ ਵੱਲੋਂ ਇਸ ਉਨ੍ਹਾਂ ਸਿੰਘ ਪਿੰਡ ਸਕੂਲ ਸਰਕਾਰ ਲੋਕਾਂ ਕੰਮ ਦਿੱਤਾ ਕਿਹਾ ਜਗਰਾਉਂ ਕਿ ਦੀ ਨੂੰ ਵਿਚ ਤੇ ਅਤੇ ਨਾਲ ਦੇ ਲਈ ਹੈ ਸੀ ਕਰ ਗਿਆ ਵੱਲੋਂ ਇਸ ਉਨ੍ਹਾਂ ਸਿੰਘ ਪਿੰਡ ਸਕੂਲ ਸਰਕਾਰ ਲੋਕਾਂ ਕੰਮ ਦਿੱਤਾ ਕਿਹਾ ਜਗਰਾਉਂ ਕਿ ਦੀ ਨੂੰ ਵਿਚ ਤੇ ਅਤੇ ਨਾਲ ਦੇ ਲਈ ਹੈ ਸੀ ਕਰ ਗਿਆ ਵੱਲੋਂ ਇਸ ਉਨ੍ਹਾਂ ਸਿੰਘ ਪਿੰਡ ਸਕੂਲ ਸਰਕਾਰ ਲੋਕਾਂ ਕੰਮ ਦਿੱਤਾ ਕਿਹਾ ਜਗਰਾਉਂ ਕਿ ਦੀ ਨੂੰ ਵਿਚ ਤੇ ਅਤੇ ਨਾਲ ਦੇ ਲਈ ਹੈ ਸੀ ਕਰ ਗਿਆ ਵੱਲੋਂ ਇਸ ਉਨ੍ਹਾਂ ਸਿੰਘ ਪਿੰਡ ਸਕੂਲ ਸਰਕਾਰ ਲੋਕਾਂ ਕੰਮ ਦਿੱਤਾ ਕਿਹਾ ਜਗਰਾਉਂ
ਰਾਜੂ ਸੋਲ ਸੈਂਟਰ ਖਲਾਸੀ - ਪੂਰੇ

ਕਿ ਦੀ ਨੂੰ ਵਿਚ ਤੇ ਅਤੇ ਨਾਲ ਦੇ ਲਈ ਹੈ ਸੀ ਕਰ ਗਿਆ ਵੱਲੋਂ ਇਸ ਉਨ੍ਹਾਂ ਸਿੰਘ ਪਿੰਡ ਸਕੂਲ ਸਰਕਾਰ ਲੋਕਾਂ ਕੰਮ ਦਿੱਤਾ ਕਿਹਾ ਜਗਰਾਉਂ ਕਿ ਦੀ ਨੂੰ ਵਿਚ ਤੇ ਅਤੇ ਨਾਲ ਦੇ ਲਈ ਹੈ ਸੀ ਕਰ ਗਿਆ ਵੱਲੋਂ ਇਸ ਉਨ੍ਹਾਂ ਸਿੰਘ ਪਿੰਡ ਸਕੂਲ ਸਰਕਾਰ ਲੋਕਾਂ ਕੰਮ ਦਿੱਤਾ ਕਿਹਾ ਜਗਰਾਉਂ ਕਿ ਦੀ ਨੂੰ ਵਿਚ ਤੇ ਅਤੇ ਨਾਲ ਦੇ ਲਈ ਹੈ ਸੀ ਕਰ ਗਿਆ ਵੱਲੋਂ ਇਸ ਉਨ੍ਹਾਂ ਸਿੰਘ ਪਿੰਡ ਸਕੂਲ ਸਰਕਾਰ ਲੋਕਾਂ ਕੰਮ ਦਿੱਤਾ ਕਿਹਾ ਜਗਰਾਉਂ ਕਿ ਦੀ ਨੂੰ ਵਿਚ ਤੇ ਅਤੇ ਨਾਲ ਦੇ ਲਈ ਹੈ ਸੀ ਕਰ ਗਿਆ ਵੱਲੋਂ ਇਸ ਉਨ੍ਹਾਂ ਸਿੰਘ ਪਿੰਡ ਸਕੂਲ ਸਰਕਾਰ ਲੋਕਾਂ ਕੰਮ ਦਿੱਤਾ ਕਿਹਾ ਜਗਰਾਉਂ ਕਿ ਦੀ ਨੂੰ ਵਿਚ ਤੇ ਅਤੇ ਨਾਲ ਦੇ ਲਈ ਹੈ ਸੀ ਕਰ ਗਿਆ ਵੱਲੋਂ ਇਸ ਉਨ੍ਹਾਂ ਸਿੰਘ ਪਿੰਡ ਸਕੂਲ ਸਰਕਾਰ ਲੋਕਾਂ ਕੰਮ ਦਿੱਤਾ ਕਿਹਾ ਜਗਰਾਉਂ ਕਿ ਦੀ ਨੂੰ ਵਿਚ ਤੇ ਅਤੇ ਨਾਲ ਦੇ ਲਈ ਹੈ ਸੀ ਕਰ ਗਿਆ ਵੱਲੋਂ ਇਸ ਉਨ੍ਹਾਂ ਸਿੰਘ ਪਿੰਡ ਸਕੂਲ ਸਰਕਾਰ ਲੋਕਾਂ ਕੰਮ ਦਿੱਤਾ ਕਿਹਾ ਜਗਰਾਉਂ ਕਿ ਦੀ ਨੂੰ ਵਿਚ ਤੇ ਅਤੇ ਨਾਲ ਦੇ ਲਈ ਹੈ ਸੀ ਕਰ ਗਿਆ ਵੱਲੋਂ ਇਸ ਉਨ੍ਹਾਂ ਸਿੰਘ ਪਿੰਡ ਸਕੂਲ ਸਰਕਾਰ ਲੋਕਾਂ ਕੰਮ ਦਿੱਤਾ ਕਿਹਾ ਜਗਰਾਉਂ ਕਿ ਦੀ ਨੂੰ ਵਿਚ ਤੇ ਅਤੇ ਨਾਲ ਦੇ ਲਈ ਹੈ ਸੀ ਕਰ ਗਿਆ ਵੱਲੋਂ ਇਸ ਉਨ੍ਹਾਂ ਸਿੰਘ ਪਿੰਡ ਸਕੂਲ ਸਰਕਾਰ ਲੋਕਾਂ ਕੰਮ ਦਿੱਤਾ ਕਿਹਾ ਜਗਰਾਉਂ ਕਿ ਦੀ ਨੂੰ ਵਿਚ ਤੇ ਅਤੇ ਨਾਲ ਦੇ ਲਈ ਹੈ ਸੀ ਕਰ ਗਿਆ ਵੱਲੋਂ ਇਸ ਉਨ੍ਹਾਂ ਸਿੰਘ ਪਿੰਡ ਸਕੂਲ ਸਰਕਾਰ ਲੋਕਾਂ ਕੰਮ ਦਿੱਤਾ ਕਿਹਾ ਜਗਰਾਉਂ ਕਿ ਦੀ ਨੂੰ ਵਿਚ ਤੇ ਅਤੇ ਨਾਲ ਦੇ ਲਈ ਹੈ ਸੀ ਕਰ ਗਿਆ ਵੱਲੋਂ ਇਸ ਉਨ੍ਹਾਂ ਸਿੰਘ ਪਿੰਡ ਸਕੂਲ ਸਰਕਾਰ ਲੋਕਾਂ ਕੰਮ ਦਿੱਤਾ ਕਿਹਾ ਜਗਰਾਉਂ
Commanding Officer 2/0 Engar Regt The Bombay Sappers
ਪੰਜਾਬ ਸਰਕਾਰ	ਟੈਂਡਰ ਨੋਟਿਸ

ਕਿ ਦੀ ਨੂੰ ਵਿਚ ਤੇ ਅਤੇ ਨਾਲ ਦੇ ਲਈ ਹੈ ਸੀ ਕਰ ਗਿਆ ਵੱਲੋਂ ਇਸ ਉਨ੍ਹਾਂ ਸਿੰਘ ਪਿੰਡ ਸਕੂਲ ਸਰਕਾਰ ਲੋਕਾਂ ਕੰਮ ਦਿੱਤਾ ਕਿਹਾ ਜਗਰਾਉਂ ਕਿ ਦੀ ਨੂੰ ਵਿਚ ਤੇ ਅਤੇ ਨਾਲ ਦੇ ਲਈ ਹੈ ਸੀ ਕਰ ਗਿਆ ਵੱਲੋਂ ਇਸ ਉਨ੍ਹਾਂ ਸਿੰਘ ਪਿੰਡ ਸਕੂਲ ਸਰਕਾਰ ਲੋਕਾਂ ਕੰਮ ਦਿੱਤਾ ਕਿਹਾ ਜਗਰਾਉਂ ਕਿ ਦੀ ਨੂੰ ਵਿਚ ਤੇ ਅਤੇ ਨਾਲ ਦੇ ਲਈ ਹੈ ਸੀ ਕਰ ਗਿਆ ਵੱਲੋਂ ਇਸ ਉਨ੍ਹਾਂ ਸਿੰਘ ਪਿੰਡ ਸਕੂਲ ਸਰਕਾਰ ਲੋਕਾਂ ਕੰਮ ਦਿੱਤਾ ਕਿਹਾ ਜਗਰਾਉਂ ਕਿ ਦੀ ਨੂੰ ਵਿਚ ਤੇ ਅਤੇ ਨਾਲ ਦੇ ਲਈ ਹੈ ਸੀ ਕਰ ਗਿਆ ਵੱਲੋਂ ਇਸ ਉਨ੍ਹਾਂ ਸਿੰਘ ਪਿੰਡ ਸਕੂਲ ਸਰਕਾਰ ਲੋਕਾਂ ਕੰਮ ਦਿੱਤਾ ਕਿਹਾ ਜਗਰਾਉਂ ਕਿ ਦੀ ਨੂੰ ਵਿਚ ਤੇ ਅਤੇ ਨਾਲ ਦੇ ਲਈ ਹੈ ਸੀ ਕਰ ਗਿਆ ਵੱਲੋਂ ਇਸ ਉਨ੍ਹਾਂ ਸਿੰਘ ਪਿੰਡ ਸਕੂਲ ਸਰਕਾਰ ਲੋਕਾਂ ਕੰਮ ਦਿੱਤਾ ਕਿਹਾ ਜਗਰਾਉਂ ਕਿ ਦੀ ਨੂੰ ਵਿਚ ਤੇ ਅਤੇ ਨਾਲ ਦੇ ਲਈ ਹੈ ਸੀ ਕਰ ਗਿਆ ਵੱਲੋਂ ਇਸ ਉਨ੍ਹਾਂ ਸਿੰਘ ਪਿੰਡ ਸਕੂਲ ਸਰਕਾਰ ਲੋਕਾਂ ਕੰਮ ਦਿੱਤਾ ਕਿਹਾ ਜਗਰਾਉਂ ਕਿ ਦੀ ਨੂੰ ਵਿਚ ਤੇ ਅਤੇ ਨਾਲ ਦੇ ਲਈ ਹੈ ਸੀ ਕਰ ਗਿਆ ਵੱਲੋਂ ਇਸ ਉਨ੍ਹਾਂ ਸਿੰਘ ਪਿੰਡ ਸਕੂਲ ਸਰਕਾਰ ਲੋਕਾਂ ਕੰਮ ਦਿੱਤਾ ਕਿਹਾ ਜਗਰਾਉਂ ਕਿ ਦੀ ਨੂੰ ਵਿਚ ਤੇ ਅਤੇ ਨਾਲ ਦੇ ਲਈ ਹੈ ਸੀ ਕਰ ਗਿਆ ਵੱਲੋਂ ਇਸ ਉਨ੍ਹਾਂ ਸਿੰਘ ਪਿੰਡ ਸਕੂਲ ਸਰਕਾਰ ਲੋਕਾਂ ਕੰਮ ਦਿੱਤਾ ਕਿਹਾ ਜਗਰਾਉਂ ਕਿ ਦੀ ਨੂੰ ਵਿਚ ਤੇ ਅਤੇ ਨਾਲ ਦੇ ਲਈ ਹੈ ਸੀ ਕਰ ਗਿਆ ਵੱਲੋਂ ਇਸ ਉਨ੍ਹਾਂ ਸਿੰਘ ਪਿੰਡ ਸਕੂਲ ਸਰਕਾਰ ਲੋਕਾਂ ਕੰਮ ਦਿੱਤਾ ਕਿਹਾ ਜਗਰਾਉਂ ਕਿ ਦੀ ਨੂੰ ਵਿਚ ਤੇ ਅਤੇ ਨਾਲ ਦੇ ਲਈ ਹੈ ਸੀ ਕਰ ਗਿਆ ਵੱਲੋਂ ਇਸ ਉਨ੍ਹਾਂ ਸਿੰਘ ਪਿੰਡ ਸਕੂਲ ਸਰਕਾਰ ਲੋਕਾਂ ਕੰਮ ਦਿੱਤਾ ਕਿਹਾ ਜਗਰਾਉਂ
PR-Advt. No. 4685/Gdsh-Sarcaal
ਕਿ ਦੀ ਨੂੰ ਵਿਚ ਤੇ ਅਤੇ ਨਾਲ ਦੇ ਲਈ ਹੈ ਸੀ ਕਰ ਗਿਆ ਵੱਲੋਂ ਇਸ ਉਨ੍ਹਾਂ ਸਿੰਘ ਪਿੰਡ ਸਕੂਲ ਸਰਕਾਰ ਲੋਕਾਂ ਕੰਮ ਦਿੱਤਾ ਕਿਹਾ ਜਗਰਾਉਂ ਕਿ ਦੀ ਨੂੰ ਵਿਚ ਤੇ ਅਤੇ ਨਾਲ ਦੇ ਲਈ ਹੈ ਸੀ ਕਰ ਗਿਆ ਵੱਲੋਂ ਇਸ ਉਨ੍ਹਾਂ ਸਿੰਘ ਪਿੰਡ ਸਕੂਲ ਸਰਕਾਰ ਲੋਕਾਂ ਕੰਮ ਦਿੱਤਾ ਕਿਹਾ ਜਗਰਾਉਂ ਕਿ ਦੀ ਨੂੰ ਵਿਚ ਤੇ ਅਤੇ ਨਾਲ ਦੇ ਲਈ ਹੈ ਸੀ ਕਰ ਗਿਆ ਵੱਲੋਂ ਇਸ ਉਨ੍ਹਾਂ ਸਿੰਘ ਪਿੰਡ ਸਕੂਲ ਸਰਕਾਰ ਲੋਕਾਂ ਕੰਮ ਦਿੱਤਾ ਕਿਹਾ ਜਗਰਾਉਂ ਕਿ ਦੀ ਨੂੰ ਵਿਚ ਤੇ ਅਤੇ ਨਾਲ ਦੇ ਲਈ ਹੈ ਸੀ ਕਰ ਗਿਆ ਵੱਲੋਂ ਇਸ ਉਨ੍ਹਾਂ ਸਿੰਘ ਪਿੰਡ ਸਕੂਲ ਸਰਕਾਰ ਲੋਕਾਂ ਕੰਮ ਦਿੱਤਾ ਕਿਹਾ ਜਗਰਾਉਂ ਕਿ ਦੀ ਨੂੰ ਵਿਚ ਤੇ ਅਤੇ ਨਾਲ ਦੇ ਲਈ ਹੈ ਸੀ ਕਰ ਗਿਆ ਵੱਲੋਂ ਇਸ ਉਨ੍ਹਾਂ ਸਿੰਘ ਪਿੰਡ ਸਕੂਲ ਸਰਕਾਰ ਲੋਕਾਂ ਕੰਮ ਦਿੱਤਾ ਕਿਹਾ ਜਗਰਾਉਂ ਕਿ ਦੀ ਨੂੰ ਵਿਚ ਤੇ ਅਤੇ ਨਾਲ ਦੇ ਲਈ ਹੈ ਸੀ ਕਰ ਗਿਆ ਵੱਲੋਂ ਇਸ ਉਨ੍ਹਾਂ ਸਿੰਘ ਪਿੰਡ ਸਕੂਲ ਸਰਕਾਰ ਲੋਕਾਂ ਕੰਮ ਦਿੱਤਾ ਕਿਹਾ ਜਗਰਾਉਂ ਕਿ ਦੀ ਨੂੰ ਵਿਚ ਤੇ ਅਤੇ ਨਾਲ ਦੇ ਲਈ ਹੈ ਸੀ ਕਰ ਗਿਆ ਵੱਲੋਂ ਇਸ ਉਨ੍ਹਾਂ ਸਿੰਘ ਪਿੰਡ ਸਕੂਲ ਸਰਕਾਰ ਲੋਕਾਂ ਕੰਮ ਦਿੱਤਾ ਕਿਹਾ ਜਗਰਾਉਂ ਕਿ ਦੀ ਨੂੰ ਵਿਚ ਤੇ ਅਤੇ ਨਾਲ ਦੇ ਲਈ ਹੈ ਸੀ ਕਰ ਗਿਆ ਵੱਲੋਂ ਇਸ ਉਨ੍ਹਾਂ ਸਿੰਘ ਪਿੰਡ ਸਕੂਲ ਸਰਕਾਰ ਲੋਕਾਂ ਕੰਮ ਦਿੱਤਾ ਕਿਹਾ ਜਗਰਾਉਂ ਕਿ ਦੀ ਨੂੰ ਵਿਚ ਤੇ ਅਤੇ ਨਾਲ ਦੇ ਲਈ ਹੈ ਸੀ ਕਰ ਗਿਆ ਵੱਲੋਂ ਇਸ ਉਨ੍ਹਾਂ ਸਿੰਘ ਪਿੰਡ ਸਕੂਲ ਸਰਕਾਰ ਲੋਕਾਂ ਕੰਮ ਦਿੱਤਾ ਕਿਹਾ ਜਗਰਾਉਂ ਕਿ ਦੀ ਨੂੰ ਵਿਚ ਤੇ ਅਤੇ ਨਾਲ ਦੇ ਲਈ ਹੈ ਸੀ ਕਰ ਗਿਆ ਵੱਲੋਂ ਇਸ ਉਨ੍ਹਾਂ ਸਿੰਘ ਪਿੰਡ ਸਕੂਲ ਸਰਕਾਰ ਲੋਕਾਂ ਕੰਮ ਦਿੱਤਾ ਕਿਹਾ ਜਗਰਾਉਂ	PR-Advt. No. 2455/12/2025-26/877
ਕਿ ਦੀ ਨੂੰ ਵਿਚ ਤੇ ਅਤੇ ਨਾਲ ਦੇ ਲਈ ਹੈ ਸੀ ਕਰ ਗਿਆ ਵੱਲੋਂ ਇਸ ਉਨ੍ਹਾਂ ਸਿੰਘ ਪਿੰਡ ਸਕੂਲ ਸਰਕਾਰ ਲੋਕਾਂ ਕੰਮ ਦਿੱਤਾ ਕਿਹਾ ਜਗਰਾਉਂ ਕਿ ਦੀ ਨੂੰ ਵਿਚ ਤੇ ਅਤੇ ਨਾਲ ਦੇ ਲਈ ਹੈ ਸੀ ਕਰ ਗਿਆ ਵੱਲੋਂ ਇਸ ਉਨ੍ਹਾਂ ਸਿੰਘ ਪਿੰਡ ਸਕੂਲ ਸਰਕਾਰ ਲੋਕਾਂ ਕੰਮ ਦਿੱਤਾ ਕਿਹਾ ਜਗਰਾਉਂ ਕਿ ਦੀ ਨੂੰ ਵਿਚ ਤੇ ਅਤੇ ਨਾਲ ਦੇ ਲਈ ਹੈ ਸੀ ਕਰ ਗਿਆ ਵੱਲੋਂ ਇਸ ਉਨ੍ਹਾਂ ਸਿੰਘ ਪਿੰਡ ਸਕੂਲ ਸਰਕਾਰ ਲੋਕਾਂ ਕੰਮ ਦਿੱਤਾ ਕਿਹਾ ਜਗਰਾਉਂ ਕਿ ਦੀ ਨੂੰ ਵਿਚ ਤੇ ਅਤੇ ਨਾਲ ਦੇ ਲਈ ਹੈ ਸੀ ਕਰ ਗਿਆ ਵੱਲੋਂ ਇਸ ਉਨ੍ਹਾਂ ਸਿੰਘ ਪਿੰਡ ਸਕੂਲ ਸਰਕਾਰ ਲੋਕਾਂ ਕੰਮ ਦਿੱਤਾ ਕਿਹਾ ਜਗਰਾਉਂ ਕਿ ਦੀ ਨੂੰ ਵਿਚ ਤੇ ਅਤੇ ਨਾਲ ਦੇ ਲਈ ਹੈ ਸੀ ਕਰ ਗਿਆ ਵੱਲੋਂ ਇਸ ਉਨ੍ਹਾਂ ਸਿੰਘ ਪਿੰਡ ਸਕੂਲ ਸਰਕਾਰ ਲੋਕਾਂ ਕੰਮ ਦਿੱਤਾ ਕਿਹਾ ਜਗਰਾਉਂ ਕਿ ਦੀ ਨੂੰ ਵਿਚ ਤੇ ਅਤੇ ਨਾਲ ਦੇ ਲਈ ਹੈ ਸੀ ਕਰ ਗਿਆ ਵੱਲੋਂ ਇਸ ਉਨ੍ਹਾਂ ਸਿੰਘ ਪਿੰਡ ਸਕੂਲ ਸਰਕਾਰ ਲੋਕਾਂ ਕੰਮ ਦਿੱਤਾ ਕਿਹਾ ਜਗਰਾਉਂ ਕਿ ਦੀ ਨੂੰ ਵਿਚ ਤੇ ਅਤੇ ਨਾਲ ਦੇ ਲਈ ਹੈ ਸੀ ਕਰ ਗਿਆ ਵੱਲੋਂ ਇਸ ਉਨ੍ਹਾਂ ਸਿੰਘ ਪਿੰਡ ਸਕੂਲ ਸਰਕਾਰ ਲੋਕਾਂ ਕੰਮ ਦਿੱਤਾ ਕਿਹਾ ਜਗਰਾਉਂ ਕਿ ਦੀ ਨੂੰ ਵਿਚ ਤੇ ਅਤੇ ਨਾਲ ਦੇ ਲਈ ਹੈ ਸੀ ਕਰ ਗਿਆ ਵੱਲੋਂ ਇਸ ਉਨ੍ਹਾਂ ਸਿੰਘ ਪਿੰਡ ਸਕੂਲ ਸਰਕਾਰ ਲੋਕਾਂ ਕੰਮ ਦਿੱਤਾ ਕਿਹਾ ਜਗਰਾਉਂ ਕਿ ਦੀ ਨੂੰ ਵਿਚ ਤੇ ਅਤੇ ਨਾਲ ਦੇ ਲਈ ਹੈ ਸੀ ਕਰ ਗਿਆ ਵੱਲੋਂ ਇਸ ਉਨ੍ਹਾਂ ਸਿੰਘ ਪਿੰਡ ਸਕੂਲ ਸਰਕਾਰ ਲੋਕਾਂ ਕੰਮ ਦਿੱਤਾ ਕਿਹਾ ਜਗਰਾਉਂ ਕਿ ਦੀ ਨੂੰ ਵਿਚ ਤੇ ਅਤੇ ਨਾਲ ਦੇ ਲਈ ਹੈ ਸੀ ਕਰ ਗਿਆ ਵੱਲੋਂ ਇਸ ਉਨ੍ਹਾਂ ਸਿੰਘ ਪਿੰਡ ਸਕੂਲ ਸਰਕਾਰ ਲੋਕਾਂ ਕੰਮ ਦਿੱਤਾ ਕਿਹਾ ਜਗਰਾਉਂ
